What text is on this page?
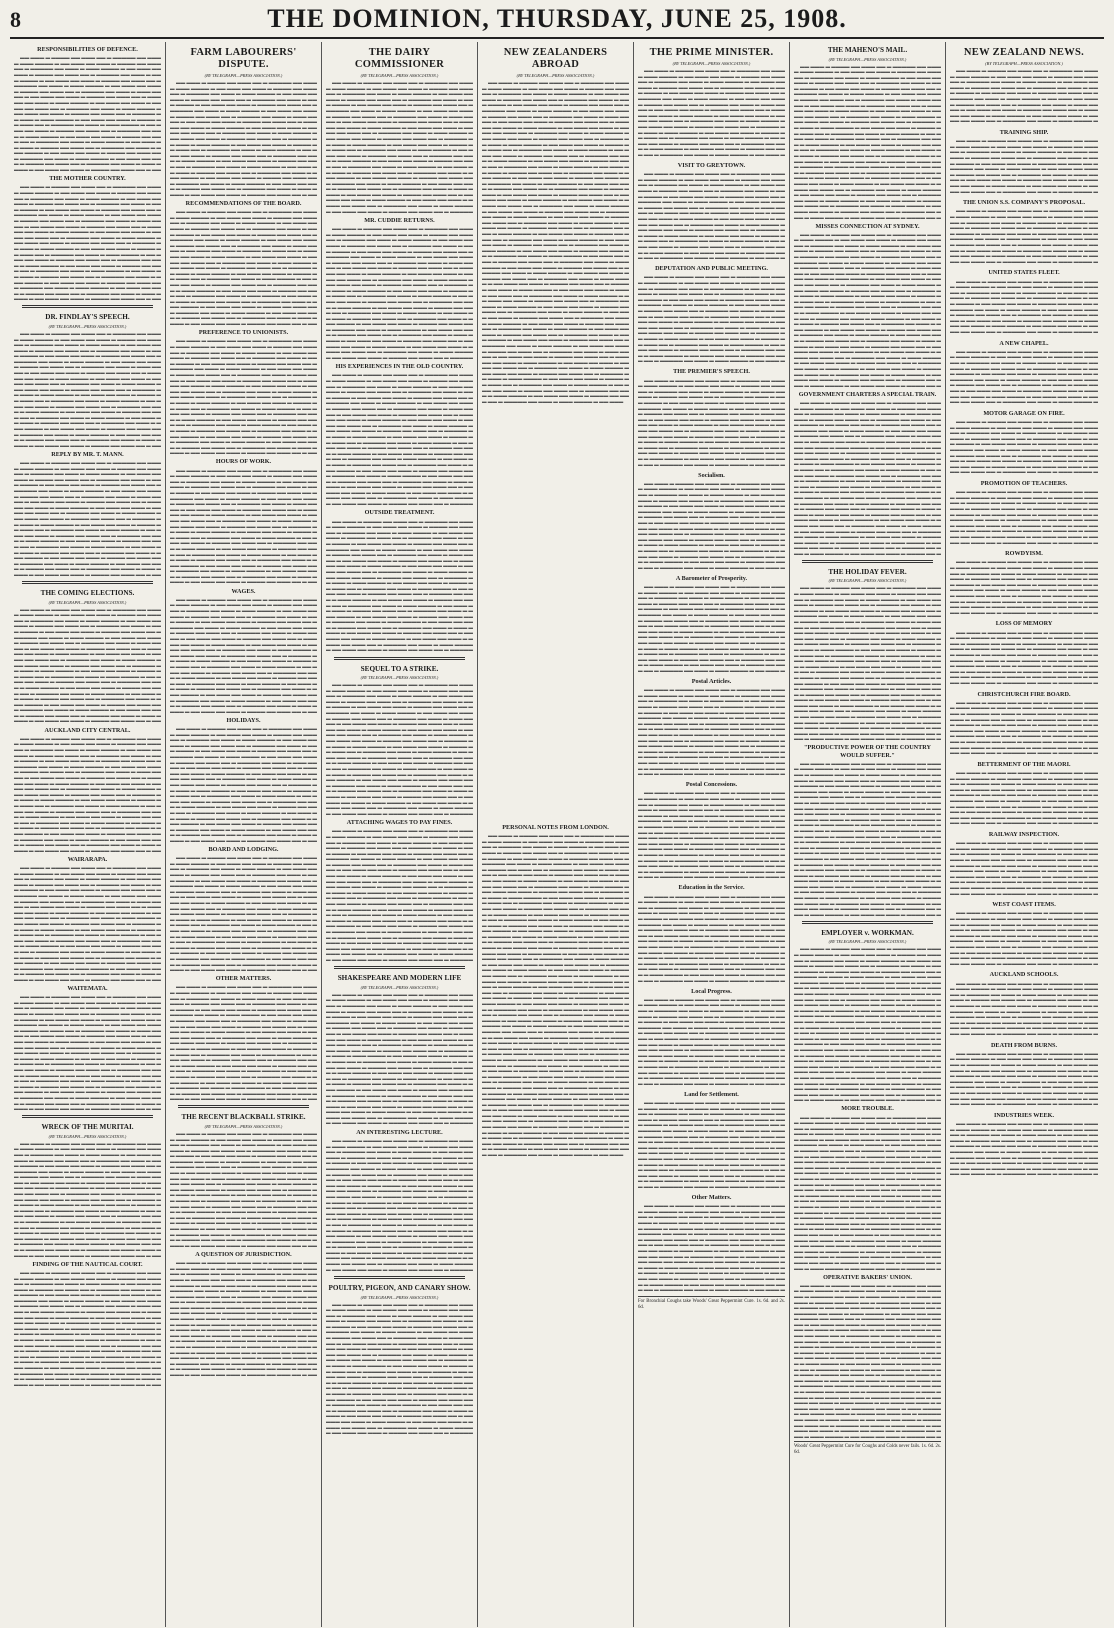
8	THE DOMINION, THURSDAY, JUNE 25, 1908.
RESPONSIBILITIES OF DEFENCE.

▬▬ ▬▬▬ ▬ ▬▬▬▬ ▬▬ ▬▬▬ ▬▬ ▬ ▬▬▬▬▬ ▬▬ ▬▬▬ ▬ ▬▬▬ ▬▬▬▬ ▬ ▬▬ ▬▬▬ ▬▬ ▬▬▬ ▬ ▬▬▬▬ ▬▬ ▬▬▬ ▬▬ ▬ ▬▬▬▬▬ ▬▬ ▬▬▬ ▬ ▬▬▬ ▬▬▬▬ ▬ ▬▬ ▬▬▬ ▬▬ ▬▬▬ ▬ ▬▬▬▬ ▬▬ ▬▬▬ ▬▬ ▬ ▬▬▬▬▬ ▬▬ ▬▬▬ ▬ ▬▬▬ ▬▬▬▬ ▬ ▬▬ ▬▬▬ ▬▬ ▬▬▬ ▬ ▬▬▬▬ ▬▬ ▬▬▬ ▬▬ ▬ ▬▬▬▬▬ ▬▬ ▬▬▬ ▬ ▬▬▬ ▬▬▬▬ ▬ ▬▬ ▬▬▬ ▬▬ ▬▬▬ ▬ ▬▬▬▬ ▬▬ ▬▬▬ ▬▬ ▬ ▬▬▬▬▬ ▬▬ ▬▬▬ ▬ ▬▬▬ ▬▬▬▬ ▬ ▬▬ ▬▬▬ ▬▬ ▬▬▬ ▬ ▬▬▬▬ ▬▬ ▬▬▬ ▬▬ ▬ ▬▬▬▬▬ ▬▬ ▬▬▬ ▬ ▬▬▬ ▬▬▬▬ ▬ ▬▬ ▬▬▬ ▬▬ ▬▬▬ ▬ ▬▬▬▬ ▬▬ ▬▬▬ ▬▬ ▬ ▬▬▬▬▬ ▬▬ ▬▬▬ ▬ ▬▬▬ ▬▬▬▬ ▬ ▬▬ ▬▬▬ ▬▬ ▬▬▬ ▬ ▬▬▬▬ ▬▬ ▬▬▬ ▬▬ ▬ ▬▬▬▬▬ ▬▬ ▬▬▬ ▬ ▬▬▬ ▬▬▬▬ ▬ ▬▬ ▬▬▬ ▬▬ ▬▬▬ ▬ ▬▬▬▬ ▬▬ ▬▬▬ ▬▬ ▬ ▬▬▬▬▬ ▬▬ ▬▬▬ ▬ ▬▬▬ ▬▬▬▬ ▬ ▬▬ ▬▬▬ ▬▬ ▬▬▬ ▬ ▬▬▬▬ ▬▬ ▬▬▬ ▬▬ ▬ ▬▬▬▬▬ ▬▬ ▬▬▬ ▬ ▬▬▬ ▬▬▬▬ ▬ ▬▬ ▬▬▬ ▬▬ ▬▬▬ ▬ ▬▬▬▬ ▬▬ ▬▬▬ ▬▬ ▬ ▬▬▬▬▬ ▬▬ ▬▬▬ ▬ ▬▬▬ ▬▬▬▬ ▬ ▬▬ ▬▬▬ ▬▬ ▬▬▬ ▬ ▬▬▬▬ ▬▬ ▬▬▬ ▬▬ ▬ ▬▬▬▬▬ ▬▬ ▬▬▬ ▬ ▬▬▬ ▬▬▬▬ ▬ ▬▬ ▬▬▬ ▬▬ ▬▬▬ ▬ ▬▬▬▬ ▬▬ ▬▬▬ ▬▬ ▬ ▬▬▬▬▬ ▬▬ ▬▬▬ ▬ ▬▬▬ ▬▬▬▬ ▬ ▬▬ ▬▬▬ ▬▬ ▬▬▬ ▬ ▬▬▬▬ ▬▬ ▬▬▬ ▬▬ ▬ ▬▬▬▬▬ ▬▬ ▬▬▬ ▬ ▬▬▬ ▬▬▬▬ ▬ ▬▬ ▬▬▬ ▬▬ ▬▬▬ ▬ ▬▬▬▬ ▬▬ ▬▬▬ ▬▬ ▬ ▬▬

THE MOTHER COUNTRY.

▬▬ ▬▬▬ ▬ ▬▬▬▬ ▬▬ ▬▬▬ ▬▬ ▬ ▬▬▬▬▬ ▬▬ ▬▬▬ ▬ ▬▬▬ ▬▬▬▬ ▬ ▬▬ ▬▬▬ ▬▬ ▬▬▬ ▬ ▬▬▬▬ ▬▬ ▬▬▬ ▬▬ ▬ ▬▬▬▬▬ ▬▬ ▬▬▬ ▬ ▬▬▬ ▬▬▬▬ ▬ ▬▬ ▬▬▬ ▬▬ ▬▬▬ ▬ ▬▬▬▬ ▬▬ ▬▬▬ ▬▬ ▬ ▬▬▬▬▬ ▬▬ ▬▬▬ ▬ ▬▬▬ ▬▬▬▬ ▬ ▬▬ ▬▬▬ ▬▬ ▬▬▬ ▬ ▬▬▬▬ ▬▬ ▬▬▬ ▬▬ ▬ ▬▬▬▬▬ ▬▬ ▬▬▬ ▬ ▬▬▬ ▬▬▬▬ ▬ ▬▬ ▬▬▬ ▬▬ ▬▬▬ ▬ ▬▬▬▬ ▬▬ ▬▬▬ ▬▬ ▬ ▬▬▬▬▬ ▬▬ ▬▬▬ ▬ ▬▬▬ ▬▬▬▬ ▬ ▬▬ ▬▬▬ ▬▬ ▬▬▬ ▬ ▬▬▬▬ ▬▬ ▬▬▬ ▬▬ ▬ ▬▬▬▬▬ ▬▬ ▬▬▬ ▬ ▬▬▬ ▬▬▬▬ ▬ ▬▬ ▬▬▬ ▬▬ ▬▬▬ ▬ ▬▬▬▬ ▬▬ ▬▬▬ ▬▬ ▬ ▬▬▬▬▬ ▬▬ ▬▬▬ ▬ ▬▬▬ ▬▬▬▬ ▬ ▬▬ ▬▬▬ ▬▬ ▬▬▬ ▬ ▬▬▬▬ ▬▬ ▬▬▬ ▬▬ ▬ ▬▬▬▬▬ ▬▬ ▬▬▬ ▬ ▬▬▬ ▬▬▬▬ ▬ ▬▬ ▬▬▬ ▬▬ ▬▬▬ ▬ ▬▬▬▬ ▬▬ ▬▬▬ ▬▬ ▬ ▬▬▬▬▬ ▬▬ ▬▬▬ ▬ ▬▬▬ ▬▬▬▬ ▬ ▬▬ ▬▬▬ ▬▬ ▬▬▬ ▬ ▬▬▬▬ ▬▬ ▬▬▬ ▬▬ ▬ ▬▬▬▬▬ ▬▬ ▬▬▬ ▬ ▬▬▬ ▬▬▬▬ ▬ ▬▬ ▬▬▬ ▬▬ ▬▬▬ ▬ ▬▬▬▬ ▬▬ ▬▬▬ ▬▬ ▬ ▬▬▬▬▬ ▬▬ ▬▬▬ ▬ ▬▬▬ ▬▬▬▬ ▬ ▬▬ ▬▬▬ ▬▬ ▬▬▬ ▬ ▬▬▬▬ ▬▬ ▬▬▬ ▬▬ ▬ ▬▬▬▬▬ ▬▬ ▬▬▬ ▬ ▬▬▬ ▬▬▬▬ ▬ ▬▬ ▬▬▬ ▬▬ ▬▬▬ ▬ ▬▬▬▬ ▬▬ ▬▬▬ ▬▬ ▬ ▬▬▬▬▬ ▬▬ ▬▬▬ ▬ ▬▬▬ ▬▬▬▬ ▬ ▬▬ ▬▬▬ ▬▬ ▬▬▬ ▬ ▬▬▬▬ ▬▬ ▬▬▬ ▬▬ ▬ ▬▬▬▬▬ ▬▬ ▬▬▬ ▬ ▬▬▬ ▬▬▬▬ ▬ ▬▬ ▬▬▬ ▬▬ ▬▬▬ ▬ ▬▬▬▬ ▬▬ ▬▬▬ ▬▬ ▬ ▬▬

DR. FINDLAY'S SPEECH.
(BY TELEGRAPH—PRESS ASSOCIATION.)

▬▬ ▬▬▬ ▬ ▬▬▬▬ ▬▬ ▬▬▬ ▬▬ ▬ ▬▬▬▬▬ ▬▬ ▬▬▬ ▬ ▬▬▬ ▬▬▬▬ ▬ ▬▬ ▬▬▬ ▬▬ ▬▬▬ ▬ ▬▬▬▬ ▬▬ ▬▬▬ ▬▬ ▬ ▬▬▬▬▬ ▬▬ ▬▬▬ ▬ ▬▬▬ ▬▬▬▬ ▬ ▬▬ ▬▬▬ ▬▬ ▬▬▬ ▬ ▬▬▬▬ ▬▬ ▬▬▬ ▬▬ ▬ ▬▬▬▬▬ ▬▬ ▬▬▬ ▬ ▬▬▬ ▬▬▬▬ ▬ ▬▬ ▬▬▬ ▬▬ ▬▬▬ ▬ ▬▬▬▬ ▬▬ ▬▬▬ ▬▬ ▬ ▬▬▬▬▬ ▬▬ ▬▬▬ ▬ ▬▬▬ ▬▬▬▬ ▬ ▬▬ ▬▬▬ ▬▬ ▬▬▬ ▬ ▬▬▬▬ ▬▬ ▬▬▬ ▬▬ ▬ ▬▬▬▬▬ ▬▬ ▬▬▬ ▬ ▬▬▬ ▬▬▬▬ ▬ ▬▬ ▬▬▬ ▬▬ ▬▬▬ ▬ ▬▬▬▬ ▬▬ ▬▬▬ ▬▬ ▬ ▬▬▬▬▬ ▬▬ ▬▬▬ ▬ ▬▬▬ ▬▬▬▬ ▬ ▬▬ ▬▬▬ ▬▬ ▬▬▬ ▬ ▬▬▬▬ ▬▬ ▬▬▬ ▬▬ ▬ ▬▬▬▬▬ ▬▬ ▬▬▬ ▬ ▬▬▬ ▬▬▬▬ ▬ ▬▬ ▬▬▬ ▬▬ ▬▬▬ ▬ ▬▬▬▬ ▬▬ ▬▬▬ ▬▬ ▬ ▬▬▬▬▬ ▬▬ ▬▬▬ ▬ ▬▬▬ ▬▬▬▬ ▬ ▬▬ ▬▬▬ ▬▬ ▬▬▬ ▬ ▬▬▬▬ ▬▬ ▬▬▬ ▬▬ ▬ ▬▬▬▬▬ ▬▬ ▬▬▬ ▬ ▬▬▬ ▬▬▬▬ ▬ ▬▬ ▬▬▬ ▬▬ ▬▬▬ ▬ ▬▬▬▬ ▬▬ ▬▬▬ ▬▬ ▬ ▬▬▬▬▬ ▬▬ ▬▬▬ ▬ ▬▬▬ ▬▬▬▬ ▬ ▬▬ ▬▬▬ ▬▬ ▬▬▬ ▬ ▬▬▬▬ ▬▬ ▬▬▬ ▬▬ ▬ ▬▬▬▬▬ ▬▬ ▬▬▬ ▬ ▬▬▬ ▬▬▬▬ ▬ ▬▬ ▬▬▬ ▬▬ ▬▬▬ ▬ ▬▬▬▬ ▬▬ ▬▬▬ ▬▬ ▬ ▬▬▬▬▬ ▬▬ ▬▬▬ ▬ ▬▬▬ ▬▬▬▬ ▬ ▬▬ ▬▬▬ ▬▬ ▬▬▬ ▬ ▬▬▬▬ ▬▬ ▬▬▬ ▬▬ ▬ ▬▬▬▬▬ ▬▬ ▬▬▬ ▬ ▬▬▬ ▬▬▬▬ ▬ ▬▬ ▬▬▬ ▬▬ ▬▬▬ ▬ ▬▬▬▬ ▬▬ ▬▬▬ ▬▬ ▬ ▬▬▬▬▬ ▬▬ ▬▬▬ ▬ ▬▬▬ ▬▬▬▬ ▬ ▬▬ ▬▬▬ ▬▬ ▬▬▬ ▬ ▬▬▬▬ ▬▬ ▬▬▬ ▬▬ ▬ ▬▬

REPLY BY MR. T. MANN.

▬▬ ▬▬▬ ▬ ▬▬▬▬ ▬▬ ▬▬▬ ▬▬ ▬ ▬▬▬▬▬ ▬▬ ▬▬▬ ▬ ▬▬▬ ▬▬▬▬ ▬ ▬▬ ▬▬▬ ▬▬ ▬▬▬ ▬ ▬▬▬▬ ▬▬ ▬▬▬ ▬▬ ▬ ▬▬▬▬▬ ▬▬ ▬▬▬ ▬ ▬▬▬ ▬▬▬▬ ▬ ▬▬ ▬▬▬ ▬▬ ▬▬▬ ▬ ▬▬▬▬ ▬▬ ▬▬▬ ▬▬ ▬ ▬▬▬▬▬ ▬▬ ▬▬▬ ▬ ▬▬▬ ▬▬▬▬ ▬ ▬▬ ▬▬▬ ▬▬ ▬▬▬ ▬ ▬▬▬▬ ▬▬ ▬▬▬ ▬▬ ▬ ▬▬▬▬▬ ▬▬ ▬▬▬ ▬ ▬▬▬ ▬▬▬▬ ▬ ▬▬ ▬▬▬ ▬▬ ▬▬▬ ▬ ▬▬▬▬ ▬▬ ▬▬▬ ▬▬ ▬ ▬▬▬▬▬ ▬▬ ▬▬▬ ▬ ▬▬▬ ▬▬▬▬ ▬ ▬▬ ▬▬▬ ▬▬ ▬▬▬ ▬ ▬▬▬▬ ▬▬ ▬▬▬ ▬▬ ▬ ▬▬▬▬▬ ▬▬ ▬▬▬ ▬ ▬▬▬ ▬▬▬▬ ▬ ▬▬ ▬▬▬ ▬▬ ▬▬▬ ▬ ▬▬▬▬ ▬▬ ▬▬▬ ▬▬ ▬ ▬▬▬▬▬ ▬▬ ▬▬▬ ▬ ▬▬▬ ▬▬▬▬ ▬ ▬▬ ▬▬▬ ▬▬ ▬▬▬ ▬ ▬▬▬▬ ▬▬ ▬▬▬ ▬▬ ▬ ▬▬▬▬▬ ▬▬ ▬▬▬ ▬ ▬▬▬ ▬▬▬▬ ▬ ▬▬ ▬▬▬ ▬▬ ▬▬▬ ▬ ▬▬▬▬ ▬▬ ▬▬▬ ▬▬ ▬ ▬▬▬▬▬ ▬▬ ▬▬▬ ▬ ▬▬▬ ▬▬▬▬ ▬ ▬▬ ▬▬▬ ▬▬ ▬▬▬ ▬ ▬▬▬▬ ▬▬ ▬▬▬ ▬▬ ▬ ▬▬▬▬▬ ▬▬ ▬▬▬ ▬ ▬▬▬ ▬▬▬▬ ▬ ▬▬ ▬▬▬ ▬▬ ▬▬▬ ▬ ▬▬▬▬ ▬▬ ▬▬▬ ▬▬ ▬ ▬▬▬▬▬ ▬▬ ▬▬▬ ▬ ▬▬▬ ▬▬▬▬ ▬ ▬▬ ▬▬▬ ▬▬ ▬▬▬ ▬ ▬▬▬▬ ▬▬ ▬▬▬ ▬▬ ▬ ▬▬▬▬▬ ▬▬ ▬▬▬ ▬ ▬▬▬ ▬▬▬▬ ▬ ▬▬ ▬▬▬ ▬▬ ▬▬▬ ▬ ▬▬▬▬ ▬▬ ▬▬▬ ▬▬ ▬ ▬▬▬▬▬ ▬▬ ▬▬▬ ▬ ▬▬▬ ▬▬▬▬ ▬ ▬▬ ▬▬▬ ▬▬ ▬▬▬ ▬ ▬▬▬▬ ▬▬ ▬▬▬ ▬▬ ▬ ▬▬▬▬▬ ▬▬ ▬▬▬ ▬ ▬▬▬ ▬▬▬▬ ▬ ▬▬ ▬▬▬ ▬▬ ▬▬▬ ▬ ▬▬▬▬ ▬▬ ▬▬▬ ▬▬ ▬ ▬▬

THE COMING ELECTIONS.
(BY TELEGRAPH—PRESS ASSOCIATION.)

▬▬ ▬▬▬ ▬ ▬▬▬▬ ▬▬ ▬▬▬ ▬▬ ▬ ▬▬▬▬▬ ▬▬ ▬▬▬ ▬ ▬▬▬ ▬▬▬▬ ▬ ▬▬ ▬▬▬ ▬▬ ▬▬▬ ▬ ▬▬▬▬ ▬▬ ▬▬▬ ▬▬ ▬ ▬▬▬▬▬ ▬▬ ▬▬▬ ▬ ▬▬▬ ▬▬▬▬ ▬ ▬▬ ▬▬▬ ▬▬ ▬▬▬ ▬ ▬▬▬▬ ▬▬ ▬▬▬ ▬▬ ▬ ▬▬▬▬▬ ▬▬ ▬▬▬ ▬ ▬▬▬ ▬▬▬▬ ▬ ▬▬ ▬▬▬ ▬▬ ▬▬▬ ▬ ▬▬▬▬ ▬▬ ▬▬▬ ▬▬ ▬ ▬▬▬▬▬ ▬▬ ▬▬▬ ▬ ▬▬▬ ▬▬▬▬ ▬ ▬▬ ▬▬▬ ▬▬ ▬▬▬ ▬ ▬▬▬▬ ▬▬ ▬▬▬ ▬▬ ▬ ▬▬▬▬▬ ▬▬ ▬▬▬ ▬ ▬▬▬ ▬▬▬▬ ▬ ▬▬ ▬▬▬ ▬▬ ▬▬▬ ▬ ▬▬▬▬ ▬▬ ▬▬▬ ▬▬ ▬ ▬▬▬▬▬ ▬▬ ▬▬▬ ▬ ▬▬▬ ▬▬▬▬ ▬ ▬▬ ▬▬▬ ▬▬ ▬▬▬ ▬ ▬▬▬▬ ▬▬ ▬▬▬ ▬▬ ▬ ▬▬▬▬▬ ▬▬ ▬▬▬ ▬ ▬▬▬ ▬▬▬▬ ▬ ▬▬ ▬▬▬ ▬▬ ▬▬▬ ▬ ▬▬▬▬ ▬▬ ▬▬▬ ▬▬ ▬ ▬▬▬▬▬ ▬▬ ▬▬▬ ▬ ▬▬▬ ▬▬▬▬ ▬ ▬▬ ▬▬▬ ▬▬ ▬▬▬ ▬ ▬▬▬▬ ▬▬ ▬▬▬ ▬▬ ▬ ▬▬▬▬▬ ▬▬ ▬▬▬ ▬ ▬▬▬ ▬▬▬▬ ▬ ▬▬ ▬▬▬ ▬▬ ▬▬▬ ▬ ▬▬▬▬ ▬▬ ▬▬▬ ▬▬ ▬ ▬▬▬▬▬ ▬▬ ▬▬▬ ▬ ▬▬▬ ▬▬▬▬ ▬ ▬▬ ▬▬▬ ▬▬ ▬▬▬ ▬ ▬▬▬▬ ▬▬ ▬▬▬ ▬▬ ▬ ▬▬▬▬▬ ▬▬ ▬▬▬ ▬ ▬▬▬ ▬▬▬▬ ▬ ▬▬ ▬▬▬ ▬▬ ▬▬▬ ▬ ▬▬▬▬ ▬▬ ▬▬▬ ▬▬ ▬ ▬▬▬▬▬ ▬▬ ▬▬▬ ▬ ▬▬▬ ▬▬▬▬ ▬ ▬▬ ▬▬▬ ▬▬ ▬▬▬ ▬ ▬▬▬▬ ▬▬ ▬▬▬ ▬▬ ▬ ▬▬▬▬▬ ▬▬ ▬▬▬ ▬ ▬▬▬ ▬▬▬▬ ▬ ▬▬ ▬▬▬ ▬▬ ▬▬▬ ▬ ▬▬▬▬ ▬▬ ▬▬▬ ▬▬ ▬ ▬▬▬▬▬ ▬▬ ▬▬▬ ▬ ▬▬▬ ▬▬▬▬ ▬ ▬▬ ▬▬▬ ▬▬ ▬▬▬ ▬ ▬▬▬▬ ▬▬ ▬▬▬ ▬▬ ▬ ▬▬

AUCKLAND CITY CENTRAL.

▬▬ ▬▬▬ ▬ ▬▬▬▬ ▬▬ ▬▬▬ ▬▬ ▬ ▬▬▬▬▬ ▬▬ ▬▬▬ ▬ ▬▬▬ ▬▬▬▬ ▬ ▬▬ ▬▬▬ ▬▬ ▬▬▬ ▬ ▬▬▬▬ ▬▬ ▬▬▬ ▬▬ ▬ ▬▬▬▬▬ ▬▬ ▬▬▬ ▬ ▬▬▬ ▬▬▬▬ ▬ ▬▬ ▬▬▬ ▬▬ ▬▬▬ ▬ ▬▬▬▬ ▬▬ ▬▬▬ ▬▬ ▬ ▬▬▬▬▬ ▬▬ ▬▬▬ ▬ ▬▬▬ ▬▬▬▬ ▬ ▬▬ ▬▬▬ ▬▬ ▬▬▬ ▬ ▬▬▬▬ ▬▬ ▬▬▬ ▬▬ ▬ ▬▬▬▬▬ ▬▬ ▬▬▬ ▬ ▬▬▬ ▬▬▬▬ ▬ ▬▬ ▬▬▬ ▬▬ ▬▬▬ ▬ ▬▬▬▬ ▬▬ ▬▬▬ ▬▬ ▬ ▬▬▬▬▬ ▬▬ ▬▬▬ ▬ ▬▬▬ ▬▬▬▬ ▬ ▬▬ ▬▬▬ ▬▬ ▬▬▬ ▬ ▬▬▬▬ ▬▬ ▬▬▬ ▬▬ ▬ ▬▬▬▬▬ ▬▬ ▬▬▬ ▬ ▬▬▬ ▬▬▬▬ ▬ ▬▬ ▬▬▬ ▬▬ ▬▬▬ ▬ ▬▬▬▬ ▬▬ ▬▬▬ ▬▬ ▬ ▬▬▬▬▬ ▬▬ ▬▬▬ ▬ ▬▬▬ ▬▬▬▬ ▬ ▬▬ ▬▬▬ ▬▬ ▬▬▬ ▬ ▬▬▬▬ ▬▬ ▬▬▬ ▬▬ ▬ ▬▬▬▬▬ ▬▬ ▬▬▬ ▬ ▬▬▬ ▬▬▬▬ ▬ ▬▬ ▬▬▬ ▬▬ ▬▬▬ ▬ ▬▬▬▬ ▬▬ ▬▬▬ ▬▬ ▬ ▬▬▬▬▬ ▬▬ ▬▬▬ ▬ ▬▬▬ ▬▬▬▬ ▬ ▬▬ ▬▬▬ ▬▬ ▬▬▬ ▬ ▬▬▬▬ ▬▬ ▬▬▬ ▬▬ ▬ ▬▬▬▬▬ ▬▬ ▬▬▬ ▬ ▬▬▬ ▬▬▬▬ ▬ ▬▬ ▬▬▬ ▬▬ ▬▬▬ ▬ ▬▬▬▬ ▬▬ ▬▬▬ ▬▬ ▬ ▬▬▬▬▬ ▬▬ ▬▬▬ ▬ ▬▬▬ ▬▬▬▬ ▬ ▬▬ ▬▬▬ ▬▬ ▬▬▬ ▬ ▬▬▬▬ ▬▬ ▬▬▬ ▬▬ ▬ ▬▬▬▬▬ ▬▬ ▬▬▬ ▬ ▬▬▬ ▬▬▬▬ ▬ ▬▬ ▬▬▬ ▬▬ ▬▬▬ ▬ ▬▬▬▬ ▬▬ ▬▬▬ ▬▬ ▬ ▬▬▬▬▬ ▬▬ ▬▬▬ ▬ ▬▬▬ ▬▬▬▬ ▬ ▬▬ ▬▬▬ ▬▬ ▬▬▬ ▬ ▬▬▬▬ ▬▬ ▬▬▬ ▬▬ ▬ ▬▬▬▬▬ ▬▬ ▬▬▬ ▬ ▬▬▬ ▬▬▬▬ ▬ ▬▬ ▬▬▬ ▬▬ ▬▬▬ ▬ ▬▬▬▬ ▬▬ ▬▬▬ ▬▬ ▬ ▬▬

WAIRARAPA.

▬▬ ▬▬▬ ▬ ▬▬▬▬ ▬▬ ▬▬▬ ▬▬ ▬ ▬▬▬▬▬ ▬▬ ▬▬▬ ▬ ▬▬▬ ▬▬▬▬ ▬ ▬▬ ▬▬▬ ▬▬ ▬▬▬ ▬ ▬▬▬▬ ▬▬ ▬▬▬ ▬▬ ▬ ▬▬▬▬▬ ▬▬ ▬▬▬ ▬ ▬▬▬ ▬▬▬▬ ▬ ▬▬ ▬▬▬ ▬▬ ▬▬▬ ▬ ▬▬▬▬ ▬▬ ▬▬▬ ▬▬ ▬ ▬▬▬▬▬ ▬▬ ▬▬▬ ▬ ▬▬▬ ▬▬▬▬ ▬ ▬▬ ▬▬▬ ▬▬ ▬▬▬ ▬ ▬▬▬▬ ▬▬ ▬▬▬ ▬▬ ▬ ▬▬▬▬▬ ▬▬ ▬▬▬ ▬ ▬▬▬ ▬▬▬▬ ▬ ▬▬ ▬▬▬ ▬▬ ▬▬▬ ▬ ▬▬▬▬ ▬▬ ▬▬▬ ▬▬ ▬ ▬▬▬▬▬ ▬▬ ▬▬▬ ▬ ▬▬▬ ▬▬▬▬ ▬ ▬▬ ▬▬▬ ▬▬ ▬▬▬ ▬ ▬▬▬▬ ▬▬ ▬▬▬ ▬▬ ▬ ▬▬▬▬▬ ▬▬ ▬▬▬ ▬ ▬▬▬ ▬▬▬▬ ▬ ▬▬ ▬▬▬ ▬▬ ▬▬▬ ▬ ▬▬▬▬ ▬▬ ▬▬▬ ▬▬ ▬ ▬▬▬▬▬ ▬▬ ▬▬▬ ▬ ▬▬▬ ▬▬▬▬ ▬ ▬▬ ▬▬▬ ▬▬ ▬▬▬ ▬ ▬▬▬▬ ▬▬ ▬▬▬ ▬▬ ▬ ▬▬▬▬▬ ▬▬ ▬▬▬ ▬ ▬▬▬ ▬▬▬▬ ▬ ▬▬ ▬▬▬ ▬▬ ▬▬▬ ▬ ▬▬▬▬ ▬▬ ▬▬▬ ▬▬ ▬ ▬▬▬▬▬ ▬▬ ▬▬▬ ▬ ▬▬▬ ▬▬▬▬ ▬ ▬▬ ▬▬▬ ▬▬ ▬▬▬ ▬ ▬▬▬▬ ▬▬ ▬▬▬ ▬▬ ▬ ▬▬▬▬▬ ▬▬ ▬▬▬ ▬ ▬▬▬ ▬▬▬▬ ▬ ▬▬ ▬▬▬ ▬▬ ▬▬▬ ▬ ▬▬▬▬ ▬▬ ▬▬▬ ▬▬ ▬ ▬▬▬▬▬ ▬▬ ▬▬▬ ▬ ▬▬▬ ▬▬▬▬ ▬ ▬▬ ▬▬▬ ▬▬ ▬▬▬ ▬ ▬▬▬▬ ▬▬ ▬▬▬ ▬▬ ▬ ▬▬▬▬▬ ▬▬ ▬▬▬ ▬ ▬▬▬ ▬▬▬▬ ▬ ▬▬ ▬▬▬ ▬▬ ▬▬▬ ▬ ▬▬▬▬ ▬▬ ▬▬▬ ▬▬ ▬ ▬▬▬▬▬ ▬▬ ▬▬▬ ▬ ▬▬▬ ▬▬▬▬ ▬ ▬▬ ▬▬▬ ▬▬ ▬▬▬ ▬ ▬▬▬▬ ▬▬ ▬▬▬ ▬▬ ▬ ▬▬▬▬▬ ▬▬ ▬▬▬ ▬ ▬▬▬ ▬▬▬▬ ▬ ▬▬ ▬▬▬ ▬▬ ▬▬▬ ▬ ▬▬▬▬ ▬▬ ▬▬▬ ▬▬ ▬ ▬▬

WAITEMATA.

▬▬ ▬▬▬ ▬ ▬▬▬▬ ▬▬ ▬▬▬ ▬▬ ▬ ▬▬▬▬▬ ▬▬ ▬▬▬ ▬ ▬▬▬ ▬▬▬▬ ▬ ▬▬ ▬▬▬ ▬▬ ▬▬▬ ▬ ▬▬▬▬ ▬▬ ▬▬▬ ▬▬ ▬ ▬▬▬▬▬ ▬▬ ▬▬▬ ▬ ▬▬▬ ▬▬▬▬ ▬ ▬▬ ▬▬▬ ▬▬ ▬▬▬ ▬ ▬▬▬▬ ▬▬ ▬▬▬ ▬▬ ▬ ▬▬▬▬▬ ▬▬ ▬▬▬ ▬ ▬▬▬ ▬▬▬▬ ▬ ▬▬ ▬▬▬ ▬▬ ▬▬▬ ▬ ▬▬▬▬ ▬▬ ▬▬▬ ▬▬ ▬ ▬▬▬▬▬ ▬▬ ▬▬▬ ▬ ▬▬▬ ▬▬▬▬ ▬ ▬▬ ▬▬▬ ▬▬ ▬▬▬ ▬ ▬▬▬▬ ▬▬ ▬▬▬ ▬▬ ▬ ▬▬▬▬▬ ▬▬ ▬▬▬ ▬ ▬▬▬ ▬▬▬▬ ▬ ▬▬ ▬▬▬ ▬▬ ▬▬▬ ▬ ▬▬▬▬ ▬▬ ▬▬▬ ▬▬ ▬ ▬▬▬▬▬ ▬▬ ▬▬▬ ▬ ▬▬▬ ▬▬▬▬ ▬ ▬▬ ▬▬▬ ▬▬ ▬▬▬ ▬ ▬▬▬▬ ▬▬ ▬▬▬ ▬▬ ▬ ▬▬▬▬▬ ▬▬ ▬▬▬ ▬ ▬▬▬ ▬▬▬▬ ▬ ▬▬ ▬▬▬ ▬▬ ▬▬▬ ▬ ▬▬▬▬ ▬▬ ▬▬▬ ▬▬ ▬ ▬▬▬▬▬ ▬▬ ▬▬▬ ▬ ▬▬▬ ▬▬▬▬ ▬ ▬▬ ▬▬▬ ▬▬ ▬▬▬ ▬ ▬▬▬▬ ▬▬ ▬▬▬ ▬▬ ▬ ▬▬▬▬▬ ▬▬ ▬▬▬ ▬ ▬▬▬ ▬▬▬▬ ▬ ▬▬ ▬▬▬ ▬▬ ▬▬▬ ▬ ▬▬▬▬ ▬▬ ▬▬▬ ▬▬ ▬ ▬▬▬▬▬ ▬▬ ▬▬▬ ▬ ▬▬▬ ▬▬▬▬ ▬ ▬▬ ▬▬▬ ▬▬ ▬▬▬ ▬ ▬▬▬▬ ▬▬ ▬▬▬ ▬▬ ▬ ▬▬▬▬▬ ▬▬ ▬▬▬ ▬ ▬▬▬ ▬▬▬▬ ▬ ▬▬ ▬▬▬ ▬▬ ▬▬▬ ▬ ▬▬▬▬ ▬▬ ▬▬▬ ▬▬ ▬ ▬▬▬▬▬ ▬▬ ▬▬▬ ▬ ▬▬▬ ▬▬▬▬ ▬ ▬▬ ▬▬▬ ▬▬ ▬▬▬ ▬ ▬▬▬▬ ▬▬ ▬▬▬ ▬▬ ▬ ▬▬▬▬▬ ▬▬ ▬▬▬ ▬ ▬▬▬ ▬▬▬▬ ▬ ▬▬ ▬▬▬ ▬▬ ▬▬▬ ▬ ▬▬▬▬ ▬▬ ▬▬▬ ▬▬ ▬ ▬▬▬▬▬ ▬▬ ▬▬▬ ▬ ▬▬▬ ▬▬▬▬ ▬ ▬▬ ▬▬▬ ▬▬ ▬▬▬ ▬ ▬▬▬▬ ▬▬ ▬▬▬ ▬▬ ▬ ▬▬

WRECK OF THE MURITAI.
(BY TELEGRAPH—PRESS ASSOCIATION.)

▬▬ ▬▬▬ ▬ ▬▬▬▬ ▬▬ ▬▬▬ ▬▬ ▬ ▬▬▬▬▬ ▬▬ ▬▬▬ ▬ ▬▬▬ ▬▬▬▬ ▬ ▬▬ ▬▬▬ ▬▬ ▬▬▬ ▬ ▬▬▬▬ ▬▬ ▬▬▬ ▬▬ ▬ ▬▬▬▬▬ ▬▬ ▬▬▬ ▬ ▬▬▬ ▬▬▬▬ ▬ ▬▬ ▬▬▬ ▬▬ ▬▬▬ ▬ ▬▬▬▬ ▬▬ ▬▬▬ ▬▬ ▬ ▬▬▬▬▬ ▬▬ ▬▬▬ ▬ ▬▬▬ ▬▬▬▬ ▬ ▬▬ ▬▬▬ ▬▬ ▬▬▬ ▬ ▬▬▬▬ ▬▬ ▬▬▬ ▬▬ ▬ ▬▬▬▬▬ ▬▬ ▬▬▬ ▬ ▬▬▬ ▬▬▬▬ ▬ ▬▬ ▬▬▬ ▬▬ ▬▬▬ ▬ ▬▬▬▬ ▬▬ ▬▬▬ ▬▬ ▬ ▬▬▬▬▬ ▬▬ ▬▬▬ ▬ ▬▬▬ ▬▬▬▬ ▬ ▬▬ ▬▬▬ ▬▬ ▬▬▬ ▬ ▬▬▬▬ ▬▬ ▬▬▬ ▬▬ ▬ ▬▬▬▬▬ ▬▬ ▬▬▬ ▬ ▬▬▬ ▬▬▬▬ ▬ ▬▬ ▬▬▬ ▬▬ ▬▬▬ ▬ ▬▬▬▬ ▬▬ ▬▬▬ ▬▬ ▬ ▬▬▬▬▬ ▬▬ ▬▬▬ ▬ ▬▬▬ ▬▬▬▬ ▬ ▬▬ ▬▬▬ ▬▬ ▬▬▬ ▬ ▬▬▬▬ ▬▬ ▬▬▬ ▬▬ ▬ ▬▬▬▬▬ ▬▬ ▬▬▬ ▬ ▬▬▬ ▬▬▬▬ ▬ ▬▬ ▬▬▬ ▬▬ ▬▬▬ ▬ ▬▬▬▬ ▬▬ ▬▬▬ ▬▬ ▬ ▬▬▬▬▬ ▬▬ ▬▬▬ ▬ ▬▬▬ ▬▬▬▬ ▬ ▬▬ ▬▬▬ ▬▬ ▬▬▬ ▬ ▬▬▬▬ ▬▬ ▬▬▬ ▬▬ ▬ ▬▬▬▬▬ ▬▬ ▬▬▬ ▬ ▬▬▬ ▬▬▬▬ ▬ ▬▬ ▬▬▬ ▬▬ ▬▬▬ ▬ ▬▬▬▬ ▬▬ ▬▬▬ ▬▬ ▬ ▬▬▬▬▬ ▬▬ ▬▬▬ ▬ ▬▬▬ ▬▬▬▬ ▬ ▬▬ ▬▬▬ ▬▬ ▬▬▬ ▬ ▬▬▬▬ ▬▬ ▬▬▬ ▬▬ ▬ ▬▬▬▬▬ ▬▬ ▬▬▬ ▬ ▬▬▬ ▬▬▬▬ ▬ ▬▬ ▬▬▬ ▬▬ ▬▬▬ ▬ ▬▬▬▬ ▬▬ ▬▬▬ ▬▬ ▬ ▬▬▬▬▬ ▬▬ ▬▬▬ ▬ ▬▬▬ ▬▬▬▬ ▬ ▬▬ ▬▬▬ ▬▬ ▬▬▬ ▬ ▬▬▬▬ ▬▬ ▬▬▬ ▬▬ ▬ ▬▬▬▬▬ ▬▬ ▬▬▬ ▬ ▬▬▬ ▬▬▬▬ ▬ ▬▬ ▬▬▬ ▬▬ ▬▬▬ ▬ ▬▬▬▬ ▬▬ ▬▬▬ ▬▬ ▬ ▬▬

FINDING OF THE NAUTICAL COURT.

▬▬ ▬▬▬ ▬ ▬▬▬▬ ▬▬ ▬▬▬ ▬▬ ▬ ▬▬▬▬▬ ▬▬ ▬▬▬ ▬ ▬▬▬ ▬▬▬▬ ▬ ▬▬ ▬▬▬ ▬▬ ▬▬▬ ▬ ▬▬▬▬ ▬▬ ▬▬▬ ▬▬ ▬ ▬▬▬▬▬ ▬▬ ▬▬▬ ▬ ▬▬▬ ▬▬▬▬ ▬ ▬▬ ▬▬▬ ▬▬ ▬▬▬ ▬ ▬▬▬▬ ▬▬ ▬▬▬ ▬▬ ▬ ▬▬▬▬▬ ▬▬ ▬▬▬ ▬ ▬▬▬ ▬▬▬▬ ▬ ▬▬ ▬▬▬ ▬▬ ▬▬▬ ▬ ▬▬▬▬ ▬▬ ▬▬▬ ▬▬ ▬ ▬▬▬▬▬ ▬▬ ▬▬▬ ▬ ▬▬▬ ▬▬▬▬ ▬ ▬▬ ▬▬▬ ▬▬ ▬▬▬ ▬ ▬▬▬▬ ▬▬ ▬▬▬ ▬▬ ▬ ▬▬▬▬▬ ▬▬ ▬▬▬ ▬ ▬▬▬ ▬▬▬▬ ▬ ▬▬ ▬▬▬ ▬▬ ▬▬▬ ▬ ▬▬▬▬ ▬▬ ▬▬▬ ▬▬ ▬ ▬▬▬▬▬ ▬▬ ▬▬▬ ▬ ▬▬▬ ▬▬▬▬ ▬ ▬▬ ▬▬▬ ▬▬ ▬▬▬ ▬ ▬▬▬▬ ▬▬ ▬▬▬ ▬▬ ▬ ▬▬▬▬▬ ▬▬ ▬▬▬ ▬ ▬▬▬ ▬▬▬▬ ▬ ▬▬ ▬▬▬ ▬▬ ▬▬▬ ▬ ▬▬▬▬ ▬▬ ▬▬▬ ▬▬ ▬ ▬▬▬▬▬ ▬▬ ▬▬▬ ▬ ▬▬▬ ▬▬▬▬ ▬ ▬▬ ▬▬▬ ▬▬ ▬▬▬ ▬ ▬▬▬▬ ▬▬ ▬▬▬ ▬▬ ▬ ▬▬▬▬▬ ▬▬ ▬▬▬ ▬ ▬▬▬ ▬▬▬▬ ▬ ▬▬ ▬▬▬ ▬▬ ▬▬▬ ▬ ▬▬▬▬ ▬▬ ▬▬▬ ▬▬ ▬ ▬▬▬▬▬ ▬▬ ▬▬▬ ▬ ▬▬▬ ▬▬▬▬ ▬ ▬▬ ▬▬▬ ▬▬ ▬▬▬ ▬ ▬▬▬▬ ▬▬ ▬▬▬ ▬▬ ▬ ▬▬▬▬▬ ▬▬ ▬▬▬ ▬ ▬▬▬ ▬▬▬▬ ▬ ▬▬ ▬▬▬ ▬▬ ▬▬▬ ▬ ▬▬▬▬ ▬▬ ▬▬▬ ▬▬ ▬ ▬▬▬▬▬ ▬▬ ▬▬▬ ▬ ▬▬▬ ▬▬▬▬ ▬ ▬▬ ▬▬▬ ▬▬ ▬▬▬ ▬ ▬▬▬▬ ▬▬ ▬▬▬ ▬▬ ▬ ▬▬▬▬▬ ▬▬ ▬▬▬ ▬ ▬▬▬ ▬▬▬▬ ▬ ▬▬ ▬▬▬ ▬▬ ▬▬▬ ▬ ▬▬▬▬ ▬▬ ▬▬▬ ▬▬ ▬ ▬▬▬▬▬ ▬▬ ▬▬▬ ▬ ▬▬▬ ▬▬▬▬ ▬ ▬▬ ▬▬▬ ▬▬ ▬▬▬ ▬ ▬▬▬▬ ▬▬ ▬▬▬ ▬▬ ▬ ▬▬

FARM LABOURERS' DISPUTE.
(BY TELEGRAPH—PRESS ASSOCIATION.)

▬▬ ▬▬▬ ▬ ▬▬▬▬ ▬▬ ▬▬▬ ▬▬ ▬ ▬▬▬▬▬ ▬▬ ▬▬▬ ▬ ▬▬▬ ▬▬▬▬ ▬ ▬▬ ▬▬▬ ▬▬ ▬▬▬ ▬ ▬▬▬▬ ▬▬ ▬▬▬ ▬▬ ▬ ▬▬▬▬▬ ▬▬ ▬▬▬ ▬ ▬▬▬ ▬▬▬▬ ▬ ▬▬ ▬▬▬ ▬▬ ▬▬▬ ▬ ▬▬▬▬ ▬▬ ▬▬▬ ▬▬ ▬ ▬▬▬▬▬ ▬▬ ▬▬▬ ▬ ▬▬▬ ▬▬▬▬ ▬ ▬▬ ▬▬▬ ▬▬ ▬▬▬ ▬ ▬▬▬▬ ▬▬ ▬▬▬ ▬▬ ▬ ▬▬▬▬▬ ▬▬ ▬▬▬ ▬ ▬▬▬ ▬▬▬▬ ▬ ▬▬ ▬▬▬ ▬▬ ▬▬▬ ▬ ▬▬▬▬ ▬▬ ▬▬▬ ▬▬ ▬ ▬▬▬▬▬ ▬▬ ▬▬▬ ▬ ▬▬▬ ▬▬▬▬ ▬ ▬▬ ▬▬▬ ▬▬ ▬▬▬ ▬ ▬▬▬▬ ▬▬ ▬▬▬ ▬▬ ▬ ▬▬▬▬▬ ▬▬ ▬▬▬ ▬ ▬▬▬ ▬▬▬▬ ▬ ▬▬ ▬▬▬ ▬▬ ▬▬▬ ▬ ▬▬▬▬ ▬▬ ▬▬▬ ▬▬ ▬ ▬▬▬▬▬ ▬▬ ▬▬▬ ▬ ▬▬▬ ▬▬▬▬ ▬ ▬▬ ▬▬▬ ▬▬ ▬▬▬ ▬ ▬▬▬▬ ▬▬ ▬▬▬ ▬▬ ▬ ▬▬▬▬▬ ▬▬ ▬▬▬ ▬ ▬▬▬ ▬▬▬▬ ▬ ▬▬ ▬▬▬ ▬▬ ▬▬▬ ▬ ▬▬▬▬ ▬▬ ▬▬▬ ▬▬ ▬ ▬▬▬▬▬ ▬▬ ▬▬▬ ▬ ▬▬▬ ▬▬▬▬ ▬ ▬▬ ▬▬▬ ▬▬ ▬▬▬ ▬ ▬▬▬▬ ▬▬ ▬▬▬ ▬▬ ▬ ▬▬▬▬▬ ▬▬ ▬▬▬ ▬ ▬▬▬ ▬▬▬▬ ▬ ▬▬ ▬▬▬ ▬▬ ▬▬▬ ▬ ▬▬▬▬ ▬▬ ▬▬▬ ▬▬ ▬ ▬▬▬▬▬ ▬▬ ▬▬▬ ▬ ▬▬▬ ▬▬▬▬ ▬ ▬▬ ▬▬▬ ▬▬ ▬▬▬ ▬ ▬▬▬▬ ▬▬ ▬▬▬ ▬▬ ▬ ▬▬▬▬▬ ▬▬ ▬▬▬ ▬ ▬▬▬ ▬▬▬▬ ▬ ▬▬ ▬▬▬ ▬▬ ▬▬▬ ▬ ▬▬▬▬ ▬▬ ▬▬▬ ▬▬ ▬ ▬▬▬▬▬ ▬▬ ▬▬▬ ▬ ▬▬▬ ▬▬▬▬ ▬ ▬▬ ▬▬▬ ▬▬ ▬▬▬ ▬ ▬▬▬▬ ▬▬ ▬▬▬ ▬▬ ▬ ▬▬▬▬▬ ▬▬ ▬▬▬ ▬ ▬▬▬ ▬▬▬▬ ▬ ▬▬ ▬▬▬ ▬▬ ▬▬▬ ▬ ▬▬▬▬ ▬▬ ▬▬▬ ▬▬ ▬ ▬▬

RECOMMENDATIONS OF THE BOARD.

▬▬ ▬▬▬ ▬ ▬▬▬▬ ▬▬ ▬▬▬ ▬▬ ▬ ▬▬▬▬▬ ▬▬ ▬▬▬ ▬ ▬▬▬ ▬▬▬▬ ▬ ▬▬ ▬▬▬ ▬▬ ▬▬▬ ▬ ▬▬▬▬ ▬▬ ▬▬▬ ▬▬ ▬ ▬▬▬▬▬ ▬▬ ▬▬▬ ▬ ▬▬▬ ▬▬▬▬ ▬ ▬▬ ▬▬▬ ▬▬ ▬▬▬ ▬ ▬▬▬▬ ▬▬ ▬▬▬ ▬▬ ▬ ▬▬▬▬▬ ▬▬ ▬▬▬ ▬ ▬▬▬ ▬▬▬▬ ▬ ▬▬ ▬▬▬ ▬▬ ▬▬▬ ▬ ▬▬▬▬ ▬▬ ▬▬▬ ▬▬ ▬ ▬▬▬▬▬ ▬▬ ▬▬▬ ▬ ▬▬▬ ▬▬▬▬ ▬ ▬▬ ▬▬▬ ▬▬ ▬▬▬ ▬ ▬▬▬▬ ▬▬ ▬▬▬ ▬▬ ▬ ▬▬▬▬▬ ▬▬ ▬▬▬ ▬ ▬▬▬ ▬▬▬▬ ▬ ▬▬ ▬▬▬ ▬▬ ▬▬▬ ▬ ▬▬▬▬ ▬▬ ▬▬▬ ▬▬ ▬ ▬▬▬▬▬ ▬▬ ▬▬▬ ▬ ▬▬▬ ▬▬▬▬ ▬ ▬▬ ▬▬▬ ▬▬ ▬▬▬ ▬ ▬▬▬▬ ▬▬ ▬▬▬ ▬▬ ▬ ▬▬▬▬▬ ▬▬ ▬▬▬ ▬ ▬▬▬ ▬▬▬▬ ▬ ▬▬ ▬▬▬ ▬▬ ▬▬▬ ▬ ▬▬▬▬ ▬▬ ▬▬▬ ▬▬ ▬ ▬▬▬▬▬ ▬▬ ▬▬▬ ▬ ▬▬▬ ▬▬▬▬ ▬ ▬▬ ▬▬▬ ▬▬ ▬▬▬ ▬ ▬▬▬▬ ▬▬ ▬▬▬ ▬▬ ▬ ▬▬▬▬▬ ▬▬ ▬▬▬ ▬ ▬▬▬ ▬▬▬▬ ▬ ▬▬ ▬▬▬ ▬▬ ▬▬▬ ▬ ▬▬▬▬ ▬▬ ▬▬▬ ▬▬ ▬ ▬▬▬▬▬ ▬▬ ▬▬▬ ▬ ▬▬▬ ▬▬▬▬ ▬ ▬▬ ▬▬▬ ▬▬ ▬▬▬ ▬ ▬▬▬▬ ▬▬ ▬▬▬ ▬▬ ▬ ▬▬▬▬▬ ▬▬ ▬▬▬ ▬ ▬▬▬ ▬▬▬▬ ▬ ▬▬ ▬▬▬ ▬▬ ▬▬▬ ▬ ▬▬▬▬ ▬▬ ▬▬▬ ▬▬ ▬ ▬▬▬▬▬ ▬▬ ▬▬▬ ▬ ▬▬▬ ▬▬▬▬ ▬ ▬▬ ▬▬▬ ▬▬ ▬▬▬ ▬ ▬▬▬▬ ▬▬ ▬▬▬ ▬▬ ▬ ▬▬▬▬▬ ▬▬ ▬▬▬ ▬ ▬▬▬ ▬▬▬▬ ▬ ▬▬ ▬▬▬ ▬▬ ▬▬▬ ▬ ▬▬▬▬ ▬▬ ▬▬▬ ▬▬ ▬ ▬▬▬▬▬ ▬▬ ▬▬▬ ▬ ▬▬▬ ▬▬▬▬ ▬ ▬▬ ▬▬▬ ▬▬ ▬▬▬ ▬ ▬▬▬▬ ▬▬ ▬▬▬ ▬▬ ▬ ▬▬

PREFERENCE TO UNIONISTS.

▬▬ ▬▬▬ ▬ ▬▬▬▬ ▬▬ ▬▬▬ ▬▬ ▬ ▬▬▬▬▬ ▬▬ ▬▬▬ ▬ ▬▬▬ ▬▬▬▬ ▬ ▬▬ ▬▬▬ ▬▬ ▬▬▬ ▬ ▬▬▬▬ ▬▬ ▬▬▬ ▬▬ ▬ ▬▬▬▬▬ ▬▬ ▬▬▬ ▬ ▬▬▬ ▬▬▬▬ ▬ ▬▬ ▬▬▬ ▬▬ ▬▬▬ ▬ ▬▬▬▬ ▬▬ ▬▬▬ ▬▬ ▬ ▬▬▬▬▬ ▬▬ ▬▬▬ ▬ ▬▬▬ ▬▬▬▬ ▬ ▬▬ ▬▬▬ ▬▬ ▬▬▬ ▬ ▬▬▬▬ ▬▬ ▬▬▬ ▬▬ ▬ ▬▬▬▬▬ ▬▬ ▬▬▬ ▬ ▬▬▬ ▬▬▬▬ ▬ ▬▬ ▬▬▬ ▬▬ ▬▬▬ ▬ ▬▬▬▬ ▬▬ ▬▬▬ ▬▬ ▬ ▬▬▬▬▬ ▬▬ ▬▬▬ ▬ ▬▬▬ ▬▬▬▬ ▬ ▬▬ ▬▬▬ ▬▬ ▬▬▬ ▬ ▬▬▬▬ ▬▬ ▬▬▬ ▬▬ ▬ ▬▬▬▬▬ ▬▬ ▬▬▬ ▬ ▬▬▬ ▬▬▬▬ ▬ ▬▬ ▬▬▬ ▬▬ ▬▬▬ ▬ ▬▬▬▬ ▬▬ ▬▬▬ ▬▬ ▬ ▬▬▬▬▬ ▬▬ ▬▬▬ ▬ ▬▬▬ ▬▬▬▬ ▬ ▬▬ ▬▬▬ ▬▬ ▬▬▬ ▬ ▬▬▬▬ ▬▬ ▬▬▬ ▬▬ ▬ ▬▬▬▬▬ ▬▬ ▬▬▬ ▬ ▬▬▬ ▬▬▬▬ ▬ ▬▬ ▬▬▬ ▬▬ ▬▬▬ ▬ ▬▬▬▬ ▬▬ ▬▬▬ ▬▬ ▬ ▬▬▬▬▬ ▬▬ ▬▬▬ ▬ ▬▬▬ ▬▬▬▬ ▬ ▬▬ ▬▬▬ ▬▬ ▬▬▬ ▬ ▬▬▬▬ ▬▬ ▬▬▬ ▬▬ ▬ ▬▬▬▬▬ ▬▬ ▬▬▬ ▬ ▬▬▬ ▬▬▬▬ ▬ ▬▬ ▬▬▬ ▬▬ ▬▬▬ ▬ ▬▬▬▬ ▬▬ ▬▬▬ ▬▬ ▬ ▬▬▬▬▬ ▬▬ ▬▬▬ ▬ ▬▬▬ ▬▬▬▬ ▬ ▬▬ ▬▬▬ ▬▬ ▬▬▬ ▬ ▬▬▬▬ ▬▬ ▬▬▬ ▬▬ ▬ ▬▬▬▬▬ ▬▬ ▬▬▬ ▬ ▬▬▬ ▬▬▬▬ ▬ ▬▬ ▬▬▬ ▬▬ ▬▬▬ ▬ ▬▬▬▬ ▬▬ ▬▬▬ ▬▬ ▬ ▬▬▬▬▬ ▬▬ ▬▬▬ ▬ ▬▬▬ ▬▬▬▬ ▬ ▬▬ ▬▬▬ ▬▬ ▬▬▬ ▬ ▬▬▬▬ ▬▬ ▬▬▬ ▬▬ ▬ ▬▬▬▬▬ ▬▬ ▬▬▬ ▬ ▬▬▬ ▬▬▬▬ ▬ ▬▬ ▬▬▬ ▬▬ ▬▬▬ ▬ ▬▬▬▬ ▬▬ ▬▬▬ ▬▬ ▬ ▬▬

HOURS OF WORK.

▬▬ ▬▬▬ ▬ ▬▬▬▬ ▬▬ ▬▬▬ ▬▬ ▬ ▬▬▬▬▬ ▬▬ ▬▬▬ ▬ ▬▬▬ ▬▬▬▬ ▬ ▬▬ ▬▬▬ ▬▬ ▬▬▬ ▬ ▬▬▬▬ ▬▬ ▬▬▬ ▬▬ ▬ ▬▬▬▬▬ ▬▬ ▬▬▬ ▬ ▬▬▬ ▬▬▬▬ ▬ ▬▬ ▬▬▬ ▬▬ ▬▬▬ ▬ ▬▬▬▬ ▬▬ ▬▬▬ ▬▬ ▬ ▬▬▬▬▬ ▬▬ ▬▬▬ ▬ ▬▬▬ ▬▬▬▬ ▬ ▬▬ ▬▬▬ ▬▬ ▬▬▬ ▬ ▬▬▬▬ ▬▬ ▬▬▬ ▬▬ ▬ ▬▬▬▬▬ ▬▬ ▬▬▬ ▬ ▬▬▬ ▬▬▬▬ ▬ ▬▬ ▬▬▬ ▬▬ ▬▬▬ ▬ ▬▬▬▬ ▬▬ ▬▬▬ ▬▬ ▬ ▬▬▬▬▬ ▬▬ ▬▬▬ ▬ ▬▬▬ ▬▬▬▬ ▬ ▬▬ ▬▬▬ ▬▬ ▬▬▬ ▬ ▬▬▬▬ ▬▬ ▬▬▬ ▬▬ ▬ ▬▬▬▬▬ ▬▬ ▬▬▬ ▬ ▬▬▬ ▬▬▬▬ ▬ ▬▬ ▬▬▬ ▬▬ ▬▬▬ ▬ ▬▬▬▬ ▬▬ ▬▬▬ ▬▬ ▬ ▬▬▬▬▬ ▬▬ ▬▬▬ ▬ ▬▬▬ ▬▬▬▬ ▬ ▬▬ ▬▬▬ ▬▬ ▬▬▬ ▬ ▬▬▬▬ ▬▬ ▬▬▬ ▬▬ ▬ ▬▬▬▬▬ ▬▬ ▬▬▬ ▬ ▬▬▬ ▬▬▬▬ ▬ ▬▬ ▬▬▬ ▬▬ ▬▬▬ ▬ ▬▬▬▬ ▬▬ ▬▬▬ ▬▬ ▬ ▬▬▬▬▬ ▬▬ ▬▬▬ ▬ ▬▬▬ ▬▬▬▬ ▬ ▬▬ ▬▬▬ ▬▬ ▬▬▬ ▬ ▬▬▬▬ ▬▬ ▬▬▬ ▬▬ ▬ ▬▬▬▬▬ ▬▬ ▬▬▬ ▬ ▬▬▬ ▬▬▬▬ ▬ ▬▬ ▬▬▬ ▬▬ ▬▬▬ ▬ ▬▬▬▬ ▬▬ ▬▬▬ ▬▬ ▬ ▬▬▬▬▬ ▬▬ ▬▬▬ ▬ ▬▬▬ ▬▬▬▬ ▬ ▬▬ ▬▬▬ ▬▬ ▬▬▬ ▬ ▬▬▬▬ ▬▬ ▬▬▬ ▬▬ ▬ ▬▬▬▬▬ ▬▬ ▬▬▬ ▬ ▬▬▬ ▬▬▬▬ ▬ ▬▬ ▬▬▬ ▬▬ ▬▬▬ ▬ ▬▬▬▬ ▬▬ ▬▬▬ ▬▬ ▬ ▬▬▬▬▬ ▬▬ ▬▬▬ ▬ ▬▬▬ ▬▬▬▬ ▬ ▬▬ ▬▬▬ ▬▬ ▬▬▬ ▬ ▬▬▬▬ ▬▬ ▬▬▬ ▬▬ ▬ ▬▬▬▬▬ ▬▬ ▬▬▬ ▬ ▬▬▬ ▬▬▬▬ ▬ ▬▬ ▬▬▬ ▬▬ ▬▬▬ ▬ ▬▬▬▬ ▬▬ ▬▬▬ ▬▬ ▬ ▬▬

WAGES.

▬▬ ▬▬▬ ▬ ▬▬▬▬ ▬▬ ▬▬▬ ▬▬ ▬ ▬▬▬▬▬ ▬▬ ▬▬▬ ▬ ▬▬▬ ▬▬▬▬ ▬ ▬▬ ▬▬▬ ▬▬ ▬▬▬ ▬ ▬▬▬▬ ▬▬ ▬▬▬ ▬▬ ▬ ▬▬▬▬▬ ▬▬ ▬▬▬ ▬ ▬▬▬ ▬▬▬▬ ▬ ▬▬ ▬▬▬ ▬▬ ▬▬▬ ▬ ▬▬▬▬ ▬▬ ▬▬▬ ▬▬ ▬ ▬▬▬▬▬ ▬▬ ▬▬▬ ▬ ▬▬▬ ▬▬▬▬ ▬ ▬▬ ▬▬▬ ▬▬ ▬▬▬ ▬ ▬▬▬▬ ▬▬ ▬▬▬ ▬▬ ▬ ▬▬▬▬▬ ▬▬ ▬▬▬ ▬ ▬▬▬ ▬▬▬▬ ▬ ▬▬ ▬▬▬ ▬▬ ▬▬▬ ▬ ▬▬▬▬ ▬▬ ▬▬▬ ▬▬ ▬ ▬▬▬▬▬ ▬▬ ▬▬▬ ▬ ▬▬▬ ▬▬▬▬ ▬ ▬▬ ▬▬▬ ▬▬ ▬▬▬ ▬ ▬▬▬▬ ▬▬ ▬▬▬ ▬▬ ▬ ▬▬▬▬▬ ▬▬ ▬▬▬ ▬ ▬▬▬ ▬▬▬▬ ▬ ▬▬ ▬▬▬ ▬▬ ▬▬▬ ▬ ▬▬▬▬ ▬▬ ▬▬▬ ▬▬ ▬ ▬▬▬▬▬ ▬▬ ▬▬▬ ▬ ▬▬▬ ▬▬▬▬ ▬ ▬▬ ▬▬▬ ▬▬ ▬▬▬ ▬ ▬▬▬▬ ▬▬ ▬▬▬ ▬▬ ▬ ▬▬▬▬▬ ▬▬ ▬▬▬ ▬ ▬▬▬ ▬▬▬▬ ▬ ▬▬ ▬▬▬ ▬▬ ▬▬▬ ▬ ▬▬▬▬ ▬▬ ▬▬▬ ▬▬ ▬ ▬▬▬▬▬ ▬▬ ▬▬▬ ▬ ▬▬▬ ▬▬▬▬ ▬ ▬▬ ▬▬▬ ▬▬ ▬▬▬ ▬ ▬▬▬▬ ▬▬ ▬▬▬ ▬▬ ▬ ▬▬▬▬▬ ▬▬ ▬▬▬ ▬ ▬▬▬ ▬▬▬▬ ▬ ▬▬ ▬▬▬ ▬▬ ▬▬▬ ▬ ▬▬▬▬ ▬▬ ▬▬▬ ▬▬ ▬ ▬▬▬▬▬ ▬▬ ▬▬▬ ▬ ▬▬▬ ▬▬▬▬ ▬ ▬▬ ▬▬▬ ▬▬ ▬▬▬ ▬ ▬▬▬▬ ▬▬ ▬▬▬ ▬▬ ▬ ▬▬▬▬▬ ▬▬ ▬▬▬ ▬ ▬▬▬ ▬▬▬▬ ▬ ▬▬ ▬▬▬ ▬▬ ▬▬▬ ▬ ▬▬▬▬ ▬▬ ▬▬▬ ▬▬ ▬ ▬▬▬▬▬ ▬▬ ▬▬▬ ▬ ▬▬▬ ▬▬▬▬ ▬ ▬▬ ▬▬▬ ▬▬ ▬▬▬ ▬ ▬▬▬▬ ▬▬ ▬▬▬ ▬▬ ▬ ▬▬▬▬▬ ▬▬ ▬▬▬ ▬ ▬▬▬ ▬▬▬▬ ▬ ▬▬ ▬▬▬ ▬▬ ▬▬▬ ▬ ▬▬▬▬ ▬▬ ▬▬▬ ▬▬ ▬ ▬▬

HOLIDAYS.

▬▬ ▬▬▬ ▬ ▬▬▬▬ ▬▬ ▬▬▬ ▬▬ ▬ ▬▬▬▬▬ ▬▬ ▬▬▬ ▬ ▬▬▬ ▬▬▬▬ ▬ ▬▬ ▬▬▬ ▬▬ ▬▬▬ ▬ ▬▬▬▬ ▬▬ ▬▬▬ ▬▬ ▬ ▬▬▬▬▬ ▬▬ ▬▬▬ ▬ ▬▬▬ ▬▬▬▬ ▬ ▬▬ ▬▬▬ ▬▬ ▬▬▬ ▬ ▬▬▬▬ ▬▬ ▬▬▬ ▬▬ ▬ ▬▬▬▬▬ ▬▬ ▬▬▬ ▬ ▬▬▬ ▬▬▬▬ ▬ ▬▬ ▬▬▬ ▬▬ ▬▬▬ ▬ ▬▬▬▬ ▬▬ ▬▬▬ ▬▬ ▬ ▬▬▬▬▬ ▬▬ ▬▬▬ ▬ ▬▬▬ ▬▬▬▬ ▬ ▬▬ ▬▬▬ ▬▬ ▬▬▬ ▬ ▬▬▬▬ ▬▬ ▬▬▬ ▬▬ ▬ ▬▬▬▬▬ ▬▬ ▬▬▬ ▬ ▬▬▬ ▬▬▬▬ ▬ ▬▬ ▬▬▬ ▬▬ ▬▬▬ ▬ ▬▬▬▬ ▬▬ ▬▬▬ ▬▬ ▬ ▬▬▬▬▬ ▬▬ ▬▬▬ ▬ ▬▬▬ ▬▬▬▬ ▬ ▬▬ ▬▬▬ ▬▬ ▬▬▬ ▬ ▬▬▬▬ ▬▬ ▬▬▬ ▬▬ ▬ ▬▬▬▬▬ ▬▬ ▬▬▬ ▬ ▬▬▬ ▬▬▬▬ ▬ ▬▬ ▬▬▬ ▬▬ ▬▬▬ ▬ ▬▬▬▬ ▬▬ ▬▬▬ ▬▬ ▬ ▬▬▬▬▬ ▬▬ ▬▬▬ ▬ ▬▬▬ ▬▬▬▬ ▬ ▬▬ ▬▬▬ ▬▬ ▬▬▬ ▬ ▬▬▬▬ ▬▬ ▬▬▬ ▬▬ ▬ ▬▬▬▬▬ ▬▬ ▬▬▬ ▬ ▬▬▬ ▬▬▬▬ ▬ ▬▬ ▬▬▬ ▬▬ ▬▬▬ ▬ ▬▬▬▬ ▬▬ ▬▬▬ ▬▬ ▬ ▬▬▬▬▬ ▬▬ ▬▬▬ ▬ ▬▬▬ ▬▬▬▬ ▬ ▬▬ ▬▬▬ ▬▬ ▬▬▬ ▬ ▬▬▬▬ ▬▬ ▬▬▬ ▬▬ ▬ ▬▬▬▬▬ ▬▬ ▬▬▬ ▬ ▬▬▬ ▬▬▬▬ ▬ ▬▬ ▬▬▬ ▬▬ ▬▬▬ ▬ ▬▬▬▬ ▬▬ ▬▬▬ ▬▬ ▬ ▬▬▬▬▬ ▬▬ ▬▬▬ ▬ ▬▬▬ ▬▬▬▬ ▬ ▬▬ ▬▬▬ ▬▬ ▬▬▬ ▬ ▬▬▬▬ ▬▬ ▬▬▬ ▬▬ ▬ ▬▬▬▬▬ ▬▬ ▬▬▬ ▬ ▬▬▬ ▬▬▬▬ ▬ ▬▬ ▬▬▬ ▬▬ ▬▬▬ ▬ ▬▬▬▬ ▬▬ ▬▬▬ ▬▬ ▬ ▬▬▬▬▬ ▬▬ ▬▬▬ ▬ ▬▬▬ ▬▬▬▬ ▬ ▬▬ ▬▬▬ ▬▬ ▬▬▬ ▬ ▬▬▬▬ ▬▬ ▬▬▬ ▬▬ ▬ ▬▬

BOARD AND LODGING.

▬▬ ▬▬▬ ▬ ▬▬▬▬ ▬▬ ▬▬▬ ▬▬ ▬ ▬▬▬▬▬ ▬▬ ▬▬▬ ▬ ▬▬▬ ▬▬▬▬ ▬ ▬▬ ▬▬▬ ▬▬ ▬▬▬ ▬ ▬▬▬▬ ▬▬ ▬▬▬ ▬▬ ▬ ▬▬▬▬▬ ▬▬ ▬▬▬ ▬ ▬▬▬ ▬▬▬▬ ▬ ▬▬ ▬▬▬ ▬▬ ▬▬▬ ▬ ▬▬▬▬ ▬▬ ▬▬▬ ▬▬ ▬ ▬▬▬▬▬ ▬▬ ▬▬▬ ▬ ▬▬▬ ▬▬▬▬ ▬ ▬▬ ▬▬▬ ▬▬ ▬▬▬ ▬ ▬▬▬▬ ▬▬ ▬▬▬ ▬▬ ▬ ▬▬▬▬▬ ▬▬ ▬▬▬ ▬ ▬▬▬ ▬▬▬▬ ▬ ▬▬ ▬▬▬ ▬▬ ▬▬▬ ▬ ▬▬▬▬ ▬▬ ▬▬▬ ▬▬ ▬ ▬▬▬▬▬ ▬▬ ▬▬▬ ▬ ▬▬▬ ▬▬▬▬ ▬ ▬▬ ▬▬▬ ▬▬ ▬▬▬ ▬ ▬▬▬▬ ▬▬ ▬▬▬ ▬▬ ▬ ▬▬▬▬▬ ▬▬ ▬▬▬ ▬ ▬▬▬ ▬▬▬▬ ▬ ▬▬ ▬▬▬ ▬▬ ▬▬▬ ▬ ▬▬▬▬ ▬▬ ▬▬▬ ▬▬ ▬ ▬▬▬▬▬ ▬▬ ▬▬▬ ▬ ▬▬▬ ▬▬▬▬ ▬ ▬▬ ▬▬▬ ▬▬ ▬▬▬ ▬ ▬▬▬▬ ▬▬ ▬▬▬ ▬▬ ▬ ▬▬▬▬▬ ▬▬ ▬▬▬ ▬ ▬▬▬ ▬▬▬▬ ▬ ▬▬ ▬▬▬ ▬▬ ▬▬▬ ▬ ▬▬▬▬ ▬▬ ▬▬▬ ▬▬ ▬ ▬▬▬▬▬ ▬▬ ▬▬▬ ▬ ▬▬▬ ▬▬▬▬ ▬ ▬▬ ▬▬▬ ▬▬ ▬▬▬ ▬ ▬▬▬▬ ▬▬ ▬▬▬ ▬▬ ▬ ▬▬▬▬▬ ▬▬ ▬▬▬ ▬ ▬▬▬ ▬▬▬▬ ▬ ▬▬ ▬▬▬ ▬▬ ▬▬▬ ▬ ▬▬▬▬ ▬▬ ▬▬▬ ▬▬ ▬ ▬▬▬▬▬ ▬▬ ▬▬▬ ▬ ▬▬▬ ▬▬▬▬ ▬ ▬▬ ▬▬▬ ▬▬ ▬▬▬ ▬ ▬▬▬▬ ▬▬ ▬▬▬ ▬▬ ▬ ▬▬▬▬▬ ▬▬ ▬▬▬ ▬ ▬▬▬ ▬▬▬▬ ▬ ▬▬ ▬▬▬ ▬▬ ▬▬▬ ▬ ▬▬▬▬ ▬▬ ▬▬▬ ▬▬ ▬ ▬▬▬▬▬ ▬▬ ▬▬▬ ▬ ▬▬▬ ▬▬▬▬ ▬ ▬▬ ▬▬▬ ▬▬ ▬▬▬ ▬ ▬▬▬▬ ▬▬ ▬▬▬ ▬▬ ▬ ▬▬▬▬▬ ▬▬ ▬▬▬ ▬ ▬▬▬ ▬▬▬▬ ▬ ▬▬ ▬▬▬ ▬▬ ▬▬▬ ▬ ▬▬▬▬ ▬▬ ▬▬▬ ▬▬ ▬ ▬▬

OTHER MATTERS.

▬▬ ▬▬▬ ▬ ▬▬▬▬ ▬▬ ▬▬▬ ▬▬ ▬ ▬▬▬▬▬ ▬▬ ▬▬▬ ▬ ▬▬▬ ▬▬▬▬ ▬ ▬▬ ▬▬▬ ▬▬ ▬▬▬ ▬ ▬▬▬▬ ▬▬ ▬▬▬ ▬▬ ▬ ▬▬▬▬▬ ▬▬ ▬▬▬ ▬ ▬▬▬ ▬▬▬▬ ▬ ▬▬ ▬▬▬ ▬▬ ▬▬▬ ▬ ▬▬▬▬ ▬▬ ▬▬▬ ▬▬ ▬ ▬▬▬▬▬ ▬▬ ▬▬▬ ▬ ▬▬▬ ▬▬▬▬ ▬ ▬▬ ▬▬▬ ▬▬ ▬▬▬ ▬ ▬▬▬▬ ▬▬ ▬▬▬ ▬▬ ▬ ▬▬▬▬▬ ▬▬ ▬▬▬ ▬ ▬▬▬ ▬▬▬▬ ▬ ▬▬ ▬▬▬ ▬▬ ▬▬▬ ▬ ▬▬▬▬ ▬▬ ▬▬▬ ▬▬ ▬ ▬▬▬▬▬ ▬▬ ▬▬▬ ▬ ▬▬▬ ▬▬▬▬ ▬ ▬▬ ▬▬▬ ▬▬ ▬▬▬ ▬ ▬▬▬▬ ▬▬ ▬▬▬ ▬▬ ▬ ▬▬▬▬▬ ▬▬ ▬▬▬ ▬ ▬▬▬ ▬▬▬▬ ▬ ▬▬ ▬▬▬ ▬▬ ▬▬▬ ▬ ▬▬▬▬ ▬▬ ▬▬▬ ▬▬ ▬ ▬▬▬▬▬ ▬▬ ▬▬▬ ▬ ▬▬▬ ▬▬▬▬ ▬ ▬▬ ▬▬▬ ▬▬ ▬▬▬ ▬ ▬▬▬▬ ▬▬ ▬▬▬ ▬▬ ▬ ▬▬▬▬▬ ▬▬ ▬▬▬ ▬ ▬▬▬ ▬▬▬▬ ▬ ▬▬ ▬▬▬ ▬▬ ▬▬▬ ▬ ▬▬▬▬ ▬▬ ▬▬▬ ▬▬ ▬ ▬▬▬▬▬ ▬▬ ▬▬▬ ▬ ▬▬▬ ▬▬▬▬ ▬ ▬▬ ▬▬▬ ▬▬ ▬▬▬ ▬ ▬▬▬▬ ▬▬ ▬▬▬ ▬▬ ▬ ▬▬▬▬▬ ▬▬ ▬▬▬ ▬ ▬▬▬ ▬▬▬▬ ▬ ▬▬ ▬▬▬ ▬▬ ▬▬▬ ▬ ▬▬▬▬ ▬▬ ▬▬▬ ▬▬ ▬ ▬▬▬▬▬ ▬▬ ▬▬▬ ▬ ▬▬▬ ▬▬▬▬ ▬ ▬▬ ▬▬▬ ▬▬ ▬▬▬ ▬ ▬▬▬▬ ▬▬ ▬▬▬ ▬▬ ▬ ▬▬▬▬▬ ▬▬ ▬▬▬ ▬ ▬▬▬ ▬▬▬▬ ▬ ▬▬ ▬▬▬ ▬▬ ▬▬▬ ▬ ▬▬▬▬ ▬▬ ▬▬▬ ▬▬ ▬ ▬▬▬▬▬ ▬▬ ▬▬▬ ▬ ▬▬▬ ▬▬▬▬ ▬ ▬▬ ▬▬▬ ▬▬ ▬▬▬ ▬ ▬▬▬▬ ▬▬ ▬▬▬ ▬▬ ▬ ▬▬▬▬▬ ▬▬ ▬▬▬ ▬ ▬▬▬ ▬▬▬▬ ▬ ▬▬ ▬▬▬ ▬▬ ▬▬▬ ▬ ▬▬▬▬ ▬▬ ▬▬▬ ▬▬ ▬ ▬▬

THE RECENT BLACKBALL STRIKE.
(BY TELEGRAPH—PRESS ASSOCIATION.)

▬▬ ▬▬▬ ▬ ▬▬▬▬ ▬▬ ▬▬▬ ▬▬ ▬ ▬▬▬▬▬ ▬▬ ▬▬▬ ▬ ▬▬▬ ▬▬▬▬ ▬ ▬▬ ▬▬▬ ▬▬ ▬▬▬ ▬ ▬▬▬▬ ▬▬ ▬▬▬ ▬▬ ▬ ▬▬▬▬▬ ▬▬ ▬▬▬ ▬ ▬▬▬ ▬▬▬▬ ▬ ▬▬ ▬▬▬ ▬▬ ▬▬▬ ▬ ▬▬▬▬ ▬▬ ▬▬▬ ▬▬ ▬ ▬▬▬▬▬ ▬▬ ▬▬▬ ▬ ▬▬▬ ▬▬▬▬ ▬ ▬▬ ▬▬▬ ▬▬ ▬▬▬ ▬ ▬▬▬▬ ▬▬ ▬▬▬ ▬▬ ▬ ▬▬▬▬▬ ▬▬ ▬▬▬ ▬ ▬▬▬ ▬▬▬▬ ▬ ▬▬ ▬▬▬ ▬▬ ▬▬▬ ▬ ▬▬▬▬ ▬▬ ▬▬▬ ▬▬ ▬ ▬▬▬▬▬ ▬▬ ▬▬▬ ▬ ▬▬▬ ▬▬▬▬ ▬ ▬▬ ▬▬▬ ▬▬ ▬▬▬ ▬ ▬▬▬▬ ▬▬ ▬▬▬ ▬▬ ▬ ▬▬▬▬▬ ▬▬ ▬▬▬ ▬ ▬▬▬ ▬▬▬▬ ▬ ▬▬ ▬▬▬ ▬▬ ▬▬▬ ▬ ▬▬▬▬ ▬▬ ▬▬▬ ▬▬ ▬ ▬▬▬▬▬ ▬▬ ▬▬▬ ▬ ▬▬▬ ▬▬▬▬ ▬ ▬▬ ▬▬▬ ▬▬ ▬▬▬ ▬ ▬▬▬▬ ▬▬ ▬▬▬ ▬▬ ▬ ▬▬▬▬▬ ▬▬ ▬▬▬ ▬ ▬▬▬ ▬▬▬▬ ▬ ▬▬ ▬▬▬ ▬▬ ▬▬▬ ▬ ▬▬▬▬ ▬▬ ▬▬▬ ▬▬ ▬ ▬▬▬▬▬ ▬▬ ▬▬▬ ▬ ▬▬▬ ▬▬▬▬ ▬ ▬▬ ▬▬▬ ▬▬ ▬▬▬ ▬ ▬▬▬▬ ▬▬ ▬▬▬ ▬▬ ▬ ▬▬▬▬▬ ▬▬ ▬▬▬ ▬ ▬▬▬ ▬▬▬▬ ▬ ▬▬ ▬▬▬ ▬▬ ▬▬▬ ▬ ▬▬▬▬ ▬▬ ▬▬▬ ▬▬ ▬ ▬▬▬▬▬ ▬▬ ▬▬▬ ▬ ▬▬▬ ▬▬▬▬ ▬ ▬▬ ▬▬▬ ▬▬ ▬▬▬ ▬ ▬▬▬▬ ▬▬ ▬▬▬ ▬▬ ▬ ▬▬▬▬▬ ▬▬ ▬▬▬ ▬ ▬▬▬ ▬▬▬▬ ▬ ▬▬ ▬▬▬ ▬▬ ▬▬▬ ▬ ▬▬▬▬ ▬▬ ▬▬▬ ▬▬ ▬ ▬▬▬▬▬ ▬▬ ▬▬▬ ▬ ▬▬▬ ▬▬▬▬ ▬ ▬▬ ▬▬▬ ▬▬ ▬▬▬ ▬ ▬▬▬▬ ▬▬ ▬▬▬ ▬▬ ▬ ▬▬▬▬▬ ▬▬ ▬▬▬ ▬ ▬▬▬ ▬▬▬▬ ▬ ▬▬ ▬▬▬ ▬▬ ▬▬▬ ▬ ▬▬▬▬ ▬▬ ▬▬▬ ▬▬ ▬ ▬▬

A QUESTION OF JURISDICTION.

▬▬ ▬▬▬ ▬ ▬▬▬▬ ▬▬ ▬▬▬ ▬▬ ▬ ▬▬▬▬▬ ▬▬ ▬▬▬ ▬ ▬▬▬ ▬▬▬▬ ▬ ▬▬ ▬▬▬ ▬▬ ▬▬▬ ▬ ▬▬▬▬ ▬▬ ▬▬▬ ▬▬ ▬ ▬▬▬▬▬ ▬▬ ▬▬▬ ▬ ▬▬▬ ▬▬▬▬ ▬ ▬▬ ▬▬▬ ▬▬ ▬▬▬ ▬ ▬▬▬▬ ▬▬ ▬▬▬ ▬▬ ▬ ▬▬▬▬▬ ▬▬ ▬▬▬ ▬ ▬▬▬ ▬▬▬▬ ▬ ▬▬ ▬▬▬ ▬▬ ▬▬▬ ▬ ▬▬▬▬ ▬▬ ▬▬▬ ▬▬ ▬ ▬▬▬▬▬ ▬▬ ▬▬▬ ▬ ▬▬▬ ▬▬▬▬ ▬ ▬▬ ▬▬▬ ▬▬ ▬▬▬ ▬ ▬▬▬▬ ▬▬ ▬▬▬ ▬▬ ▬ ▬▬▬▬▬ ▬▬ ▬▬▬ ▬ ▬▬▬ ▬▬▬▬ ▬ ▬▬ ▬▬▬ ▬▬ ▬▬▬ ▬ ▬▬▬▬ ▬▬ ▬▬▬ ▬▬ ▬ ▬▬▬▬▬ ▬▬ ▬▬▬ ▬ ▬▬▬ ▬▬▬▬ ▬ ▬▬ ▬▬▬ ▬▬ ▬▬▬ ▬ ▬▬▬▬ ▬▬ ▬▬▬ ▬▬ ▬ ▬▬▬▬▬ ▬▬ ▬▬▬ ▬ ▬▬▬ ▬▬▬▬ ▬ ▬▬ ▬▬▬ ▬▬ ▬▬▬ ▬ ▬▬▬▬ ▬▬ ▬▬▬ ▬▬ ▬ ▬▬▬▬▬ ▬▬ ▬▬▬ ▬ ▬▬▬ ▬▬▬▬ ▬ ▬▬ ▬▬▬ ▬▬ ▬▬▬ ▬ ▬▬▬▬ ▬▬ ▬▬▬ ▬▬ ▬ ▬▬▬▬▬ ▬▬ ▬▬▬ ▬ ▬▬▬ ▬▬▬▬ ▬ ▬▬ ▬▬▬ ▬▬ ▬▬▬ ▬ ▬▬▬▬ ▬▬ ▬▬▬ ▬▬ ▬ ▬▬▬▬▬ ▬▬ ▬▬▬ ▬ ▬▬▬ ▬▬▬▬ ▬ ▬▬ ▬▬▬ ▬▬ ▬▬▬ ▬ ▬▬▬▬ ▬▬ ▬▬▬ ▬▬ ▬ ▬▬▬▬▬ ▬▬ ▬▬▬ ▬ ▬▬▬ ▬▬▬▬ ▬ ▬▬ ▬▬▬ ▬▬ ▬▬▬ ▬ ▬▬▬▬ ▬▬ ▬▬▬ ▬▬ ▬ ▬▬▬▬▬ ▬▬ ▬▬▬ ▬ ▬▬▬ ▬▬▬▬ ▬ ▬▬ ▬▬▬ ▬▬ ▬▬▬ ▬ ▬▬▬▬ ▬▬ ▬▬▬ ▬▬ ▬ ▬▬▬▬▬ ▬▬ ▬▬▬ ▬ ▬▬▬ ▬▬▬▬ ▬ ▬▬ ▬▬▬ ▬▬ ▬▬▬ ▬ ▬▬▬▬ ▬▬ ▬▬▬ ▬▬ ▬ ▬▬▬▬▬ ▬▬ ▬▬▬ ▬ ▬▬▬ ▬▬▬▬ ▬ ▬▬ ▬▬▬ ▬▬ ▬▬▬ ▬ ▬▬▬▬ ▬▬ ▬▬▬ ▬▬ ▬ ▬▬

THE DAIRY COMMISSIONER
(BY TELEGRAPH—PRESS ASSOCIATION.)

▬▬ ▬▬▬ ▬ ▬▬▬▬ ▬▬ ▬▬▬ ▬▬ ▬ ▬▬▬▬▬ ▬▬ ▬▬▬ ▬ ▬▬▬ ▬▬▬▬ ▬ ▬▬ ▬▬▬ ▬▬ ▬▬▬ ▬ ▬▬▬▬ ▬▬ ▬▬▬ ▬▬ ▬ ▬▬▬▬▬ ▬▬ ▬▬▬ ▬ ▬▬▬ ▬▬▬▬ ▬ ▬▬ ▬▬▬ ▬▬ ▬▬▬ ▬ ▬▬▬▬ ▬▬ ▬▬▬ ▬▬ ▬ ▬▬▬▬▬ ▬▬ ▬▬▬ ▬ ▬▬▬ ▬▬▬▬ ▬ ▬▬ ▬▬▬ ▬▬ ▬▬▬ ▬ ▬▬▬▬ ▬▬ ▬▬▬ ▬▬ ▬ ▬▬▬▬▬ ▬▬ ▬▬▬ ▬ ▬▬▬ ▬▬▬▬ ▬ ▬▬ ▬▬▬ ▬▬ ▬▬▬ ▬ ▬▬▬▬ ▬▬ ▬▬▬ ▬▬ ▬ ▬▬▬▬▬ ▬▬ ▬▬▬ ▬ ▬▬▬ ▬▬▬▬ ▬ ▬▬ ▬▬▬ ▬▬ ▬▬▬ ▬ ▬▬▬▬ ▬▬ ▬▬▬ ▬▬ ▬ ▬▬▬▬▬ ▬▬ ▬▬▬ ▬ ▬▬▬ ▬▬▬▬ ▬ ▬▬ ▬▬▬ ▬▬ ▬▬▬ ▬ ▬▬▬▬ ▬▬ ▬▬▬ ▬▬ ▬ ▬▬▬▬▬ ▬▬ ▬▬▬ ▬ ▬▬▬ ▬▬▬▬ ▬ ▬▬ ▬▬▬ ▬▬ ▬▬▬ ▬ ▬▬▬▬ ▬▬ ▬▬▬ ▬▬ ▬ ▬▬▬▬▬ ▬▬ ▬▬▬ ▬ ▬▬▬ ▬▬▬▬ ▬ ▬▬ ▬▬▬ ▬▬ ▬▬▬ ▬ ▬▬▬▬ ▬▬ ▬▬▬ ▬▬ ▬ ▬▬▬▬▬ ▬▬ ▬▬▬ ▬ ▬▬▬ ▬▬▬▬ ▬ ▬▬ ▬▬▬ ▬▬ ▬▬▬ ▬ ▬▬▬▬ ▬▬ ▬▬▬ ▬▬ ▬ ▬▬▬▬▬ ▬▬ ▬▬▬ ▬ ▬▬▬ ▬▬▬▬ ▬ ▬▬ ▬▬▬ ▬▬ ▬▬▬ ▬ ▬▬▬▬ ▬▬ ▬▬▬ ▬▬ ▬ ▬▬▬▬▬ ▬▬ ▬▬▬ ▬ ▬▬▬ ▬▬▬▬ ▬ ▬▬ ▬▬▬ ▬▬ ▬▬▬ ▬ ▬▬▬▬ ▬▬ ▬▬▬ ▬▬ ▬ ▬▬▬▬▬ ▬▬ ▬▬▬ ▬ ▬▬▬ ▬▬▬▬ ▬ ▬▬ ▬▬▬ ▬▬ ▬▬▬ ▬ ▬▬▬▬ ▬▬ ▬▬▬ ▬▬ ▬ ▬▬▬▬▬ ▬▬ ▬▬▬ ▬ ▬▬▬ ▬▬▬▬ ▬ ▬▬ ▬▬▬ ▬▬ ▬▬▬ ▬ ▬▬▬▬ ▬▬ ▬▬▬ ▬▬ ▬ ▬▬▬▬▬ ▬▬ ▬▬▬ ▬ ▬▬▬ ▬▬▬▬ ▬ ▬▬ ▬▬▬ ▬▬ ▬▬▬ ▬ ▬▬▬▬ ▬▬ ▬▬▬ ▬▬ ▬ ▬▬▬▬▬ ▬▬ ▬▬▬ ▬ ▬▬▬ ▬▬▬▬ ▬ ▬▬ ▬▬▬ ▬▬ ▬▬▬ ▬ ▬▬▬▬ ▬▬ ▬▬▬ ▬▬ ▬ ▬▬▬▬▬ ▬▬ ▬▬▬ ▬ ▬▬▬ ▬▬▬▬ ▬ ▬▬ ▬▬▬ ▬▬ ▬▬▬ ▬ ▬▬▬▬ ▬▬ ▬▬▬ ▬▬ ▬ ▬▬▬▬▬

MR. CUDDIE RETURNS.

▬▬ ▬▬▬ ▬ ▬▬▬▬ ▬▬ ▬▬▬ ▬▬ ▬ ▬▬▬▬▬ ▬▬ ▬▬▬ ▬ ▬▬▬ ▬▬▬▬ ▬ ▬▬ ▬▬▬ ▬▬ ▬▬▬ ▬ ▬▬▬▬ ▬▬ ▬▬▬ ▬▬ ▬ ▬▬▬▬▬ ▬▬ ▬▬▬ ▬ ▬▬▬ ▬▬▬▬ ▬ ▬▬ ▬▬▬ ▬▬ ▬▬▬ ▬ ▬▬▬▬ ▬▬ ▬▬▬ ▬▬ ▬ ▬▬▬▬▬ ▬▬ ▬▬▬ ▬ ▬▬▬ ▬▬▬▬ ▬ ▬▬ ▬▬▬ ▬▬ ▬▬▬ ▬ ▬▬▬▬ ▬▬ ▬▬▬ ▬▬ ▬ ▬▬▬▬▬ ▬▬ ▬▬▬ ▬ ▬▬▬ ▬▬▬▬ ▬ ▬▬ ▬▬▬ ▬▬ ▬▬▬ ▬ ▬▬▬▬ ▬▬ ▬▬▬ ▬▬ ▬ ▬▬▬▬▬ ▬▬ ▬▬▬ ▬ ▬▬▬ ▬▬▬▬ ▬ ▬▬ ▬▬▬ ▬▬ ▬▬▬ ▬ ▬▬▬▬ ▬▬ ▬▬▬ ▬▬ ▬ ▬▬▬▬▬ ▬▬ ▬▬▬ ▬ ▬▬▬ ▬▬▬▬ ▬ ▬▬ ▬▬▬ ▬▬ ▬▬▬ ▬ ▬▬▬▬ ▬▬ ▬▬▬ ▬▬ ▬ ▬▬▬▬▬ ▬▬ ▬▬▬ ▬ ▬▬▬ ▬▬▬▬ ▬ ▬▬ ▬▬▬ ▬▬ ▬▬▬ ▬ ▬▬▬▬ ▬▬ ▬▬▬ ▬▬ ▬ ▬▬▬▬▬ ▬▬ ▬▬▬ ▬ ▬▬▬ ▬▬▬▬ ▬ ▬▬ ▬▬▬ ▬▬ ▬▬▬ ▬ ▬▬▬▬ ▬▬ ▬▬▬ ▬▬ ▬ ▬▬▬▬▬ ▬▬ ▬▬▬ ▬ ▬▬▬ ▬▬▬▬ ▬ ▬▬ ▬▬▬ ▬▬ ▬▬▬ ▬ ▬▬▬▬ ▬▬ ▬▬▬ ▬▬ ▬ ▬▬▬▬▬ ▬▬ ▬▬▬ ▬ ▬▬▬ ▬▬▬▬ ▬ ▬▬ ▬▬▬ ▬▬ ▬▬▬ ▬ ▬▬▬▬ ▬▬ ▬▬▬ ▬▬ ▬ ▬▬▬▬▬ ▬▬ ▬▬▬ ▬ ▬▬▬ ▬▬▬▬ ▬ ▬▬ ▬▬▬ ▬▬ ▬▬▬ ▬ ▬▬▬▬ ▬▬ ▬▬▬ ▬▬ ▬ ▬▬▬▬▬ ▬▬ ▬▬▬ ▬ ▬▬▬ ▬▬▬▬ ▬ ▬▬ ▬▬▬ ▬▬ ▬▬▬ ▬ ▬▬▬▬ ▬▬ ▬▬▬ ▬▬ ▬ ▬▬▬▬▬ ▬▬ ▬▬▬ ▬ ▬▬▬ ▬▬▬▬ ▬ ▬▬ ▬▬▬ ▬▬ ▬▬▬ ▬ ▬▬▬▬ ▬▬ ▬▬▬ ▬▬ ▬ ▬▬▬▬▬ ▬▬ ▬▬▬ ▬ ▬▬▬ ▬▬▬▬ ▬ ▬▬ ▬▬▬ ▬▬ ▬▬▬ ▬ ▬▬▬▬ ▬▬ ▬▬▬ ▬▬ ▬ ▬▬▬▬▬ ▬▬ ▬▬▬ ▬ ▬▬▬ ▬▬▬▬ ▬ ▬▬ ▬▬▬ ▬▬ ▬▬▬ ▬ ▬▬▬▬ ▬▬ ▬▬▬ ▬▬ ▬ ▬▬▬▬▬ ▬▬ ▬▬▬ ▬ ▬▬▬ ▬▬▬▬ ▬ ▬▬ ▬▬▬ ▬▬ ▬▬▬ ▬ ▬▬▬▬ ▬▬ ▬▬▬ ▬▬ ▬ ▬▬▬▬▬

HIS EXPERIENCES IN THE OLD COUNTRY.

▬▬ ▬▬▬ ▬ ▬▬▬▬ ▬▬ ▬▬▬ ▬▬ ▬ ▬▬▬▬▬ ▬▬ ▬▬▬ ▬ ▬▬▬ ▬▬▬▬ ▬ ▬▬ ▬▬▬ ▬▬ ▬▬▬ ▬ ▬▬▬▬ ▬▬ ▬▬▬ ▬▬ ▬ ▬▬▬▬▬ ▬▬ ▬▬▬ ▬ ▬▬▬ ▬▬▬▬ ▬ ▬▬ ▬▬▬ ▬▬ ▬▬▬ ▬ ▬▬▬▬ ▬▬ ▬▬▬ ▬▬ ▬ ▬▬▬▬▬ ▬▬ ▬▬▬ ▬ ▬▬▬ ▬▬▬▬ ▬ ▬▬ ▬▬▬ ▬▬ ▬▬▬ ▬ ▬▬▬▬ ▬▬ ▬▬▬ ▬▬ ▬ ▬▬▬▬▬ ▬▬ ▬▬▬ ▬ ▬▬▬ ▬▬▬▬ ▬ ▬▬ ▬▬▬ ▬▬ ▬▬▬ ▬ ▬▬▬▬ ▬▬ ▬▬▬ ▬▬ ▬ ▬▬▬▬▬ ▬▬ ▬▬▬ ▬ ▬▬▬ ▬▬▬▬ ▬ ▬▬ ▬▬▬ ▬▬ ▬▬▬ ▬ ▬▬▬▬ ▬▬ ▬▬▬ ▬▬ ▬ ▬▬▬▬▬ ▬▬ ▬▬▬ ▬ ▬▬▬ ▬▬▬▬ ▬ ▬▬ ▬▬▬ ▬▬ ▬▬▬ ▬ ▬▬▬▬ ▬▬ ▬▬▬ ▬▬ ▬ ▬▬▬▬▬ ▬▬ ▬▬▬ ▬ ▬▬▬ ▬▬▬▬ ▬ ▬▬ ▬▬▬ ▬▬ ▬▬▬ ▬ ▬▬▬▬ ▬▬ ▬▬▬ ▬▬ ▬ ▬▬▬▬▬ ▬▬ ▬▬▬ ▬ ▬▬▬ ▬▬▬▬ ▬ ▬▬ ▬▬▬ ▬▬ ▬▬▬ ▬ ▬▬▬▬ ▬▬ ▬▬▬ ▬▬ ▬ ▬▬▬▬▬ ▬▬ ▬▬▬ ▬ ▬▬▬ ▬▬▬▬ ▬ ▬▬ ▬▬▬ ▬▬ ▬▬▬ ▬ ▬▬▬▬ ▬▬ ▬▬▬ ▬▬ ▬ ▬▬▬▬▬ ▬▬ ▬▬▬ ▬ ▬▬▬ ▬▬▬▬ ▬ ▬▬ ▬▬▬ ▬▬ ▬▬▬ ▬ ▬▬▬▬ ▬▬ ▬▬▬ ▬▬ ▬ ▬▬▬▬▬ ▬▬ ▬▬▬ ▬ ▬▬▬ ▬▬▬▬ ▬ ▬▬ ▬▬▬ ▬▬ ▬▬▬ ▬ ▬▬▬▬ ▬▬ ▬▬▬ ▬▬ ▬ ▬▬▬▬▬ ▬▬ ▬▬▬ ▬ ▬▬▬ ▬▬▬▬ ▬ ▬▬ ▬▬▬ ▬▬ ▬▬▬ ▬ ▬▬▬▬ ▬▬ ▬▬▬ ▬▬ ▬ ▬▬▬▬▬ ▬▬ ▬▬▬ ▬ ▬▬▬ ▬▬▬▬ ▬ ▬▬ ▬▬▬ ▬▬ ▬▬▬ ▬ ▬▬▬▬ ▬▬ ▬▬▬ ▬▬ ▬ ▬▬▬▬▬ ▬▬ ▬▬▬ ▬ ▬▬▬ ▬▬▬▬ ▬ ▬▬ ▬▬▬ ▬▬ ▬▬▬ ▬ ▬▬▬▬ ▬▬ ▬▬▬ ▬▬ ▬ ▬▬▬▬▬ ▬▬ ▬▬▬ ▬ ▬▬▬ ▬▬▬▬ ▬ ▬▬ ▬▬▬ ▬▬ ▬▬▬ ▬ ▬▬▬▬ ▬▬ ▬▬▬ ▬▬ ▬ ▬▬▬▬▬ ▬▬ ▬▬▬ ▬ ▬▬▬ ▬▬▬▬ ▬ ▬▬ ▬▬▬ ▬▬ ▬▬▬ ▬ ▬▬▬▬ ▬▬ ▬▬▬ ▬▬ ▬ ▬▬▬▬▬

OUTSIDE TREATMENT.

▬▬ ▬▬▬ ▬ ▬▬▬▬ ▬▬ ▬▬▬ ▬▬ ▬ ▬▬▬▬▬ ▬▬ ▬▬▬ ▬ ▬▬▬ ▬▬▬▬ ▬ ▬▬ ▬▬▬ ▬▬ ▬▬▬ ▬ ▬▬▬▬ ▬▬ ▬▬▬ ▬▬ ▬ ▬▬▬▬▬ ▬▬ ▬▬▬ ▬ ▬▬▬ ▬▬▬▬ ▬ ▬▬ ▬▬▬ ▬▬ ▬▬▬ ▬ ▬▬▬▬ ▬▬ ▬▬▬ ▬▬ ▬ ▬▬▬▬▬ ▬▬ ▬▬▬ ▬ ▬▬▬ ▬▬▬▬ ▬ ▬▬ ▬▬▬ ▬▬ ▬▬▬ ▬ ▬▬▬▬ ▬▬ ▬▬▬ ▬▬ ▬ ▬▬▬▬▬ ▬▬ ▬▬▬ ▬ ▬▬▬ ▬▬▬▬ ▬ ▬▬ ▬▬▬ ▬▬ ▬▬▬ ▬ ▬▬▬▬ ▬▬ ▬▬▬ ▬▬ ▬ ▬▬▬▬▬ ▬▬ ▬▬▬ ▬ ▬▬▬ ▬▬▬▬ ▬ ▬▬ ▬▬▬ ▬▬ ▬▬▬ ▬ ▬▬▬▬ ▬▬ ▬▬▬ ▬▬ ▬ ▬▬▬▬▬ ▬▬ ▬▬▬ ▬ ▬▬▬ ▬▬▬▬ ▬ ▬▬ ▬▬▬ ▬▬ ▬▬▬ ▬ ▬▬▬▬ ▬▬ ▬▬▬ ▬▬ ▬ ▬▬▬▬▬ ▬▬ ▬▬▬ ▬ ▬▬▬ ▬▬▬▬ ▬ ▬▬ ▬▬▬ ▬▬ ▬▬▬ ▬ ▬▬▬▬ ▬▬ ▬▬▬ ▬▬ ▬ ▬▬▬▬▬ ▬▬ ▬▬▬ ▬ ▬▬▬ ▬▬▬▬ ▬ ▬▬ ▬▬▬ ▬▬ ▬▬▬ ▬ ▬▬▬▬ ▬▬ ▬▬▬ ▬▬ ▬ ▬▬▬▬▬ ▬▬ ▬▬▬ ▬ ▬▬▬ ▬▬▬▬ ▬ ▬▬ ▬▬▬ ▬▬ ▬▬▬ ▬ ▬▬▬▬ ▬▬ ▬▬▬ ▬▬ ▬ ▬▬▬▬▬ ▬▬ ▬▬▬ ▬ ▬▬▬ ▬▬▬▬ ▬ ▬▬ ▬▬▬ ▬▬ ▬▬▬ ▬ ▬▬▬▬ ▬▬ ▬▬▬ ▬▬ ▬ ▬▬▬▬▬ ▬▬ ▬▬▬ ▬ ▬▬▬ ▬▬▬▬ ▬ ▬▬ ▬▬▬ ▬▬ ▬▬▬ ▬ ▬▬▬▬ ▬▬ ▬▬▬ ▬▬ ▬ ▬▬▬▬▬ ▬▬ ▬▬▬ ▬ ▬▬▬ ▬▬▬▬ ▬ ▬▬ ▬▬▬ ▬▬ ▬▬▬ ▬ ▬▬▬▬ ▬▬ ▬▬▬ ▬▬ ▬ ▬▬▬▬▬ ▬▬ ▬▬▬ ▬ ▬▬▬ ▬▬▬▬ ▬ ▬▬ ▬▬▬ ▬▬ ▬▬▬ ▬ ▬▬▬▬ ▬▬ ▬▬▬ ▬▬ ▬ ▬▬▬▬▬ ▬▬ ▬▬▬ ▬ ▬▬▬ ▬▬▬▬ ▬ ▬▬ ▬▬▬ ▬▬ ▬▬▬ ▬ ▬▬▬▬ ▬▬ ▬▬▬ ▬▬ ▬ ▬▬▬▬▬ ▬▬ ▬▬▬ ▬ ▬▬▬ ▬▬▬▬ ▬ ▬▬ ▬▬▬ ▬▬ ▬▬▬ ▬ ▬▬▬▬ ▬▬ ▬▬▬ ▬▬ ▬ ▬▬▬▬▬ ▬▬ ▬▬▬ ▬ ▬▬▬ ▬▬▬▬ ▬ ▬▬ ▬▬▬ ▬▬ ▬▬▬ ▬ ▬▬▬▬ ▬▬ ▬▬▬ ▬▬ ▬ ▬▬▬▬▬

SEQUEL TO A STRIKE.
(BY TELEGRAPH—PRESS ASSOCIATION.)

▬▬ ▬▬▬ ▬ ▬▬▬▬ ▬▬ ▬▬▬ ▬▬ ▬ ▬▬▬▬▬ ▬▬ ▬▬▬ ▬ ▬▬▬ ▬▬▬▬ ▬ ▬▬ ▬▬▬ ▬▬ ▬▬▬ ▬ ▬▬▬▬ ▬▬ ▬▬▬ ▬▬ ▬ ▬▬▬▬▬ ▬▬ ▬▬▬ ▬ ▬▬▬ ▬▬▬▬ ▬ ▬▬ ▬▬▬ ▬▬ ▬▬▬ ▬ ▬▬▬▬ ▬▬ ▬▬▬ ▬▬ ▬ ▬▬▬▬▬ ▬▬ ▬▬▬ ▬ ▬▬▬ ▬▬▬▬ ▬ ▬▬ ▬▬▬ ▬▬ ▬▬▬ ▬ ▬▬▬▬ ▬▬ ▬▬▬ ▬▬ ▬ ▬▬▬▬▬ ▬▬ ▬▬▬ ▬ ▬▬▬ ▬▬▬▬ ▬ ▬▬ ▬▬▬ ▬▬ ▬▬▬ ▬ ▬▬▬▬ ▬▬ ▬▬▬ ▬▬ ▬ ▬▬▬▬▬ ▬▬ ▬▬▬ ▬ ▬▬▬ ▬▬▬▬ ▬ ▬▬ ▬▬▬ ▬▬ ▬▬▬ ▬ ▬▬▬▬ ▬▬ ▬▬▬ ▬▬ ▬ ▬▬▬▬▬ ▬▬ ▬▬▬ ▬ ▬▬▬ ▬▬▬▬ ▬ ▬▬ ▬▬▬ ▬▬ ▬▬▬ ▬ ▬▬▬▬ ▬▬ ▬▬▬ ▬▬ ▬ ▬▬▬▬▬ ▬▬ ▬▬▬ ▬ ▬▬▬ ▬▬▬▬ ▬ ▬▬ ▬▬▬ ▬▬ ▬▬▬ ▬ ▬▬▬▬ ▬▬ ▬▬▬ ▬▬ ▬ ▬▬▬▬▬ ▬▬ ▬▬▬ ▬ ▬▬▬ ▬▬▬▬ ▬ ▬▬ ▬▬▬ ▬▬ ▬▬▬ ▬ ▬▬▬▬ ▬▬ ▬▬▬ ▬▬ ▬ ▬▬▬▬▬ ▬▬ ▬▬▬ ▬ ▬▬▬ ▬▬▬▬ ▬ ▬▬ ▬▬▬ ▬▬ ▬▬▬ ▬ ▬▬▬▬ ▬▬ ▬▬▬ ▬▬ ▬ ▬▬▬▬▬ ▬▬ ▬▬▬ ▬ ▬▬▬ ▬▬▬▬ ▬ ▬▬ ▬▬▬ ▬▬ ▬▬▬ ▬ ▬▬▬▬ ▬▬ ▬▬▬ ▬▬ ▬ ▬▬▬▬▬ ▬▬ ▬▬▬ ▬ ▬▬▬ ▬▬▬▬ ▬ ▬▬ ▬▬▬ ▬▬ ▬▬▬ ▬ ▬▬▬▬ ▬▬ ▬▬▬ ▬▬ ▬ ▬▬▬▬▬ ▬▬ ▬▬▬ ▬ ▬▬▬ ▬▬▬▬ ▬ ▬▬ ▬▬▬ ▬▬ ▬▬▬ ▬ ▬▬▬▬ ▬▬ ▬▬▬ ▬▬ ▬ ▬▬▬▬▬ ▬▬ ▬▬▬ ▬ ▬▬▬ ▬▬▬▬ ▬ ▬▬ ▬▬▬ ▬▬ ▬▬▬ ▬ ▬▬▬▬ ▬▬ ▬▬▬ ▬▬ ▬ ▬▬▬▬▬ ▬▬ ▬▬▬ ▬ ▬▬▬ ▬▬▬▬ ▬ ▬▬ ▬▬▬ ▬▬ ▬▬▬ ▬ ▬▬▬▬ ▬▬ ▬▬▬ ▬▬ ▬ ▬▬▬▬▬ ▬▬ ▬▬▬ ▬ ▬▬▬ ▬▬▬▬ ▬ ▬▬ ▬▬▬ ▬▬ ▬▬▬ ▬ ▬▬▬▬ ▬▬ ▬▬▬ ▬▬ ▬ ▬▬▬▬▬ ▬▬ ▬▬▬ ▬ ▬▬▬ ▬▬▬▬ ▬ ▬▬ ▬▬▬ ▬▬ ▬▬▬ ▬ ▬▬▬▬ ▬▬ ▬▬▬ ▬▬ ▬ ▬▬▬▬▬

ATTACHING WAGES TO PAY FINES.

▬▬ ▬▬▬ ▬ ▬▬▬▬ ▬▬ ▬▬▬ ▬▬ ▬ ▬▬▬▬▬ ▬▬ ▬▬▬ ▬ ▬▬▬ ▬▬▬▬ ▬ ▬▬ ▬▬▬ ▬▬ ▬▬▬ ▬ ▬▬▬▬ ▬▬ ▬▬▬ ▬▬ ▬ ▬▬▬▬▬ ▬▬ ▬▬▬ ▬ ▬▬▬ ▬▬▬▬ ▬ ▬▬ ▬▬▬ ▬▬ ▬▬▬ ▬ ▬▬▬▬ ▬▬ ▬▬▬ ▬▬ ▬ ▬▬▬▬▬ ▬▬ ▬▬▬ ▬ ▬▬▬ ▬▬▬▬ ▬ ▬▬ ▬▬▬ ▬▬ ▬▬▬ ▬ ▬▬▬▬ ▬▬ ▬▬▬ ▬▬ ▬ ▬▬▬▬▬ ▬▬ ▬▬▬ ▬ ▬▬▬ ▬▬▬▬ ▬ ▬▬ ▬▬▬ ▬▬ ▬▬▬ ▬ ▬▬▬▬ ▬▬ ▬▬▬ ▬▬ ▬ ▬▬▬▬▬ ▬▬ ▬▬▬ ▬ ▬▬▬ ▬▬▬▬ ▬ ▬▬ ▬▬▬ ▬▬ ▬▬▬ ▬ ▬▬▬▬ ▬▬ ▬▬▬ ▬▬ ▬ ▬▬▬▬▬ ▬▬ ▬▬▬ ▬ ▬▬▬ ▬▬▬▬ ▬ ▬▬ ▬▬▬ ▬▬ ▬▬▬ ▬ ▬▬▬▬ ▬▬ ▬▬▬ ▬▬ ▬ ▬▬▬▬▬ ▬▬ ▬▬▬ ▬ ▬▬▬ ▬▬▬▬ ▬ ▬▬ ▬▬▬ ▬▬ ▬▬▬ ▬ ▬▬▬▬ ▬▬ ▬▬▬ ▬▬ ▬ ▬▬▬▬▬ ▬▬ ▬▬▬ ▬ ▬▬▬ ▬▬▬▬ ▬ ▬▬ ▬▬▬ ▬▬ ▬▬▬ ▬ ▬▬▬▬ ▬▬ ▬▬▬ ▬▬ ▬ ▬▬▬▬▬ ▬▬ ▬▬▬ ▬ ▬▬▬ ▬▬▬▬ ▬ ▬▬ ▬▬▬ ▬▬ ▬▬▬ ▬ ▬▬▬▬ ▬▬ ▬▬▬ ▬▬ ▬ ▬▬▬▬▬ ▬▬ ▬▬▬ ▬ ▬▬▬ ▬▬▬▬ ▬ ▬▬ ▬▬▬ ▬▬ ▬▬▬ ▬ ▬▬▬▬ ▬▬ ▬▬▬ ▬▬ ▬ ▬▬▬▬▬ ▬▬ ▬▬▬ ▬ ▬▬▬ ▬▬▬▬ ▬ ▬▬ ▬▬▬ ▬▬ ▬▬▬ ▬ ▬▬▬▬ ▬▬ ▬▬▬ ▬▬ ▬ ▬▬▬▬▬ ▬▬ ▬▬▬ ▬ ▬▬▬ ▬▬▬▬ ▬ ▬▬ ▬▬▬ ▬▬ ▬▬▬ ▬ ▬▬▬▬ ▬▬ ▬▬▬ ▬▬ ▬ ▬▬▬▬▬ ▬▬ ▬▬▬ ▬ ▬▬▬ ▬▬▬▬ ▬ ▬▬ ▬▬▬ ▬▬ ▬▬▬ ▬ ▬▬▬▬ ▬▬ ▬▬▬ ▬▬ ▬ ▬▬▬▬▬ ▬▬ ▬▬▬ ▬ ▬▬▬ ▬▬▬▬ ▬ ▬▬ ▬▬▬ ▬▬ ▬▬▬ ▬ ▬▬▬▬ ▬▬ ▬▬▬ ▬▬ ▬ ▬▬▬▬▬ ▬▬ ▬▬▬ ▬ ▬▬▬ ▬▬▬▬ ▬ ▬▬ ▬▬▬ ▬▬ ▬▬▬ ▬ ▬▬▬▬ ▬▬ ▬▬▬ ▬▬ ▬ ▬▬▬▬▬ ▬▬ ▬▬▬ ▬ ▬▬▬ ▬▬▬▬ ▬ ▬▬ ▬▬▬ ▬▬ ▬▬▬ ▬ ▬▬▬▬ ▬▬ ▬▬▬ ▬▬ ▬ ▬▬▬▬▬

SHAKESPEARE AND MODERN LIFE
(BY TELEGRAPH—PRESS ASSOCIATION.)

▬▬ ▬▬▬ ▬ ▬▬▬▬ ▬▬ ▬▬▬ ▬▬ ▬ ▬▬▬▬▬ ▬▬ ▬▬▬ ▬ ▬▬▬ ▬▬▬▬ ▬ ▬▬ ▬▬▬ ▬▬ ▬▬▬ ▬ ▬▬▬▬ ▬▬ ▬▬▬ ▬▬ ▬ ▬▬▬▬▬ ▬▬ ▬▬▬ ▬ ▬▬▬ ▬▬▬▬ ▬ ▬▬ ▬▬▬ ▬▬ ▬▬▬ ▬ ▬▬▬▬ ▬▬ ▬▬▬ ▬▬ ▬ ▬▬▬▬▬ ▬▬ ▬▬▬ ▬ ▬▬▬ ▬▬▬▬ ▬ ▬▬ ▬▬▬ ▬▬ ▬▬▬ ▬ ▬▬▬▬ ▬▬ ▬▬▬ ▬▬ ▬ ▬▬▬▬▬ ▬▬ ▬▬▬ ▬ ▬▬▬ ▬▬▬▬ ▬ ▬▬ ▬▬▬ ▬▬ ▬▬▬ ▬ ▬▬▬▬ ▬▬ ▬▬▬ ▬▬ ▬ ▬▬▬▬▬ ▬▬ ▬▬▬ ▬ ▬▬▬ ▬▬▬▬ ▬ ▬▬ ▬▬▬ ▬▬ ▬▬▬ ▬ ▬▬▬▬ ▬▬ ▬▬▬ ▬▬ ▬ ▬▬▬▬▬ ▬▬ ▬▬▬ ▬ ▬▬▬ ▬▬▬▬ ▬ ▬▬ ▬▬▬ ▬▬ ▬▬▬ ▬ ▬▬▬▬ ▬▬ ▬▬▬ ▬▬ ▬ ▬▬▬▬▬ ▬▬ ▬▬▬ ▬ ▬▬▬ ▬▬▬▬ ▬ ▬▬ ▬▬▬ ▬▬ ▬▬▬ ▬ ▬▬▬▬ ▬▬ ▬▬▬ ▬▬ ▬ ▬▬▬▬▬ ▬▬ ▬▬▬ ▬ ▬▬▬ ▬▬▬▬ ▬ ▬▬ ▬▬▬ ▬▬ ▬▬▬ ▬ ▬▬▬▬ ▬▬ ▬▬▬ ▬▬ ▬ ▬▬▬▬▬ ▬▬ ▬▬▬ ▬ ▬▬▬ ▬▬▬▬ ▬ ▬▬ ▬▬▬ ▬▬ ▬▬▬ ▬ ▬▬▬▬ ▬▬ ▬▬▬ ▬▬ ▬ ▬▬▬▬▬ ▬▬ ▬▬▬ ▬ ▬▬▬ ▬▬▬▬ ▬ ▬▬ ▬▬▬ ▬▬ ▬▬▬ ▬ ▬▬▬▬ ▬▬ ▬▬▬ ▬▬ ▬ ▬▬▬▬▬ ▬▬ ▬▬▬ ▬ ▬▬▬ ▬▬▬▬ ▬ ▬▬ ▬▬▬ ▬▬ ▬▬▬ ▬ ▬▬▬▬ ▬▬ ▬▬▬ ▬▬ ▬ ▬▬▬▬▬ ▬▬ ▬▬▬ ▬ ▬▬▬ ▬▬▬▬ ▬ ▬▬ ▬▬▬ ▬▬ ▬▬▬ ▬ ▬▬▬▬ ▬▬ ▬▬▬ ▬▬ ▬ ▬▬▬▬▬ ▬▬ ▬▬▬ ▬ ▬▬▬ ▬▬▬▬ ▬ ▬▬ ▬▬▬ ▬▬ ▬▬▬ ▬ ▬▬▬▬ ▬▬ ▬▬▬ ▬▬ ▬ ▬▬▬▬▬ ▬▬ ▬▬▬ ▬ ▬▬▬ ▬▬▬▬ ▬ ▬▬ ▬▬▬ ▬▬ ▬▬▬ ▬ ▬▬▬▬ ▬▬ ▬▬▬ ▬▬ ▬ ▬▬▬▬▬ ▬▬ ▬▬▬ ▬ ▬▬▬ ▬▬▬▬ ▬ ▬▬ ▬▬▬ ▬▬ ▬▬▬ ▬ ▬▬▬▬ ▬▬ ▬▬▬ ▬▬ ▬ ▬▬▬▬▬ ▬▬ ▬▬▬ ▬ ▬▬▬ ▬▬▬▬ ▬ ▬▬ ▬▬▬ ▬▬ ▬▬▬ ▬ ▬▬▬▬ ▬▬ ▬▬▬ ▬▬ ▬ ▬▬▬▬▬

AN INTERESTING LECTURE.

▬▬ ▬▬▬ ▬ ▬▬▬▬ ▬▬ ▬▬▬ ▬▬ ▬ ▬▬▬▬▬ ▬▬ ▬▬▬ ▬ ▬▬▬ ▬▬▬▬ ▬ ▬▬ ▬▬▬ ▬▬ ▬▬▬ ▬ ▬▬▬▬ ▬▬ ▬▬▬ ▬▬ ▬ ▬▬▬▬▬ ▬▬ ▬▬▬ ▬ ▬▬▬ ▬▬▬▬ ▬ ▬▬ ▬▬▬ ▬▬ ▬▬▬ ▬ ▬▬▬▬ ▬▬ ▬▬▬ ▬▬ ▬ ▬▬▬▬▬ ▬▬ ▬▬▬ ▬ ▬▬▬ ▬▬▬▬ ▬ ▬▬ ▬▬▬ ▬▬ ▬▬▬ ▬ ▬▬▬▬ ▬▬ ▬▬▬ ▬▬ ▬ ▬▬▬▬▬ ▬▬ ▬▬▬ ▬ ▬▬▬ ▬▬▬▬ ▬ ▬▬ ▬▬▬ ▬▬ ▬▬▬ ▬ ▬▬▬▬ ▬▬ ▬▬▬ ▬▬ ▬ ▬▬▬▬▬ ▬▬ ▬▬▬ ▬ ▬▬▬ ▬▬▬▬ ▬ ▬▬ ▬▬▬ ▬▬ ▬▬▬ ▬ ▬▬▬▬ ▬▬ ▬▬▬ ▬▬ ▬ ▬▬▬▬▬ ▬▬ ▬▬▬ ▬ ▬▬▬ ▬▬▬▬ ▬ ▬▬ ▬▬▬ ▬▬ ▬▬▬ ▬ ▬▬▬▬ ▬▬ ▬▬▬ ▬▬ ▬ ▬▬▬▬▬ ▬▬ ▬▬▬ ▬ ▬▬▬ ▬▬▬▬ ▬ ▬▬ ▬▬▬ ▬▬ ▬▬▬ ▬ ▬▬▬▬ ▬▬ ▬▬▬ ▬▬ ▬ ▬▬▬▬▬ ▬▬ ▬▬▬ ▬ ▬▬▬ ▬▬▬▬ ▬ ▬▬ ▬▬▬ ▬▬ ▬▬▬ ▬ ▬▬▬▬ ▬▬ ▬▬▬ ▬▬ ▬ ▬▬▬▬▬ ▬▬ ▬▬▬ ▬ ▬▬▬ ▬▬▬▬ ▬ ▬▬ ▬▬▬ ▬▬ ▬▬▬ ▬ ▬▬▬▬ ▬▬ ▬▬▬ ▬▬ ▬ ▬▬▬▬▬ ▬▬ ▬▬▬ ▬ ▬▬▬ ▬▬▬▬ ▬ ▬▬ ▬▬▬ ▬▬ ▬▬▬ ▬ ▬▬▬▬ ▬▬ ▬▬▬ ▬▬ ▬ ▬▬▬▬▬ ▬▬ ▬▬▬ ▬ ▬▬▬ ▬▬▬▬ ▬ ▬▬ ▬▬▬ ▬▬ ▬▬▬ ▬ ▬▬▬▬ ▬▬ ▬▬▬ ▬▬ ▬ ▬▬▬▬▬ ▬▬ ▬▬▬ ▬ ▬▬▬ ▬▬▬▬ ▬ ▬▬ ▬▬▬ ▬▬ ▬▬▬ ▬ ▬▬▬▬ ▬▬ ▬▬▬ ▬▬ ▬ ▬▬▬▬▬ ▬▬ ▬▬▬ ▬ ▬▬▬ ▬▬▬▬ ▬ ▬▬ ▬▬▬ ▬▬ ▬▬▬ ▬ ▬▬▬▬ ▬▬ ▬▬▬ ▬▬ ▬ ▬▬▬▬▬ ▬▬ ▬▬▬ ▬ ▬▬▬ ▬▬▬▬ ▬ ▬▬ ▬▬▬ ▬▬ ▬▬▬ ▬ ▬▬▬▬ ▬▬ ▬▬▬ ▬▬ ▬ ▬▬▬▬▬ ▬▬ ▬▬▬ ▬ ▬▬▬ ▬▬▬▬ ▬ ▬▬ ▬▬▬ ▬▬ ▬▬▬ ▬ ▬▬▬▬ ▬▬ ▬▬▬ ▬▬ ▬ ▬▬▬▬▬ ▬▬ ▬▬▬ ▬ ▬▬▬ ▬▬▬▬ ▬ ▬▬ ▬▬▬ ▬▬ ▬▬▬ ▬ ▬▬▬▬ ▬▬ ▬▬▬ ▬▬ ▬ ▬▬▬▬▬

POULTRY, PIGEON, AND CANARY SHOW.
(BY TELEGRAPH—PRESS ASSOCIATION.)

▬▬ ▬▬▬ ▬ ▬▬▬▬ ▬▬ ▬▬▬ ▬▬ ▬ ▬▬▬▬▬ ▬▬ ▬▬▬ ▬ ▬▬▬ ▬▬▬▬ ▬ ▬▬ ▬▬▬ ▬▬ ▬▬▬ ▬ ▬▬▬▬ ▬▬ ▬▬▬ ▬▬ ▬ ▬▬▬▬▬ ▬▬ ▬▬▬ ▬ ▬▬▬ ▬▬▬▬ ▬ ▬▬ ▬▬▬ ▬▬ ▬▬▬ ▬ ▬▬▬▬ ▬▬ ▬▬▬ ▬▬ ▬ ▬▬▬▬▬ ▬▬ ▬▬▬ ▬ ▬▬▬ ▬▬▬▬ ▬ ▬▬ ▬▬▬ ▬▬ ▬▬▬ ▬ ▬▬▬▬ ▬▬ ▬▬▬ ▬▬ ▬ ▬▬▬▬▬ ▬▬ ▬▬▬ ▬ ▬▬▬ ▬▬▬▬ ▬ ▬▬ ▬▬▬ ▬▬ ▬▬▬ ▬ ▬▬▬▬ ▬▬ ▬▬▬ ▬▬ ▬ ▬▬▬▬▬ ▬▬ ▬▬▬ ▬ ▬▬▬ ▬▬▬▬ ▬ ▬▬ ▬▬▬ ▬▬ ▬▬▬ ▬ ▬▬▬▬ ▬▬ ▬▬▬ ▬▬ ▬ ▬▬▬▬▬ ▬▬ ▬▬▬ ▬ ▬▬▬ ▬▬▬▬ ▬ ▬▬ ▬▬▬ ▬▬ ▬▬▬ ▬ ▬▬▬▬ ▬▬ ▬▬▬ ▬▬ ▬ ▬▬▬▬▬ ▬▬ ▬▬▬ ▬ ▬▬▬ ▬▬▬▬ ▬ ▬▬ ▬▬▬ ▬▬ ▬▬▬ ▬ ▬▬▬▬ ▬▬ ▬▬▬ ▬▬ ▬ ▬▬▬▬▬ ▬▬ ▬▬▬ ▬ ▬▬▬ ▬▬▬▬ ▬ ▬▬ ▬▬▬ ▬▬ ▬▬▬ ▬ ▬▬▬▬ ▬▬ ▬▬▬ ▬▬ ▬ ▬▬▬▬▬ ▬▬ ▬▬▬ ▬ ▬▬▬ ▬▬▬▬ ▬ ▬▬ ▬▬▬ ▬▬ ▬▬▬ ▬ ▬▬▬▬ ▬▬ ▬▬▬ ▬▬ ▬ ▬▬▬▬▬ ▬▬ ▬▬▬ ▬ ▬▬▬ ▬▬▬▬ ▬ ▬▬ ▬▬▬ ▬▬ ▬▬▬ ▬ ▬▬▬▬ ▬▬ ▬▬▬ ▬▬ ▬ ▬▬▬▬▬ ▬▬ ▬▬▬ ▬ ▬▬▬ ▬▬▬▬ ▬ ▬▬ ▬▬▬ ▬▬ ▬▬▬ ▬ ▬▬▬▬ ▬▬ ▬▬▬ ▬▬ ▬ ▬▬▬▬▬ ▬▬ ▬▬▬ ▬ ▬▬▬ ▬▬▬▬ ▬ ▬▬ ▬▬▬ ▬▬ ▬▬▬ ▬ ▬▬▬▬ ▬▬ ▬▬▬ ▬▬ ▬ ▬▬▬▬▬ ▬▬ ▬▬▬ ▬ ▬▬▬ ▬▬▬▬ ▬ ▬▬ ▬▬▬ ▬▬ ▬▬▬ ▬ ▬▬▬▬ ▬▬ ▬▬▬ ▬▬ ▬ ▬▬▬▬▬ ▬▬ ▬▬▬ ▬ ▬▬▬ ▬▬▬▬ ▬ ▬▬ ▬▬▬ ▬▬ ▬▬▬ ▬ ▬▬▬▬ ▬▬ ▬▬▬ ▬▬ ▬ ▬▬▬▬▬ ▬▬ ▬▬▬ ▬ ▬▬▬ ▬▬▬▬ ▬ ▬▬ ▬▬▬ ▬▬ ▬▬▬ ▬ ▬▬▬▬ ▬▬ ▬▬▬ ▬▬ ▬ ▬▬▬▬▬ ▬▬ ▬▬▬ ▬ ▬▬▬ ▬▬▬▬ ▬ ▬▬ ▬▬▬ ▬▬ ▬▬▬ ▬ ▬▬▬▬ ▬▬ ▬▬▬ ▬▬ ▬ ▬▬▬▬▬

NEW ZEALANDERS ABROAD
(BY TELEGRAPH—PRESS ASSOCIATION.)

▬▬ ▬▬▬ ▬ ▬▬▬▬ ▬▬ ▬▬▬ ▬▬ ▬ ▬▬▬▬▬ ▬▬ ▬▬▬ ▬ ▬▬▬ ▬▬▬▬ ▬ ▬▬ ▬▬▬ ▬▬ ▬▬▬ ▬ ▬▬▬▬ ▬▬ ▬▬▬ ▬▬ ▬ ▬▬▬▬▬ ▬▬ ▬▬▬ ▬ ▬▬▬ ▬▬▬▬ ▬ ▬▬ ▬▬▬ ▬▬ ▬▬▬ ▬ ▬▬▬▬ ▬▬ ▬▬▬ ▬▬ ▬ ▬▬▬▬▬ ▬▬ ▬▬▬ ▬ ▬▬▬ ▬▬▬▬ ▬ ▬▬ ▬▬▬ ▬▬ ▬▬▬ ▬ ▬▬▬▬ ▬▬ ▬▬▬ ▬▬ ▬ ▬▬▬▬▬ ▬▬ ▬▬▬ ▬ ▬▬▬ ▬▬▬▬ ▬ ▬▬ ▬▬▬ ▬▬ ▬▬▬ ▬ ▬▬▬▬ ▬▬ ▬▬▬ ▬▬ ▬ ▬▬▬▬▬ ▬▬ ▬▬▬ ▬ ▬▬▬ ▬▬▬▬ ▬ ▬▬ ▬▬▬ ▬▬ ▬▬▬ ▬ ▬▬▬▬ ▬▬ ▬▬▬ ▬▬ ▬ ▬▬▬▬▬ ▬▬ ▬▬▬ ▬ ▬▬▬ ▬▬▬▬ ▬ ▬▬ ▬▬▬ ▬▬ ▬▬▬ ▬ ▬▬▬▬ ▬▬ ▬▬▬ ▬▬ ▬ ▬▬▬▬▬ ▬▬ ▬▬▬ ▬ ▬▬▬ ▬▬▬▬ ▬ ▬▬ ▬▬▬ ▬▬ ▬▬▬ ▬ ▬▬▬▬ ▬▬ ▬▬▬ ▬▬ ▬ ▬▬▬▬▬ ▬▬ ▬▬▬ ▬ ▬▬▬ ▬▬▬▬ ▬ ▬▬ ▬▬▬ ▬▬ ▬▬▬ ▬ ▬▬▬▬ ▬▬ ▬▬▬ ▬▬ ▬ ▬▬▬▬▬ ▬▬ ▬▬▬ ▬ ▬▬▬ ▬▬▬▬ ▬ ▬▬ ▬▬▬ ▬▬ ▬▬▬ ▬ ▬▬▬▬ ▬▬ ▬▬▬ ▬▬ ▬ ▬▬▬▬▬ ▬▬ ▬▬▬ ▬ ▬▬▬ ▬▬▬▬ ▬ ▬▬ ▬▬▬ ▬▬ ▬▬▬ ▬ ▬▬▬▬ ▬▬ ▬▬▬ ▬▬ ▬ ▬▬▬▬▬ ▬▬ ▬▬▬ ▬ ▬▬▬ ▬▬▬▬ ▬ ▬▬ ▬▬▬ ▬▬ ▬▬▬ ▬ ▬▬▬▬ ▬▬ ▬▬▬ ▬▬ ▬ ▬▬▬▬▬ ▬▬ ▬▬▬ ▬ ▬▬▬ ▬▬▬▬ ▬ ▬▬ ▬▬▬ ▬▬ ▬▬▬ ▬ ▬▬▬▬ ▬▬ ▬▬▬ ▬▬ ▬ ▬▬▬▬▬ ▬▬ ▬▬▬ ▬ ▬▬▬ ▬▬▬▬ ▬ ▬▬ ▬▬▬ ▬▬ ▬▬▬ ▬ ▬▬▬▬ ▬▬ ▬▬▬ ▬▬ ▬ ▬▬▬▬▬ ▬▬ ▬▬▬ ▬ ▬▬▬ ▬▬▬▬ ▬ ▬▬ ▬▬▬ ▬▬ ▬▬▬ ▬ ▬▬▬▬ ▬▬ ▬▬▬ ▬▬ ▬ ▬▬▬▬▬ ▬▬ ▬▬▬ ▬ ▬▬▬ ▬▬▬▬ ▬ ▬▬ ▬▬▬ ▬▬ ▬▬▬ ▬ ▬▬▬▬ ▬▬ ▬▬▬ ▬▬ ▬ ▬▬▬▬▬ ▬▬ ▬▬▬ ▬ ▬▬▬ ▬▬▬▬ ▬ ▬▬ ▬▬▬ ▬▬ ▬▬▬ ▬ ▬▬▬▬ ▬▬ ▬▬▬ ▬▬ ▬ ▬▬▬▬▬ ▬▬ ▬▬▬ ▬ ▬▬▬ ▬▬▬▬ ▬ ▬▬ ▬▬▬ ▬▬ ▬▬▬ ▬ ▬▬▬▬ ▬▬ ▬▬▬ ▬▬ ▬ ▬▬▬▬▬ ▬▬ ▬▬▬ ▬ ▬▬▬ ▬▬▬▬ ▬ ▬▬ ▬▬▬ ▬▬ ▬▬▬ ▬ ▬▬▬▬ ▬▬ ▬▬▬ ▬▬ ▬ ▬▬▬▬▬ ▬▬ ▬▬▬ ▬ ▬▬▬ ▬▬▬▬ ▬ ▬▬ ▬▬▬ ▬▬ ▬▬▬ ▬ ▬▬▬▬ ▬▬ ▬▬▬ ▬▬ ▬ ▬▬▬▬▬ ▬▬ ▬▬▬ ▬ ▬▬▬ ▬▬▬▬ ▬ ▬▬ ▬▬▬ ▬▬ ▬▬▬ ▬ ▬▬▬▬ ▬▬ ▬▬▬ ▬▬ ▬ ▬▬▬▬▬ ▬▬ ▬▬▬ ▬ ▬▬▬ ▬▬▬▬ ▬ ▬▬ ▬▬▬ ▬▬ ▬▬▬ ▬ ▬▬▬▬ ▬▬ ▬▬▬ ▬▬ ▬ ▬▬▬▬▬ ▬▬ ▬▬▬ ▬ ▬▬▬ ▬▬▬▬ ▬ ▬▬ ▬▬▬ ▬▬ ▬▬▬ ▬ ▬▬▬▬ ▬▬ ▬▬▬ ▬▬ ▬ ▬▬▬▬▬ ▬▬ ▬▬▬ ▬ ▬▬▬ ▬▬▬▬ ▬ ▬▬ ▬▬▬ ▬▬ ▬▬▬ ▬ ▬▬▬▬ ▬▬ ▬▬▬ ▬▬ ▬ ▬▬▬▬▬ ▬▬ ▬▬▬ ▬ ▬▬▬ ▬▬▬▬ ▬ ▬▬ ▬▬▬ ▬▬ ▬▬▬ ▬ ▬▬▬▬ ▬▬ ▬▬▬ ▬▬ ▬ ▬▬▬▬▬ ▬▬ ▬▬▬ ▬ ▬▬▬ ▬▬▬▬ ▬ ▬▬ ▬▬▬ ▬▬ ▬▬▬ ▬ ▬▬▬▬ ▬▬ ▬▬▬ ▬▬ ▬ ▬▬▬▬▬ ▬▬ ▬▬▬ ▬ ▬▬▬ ▬▬▬▬ ▬ ▬▬ ▬▬▬ ▬▬ ▬▬▬ ▬ ▬▬▬▬ ▬▬ ▬▬▬ ▬▬ ▬ ▬▬▬▬▬ ▬▬ ▬▬▬ ▬ ▬▬▬ ▬▬▬▬ ▬ ▬▬ ▬▬▬ ▬▬ ▬▬▬ ▬ ▬▬▬▬ ▬▬ ▬▬▬ ▬▬ ▬ ▬▬▬▬▬ ▬▬ ▬▬▬ ▬ ▬▬▬ ▬▬▬▬ ▬ ▬▬ ▬▬▬ ▬▬ ▬▬▬ ▬ ▬▬▬▬ ▬▬ ▬▬▬ ▬▬ ▬ ▬▬▬▬▬ ▬▬ ▬▬▬ ▬ ▬▬▬ ▬▬▬▬ ▬ ▬▬ ▬▬▬ ▬▬ ▬▬▬ ▬ ▬▬▬▬ ▬▬ ▬▬▬ ▬▬ ▬ ▬▬▬▬▬ ▬▬ ▬▬▬ ▬ ▬▬▬ ▬▬▬▬ ▬ ▬▬ ▬▬▬ ▬▬ ▬▬▬ ▬ ▬▬▬▬ ▬▬ ▬▬▬ ▬▬ ▬ ▬▬▬▬▬ ▬▬ ▬▬▬ ▬ ▬▬▬ ▬▬▬▬ ▬ ▬▬ ▬▬▬ ▬▬ ▬▬▬ ▬ ▬▬▬▬ ▬▬ ▬▬▬ ▬▬ ▬ ▬▬▬▬▬ ▬▬ ▬▬▬ ▬ ▬▬▬ ▬▬▬▬ ▬ ▬▬ ▬▬▬ ▬▬ ▬▬▬ ▬ ▬▬▬▬ ▬▬ ▬▬▬ ▬▬ ▬ ▬▬▬▬▬ ▬▬ ▬▬▬ ▬ ▬▬▬ ▬▬▬▬ ▬ ▬▬ ▬▬▬ ▬▬ ▬▬▬ ▬ ▬▬▬▬ ▬▬ ▬▬▬ ▬▬ ▬ ▬▬▬▬▬ ▬▬ ▬▬▬ ▬ ▬▬▬ ▬▬▬▬ ▬ ▬▬ ▬▬▬ ▬▬ ▬▬▬ ▬ ▬▬▬▬ ▬▬ ▬▬▬ ▬▬ ▬ ▬▬▬▬▬ ▬▬ ▬▬▬ ▬ ▬▬▬ ▬▬▬▬ ▬ ▬▬ ▬▬▬ ▬▬ ▬▬▬ ▬ ▬▬▬▬ ▬▬ ▬▬▬ ▬▬ ▬ ▬▬▬▬▬ ▬▬ ▬▬▬ ▬ ▬▬▬ ▬▬▬▬ ▬ ▬▬ ▬▬▬ ▬▬ ▬▬▬ ▬ ▬▬▬▬ ▬▬ ▬▬▬ ▬▬ ▬ ▬▬▬▬▬ ▬▬ ▬▬▬ ▬ ▬▬▬ ▬▬▬▬ ▬ ▬▬ ▬▬▬ ▬▬ ▬▬▬ ▬ ▬▬▬▬ ▬▬ ▬▬▬ ▬▬ ▬ ▬▬▬▬▬ ▬▬ ▬▬▬ ▬ ▬▬▬ ▬▬▬▬ ▬ ▬▬ ▬▬▬ ▬▬ ▬▬▬ ▬ ▬▬▬▬ ▬▬ ▬▬▬ ▬▬ ▬ ▬▬▬▬▬ ▬▬ ▬▬▬ ▬ ▬▬▬ ▬▬▬▬ ▬ ▬▬ ▬▬▬ ▬▬ ▬▬▬ ▬ ▬▬▬▬ ▬▬ ▬▬▬ ▬▬ ▬ ▬▬▬▬▬ ▬▬ ▬▬▬ ▬ ▬▬▬ ▬▬▬▬ ▬ ▬▬ ▬▬▬

PERSONAL NOTES FROM LONDON.

▬▬ ▬▬▬ ▬ ▬▬▬▬ ▬▬ ▬▬▬ ▬▬ ▬ ▬▬▬▬▬ ▬▬ ▬▬▬ ▬ ▬▬▬ ▬▬▬▬ ▬ ▬▬ ▬▬▬ ▬▬ ▬▬▬ ▬ ▬▬▬▬ ▬▬ ▬▬▬ ▬▬ ▬ ▬▬▬▬▬ ▬▬ ▬▬▬ ▬ ▬▬▬ ▬▬▬▬ ▬ ▬▬ ▬▬▬ ▬▬ ▬▬▬ ▬ ▬▬▬▬ ▬▬ ▬▬▬ ▬▬ ▬ ▬▬▬▬▬ ▬▬ ▬▬▬ ▬ ▬▬▬ ▬▬▬▬ ▬ ▬▬ ▬▬▬ ▬▬ ▬▬▬ ▬ ▬▬▬▬ ▬▬ ▬▬▬ ▬▬ ▬ ▬▬▬▬▬ ▬▬ ▬▬▬ ▬ ▬▬▬ ▬▬▬▬ ▬ ▬▬ ▬▬▬ ▬▬ ▬▬▬ ▬ ▬▬▬▬ ▬▬ ▬▬▬ ▬▬ ▬ ▬▬▬▬▬ ▬▬ ▬▬▬ ▬ ▬▬▬ ▬▬▬▬ ▬ ▬▬ ▬▬▬ ▬▬ ▬▬▬ ▬ ▬▬▬▬ ▬▬ ▬▬▬ ▬▬ ▬ ▬▬▬▬▬ ▬▬ ▬▬▬ ▬ ▬▬▬ ▬▬▬▬ ▬ ▬▬ ▬▬▬ ▬▬ ▬▬▬ ▬ ▬▬▬▬ ▬▬ ▬▬▬ ▬▬ ▬ ▬▬▬▬▬ ▬▬ ▬▬▬ ▬ ▬▬▬ ▬▬▬▬ ▬ ▬▬ ▬▬▬ ▬▬ ▬▬▬ ▬ ▬▬▬▬ ▬▬ ▬▬▬ ▬▬ ▬ ▬▬▬▬▬ ▬▬ ▬▬▬ ▬ ▬▬▬ ▬▬▬▬ ▬ ▬▬ ▬▬▬ ▬▬ ▬▬▬ ▬ ▬▬▬▬ ▬▬ ▬▬▬ ▬▬ ▬ ▬▬▬▬▬ ▬▬ ▬▬▬ ▬ ▬▬▬ ▬▬▬▬ ▬ ▬▬ ▬▬▬ ▬▬ ▬▬▬ ▬ ▬▬▬▬ ▬▬ ▬▬▬ ▬▬ ▬ ▬▬▬▬▬ ▬▬ ▬▬▬ ▬ ▬▬▬ ▬▬▬▬ ▬ ▬▬ ▬▬▬ ▬▬ ▬▬▬ ▬ ▬▬▬▬ ▬▬ ▬▬▬ ▬▬ ▬ ▬▬▬▬▬ ▬▬ ▬▬▬ ▬ ▬▬▬ ▬▬▬▬ ▬ ▬▬ ▬▬▬ ▬▬ ▬▬▬ ▬ ▬▬▬▬ ▬▬ ▬▬▬ ▬▬ ▬ ▬▬▬▬▬ ▬▬ ▬▬▬ ▬ ▬▬▬ ▬▬▬▬ ▬ ▬▬ ▬▬▬ ▬▬ ▬▬▬ ▬ ▬▬▬▬ ▬▬ ▬▬▬ ▬▬ ▬ ▬▬▬▬▬ ▬▬ ▬▬▬ ▬ ▬▬▬ ▬▬▬▬ ▬ ▬▬ ▬▬▬ ▬▬ ▬▬▬ ▬ ▬▬▬▬ ▬▬ ▬▬▬ ▬▬ ▬ ▬▬▬▬▬ ▬▬ ▬▬▬ ▬ ▬▬▬ ▬▬▬▬ ▬ ▬▬ ▬▬▬ ▬▬ ▬▬▬ ▬ ▬▬▬▬ ▬▬ ▬▬▬ ▬▬ ▬ ▬▬▬▬▬ ▬▬ ▬▬▬ ▬ ▬▬▬ ▬▬▬▬ ▬ ▬▬ ▬▬▬ ▬▬ ▬▬▬ ▬ ▬▬▬▬ ▬▬ ▬▬▬ ▬▬ ▬ ▬▬▬▬▬ ▬▬ ▬▬▬ ▬ ▬▬▬ ▬▬▬▬ ▬ ▬▬ ▬▬▬ ▬▬ ▬▬▬ ▬ ▬▬▬▬ ▬▬ ▬▬▬ ▬▬ ▬ ▬▬▬▬▬ ▬▬ ▬▬▬ ▬ ▬▬▬ ▬▬▬▬ ▬ ▬▬ ▬▬▬ ▬▬ ▬▬▬ ▬ ▬▬▬▬ ▬▬ ▬▬▬ ▬▬ ▬ ▬▬▬▬▬ ▬▬ ▬▬▬ ▬ ▬▬▬ ▬▬▬▬ ▬ ▬▬ ▬▬▬ ▬▬ ▬▬▬ ▬ ▬▬▬▬ ▬▬ ▬▬▬ ▬▬ ▬ ▬▬▬▬▬ ▬▬ ▬▬▬ ▬ ▬▬▬ ▬▬▬▬ ▬ ▬▬ ▬▬▬ ▬▬ ▬▬▬ ▬ ▬▬▬▬ ▬▬ ▬▬▬ ▬▬ ▬ ▬▬▬▬▬ ▬▬ ▬▬▬ ▬ ▬▬▬ ▬▬▬▬ ▬ ▬▬ ▬▬▬ ▬▬ ▬▬▬ ▬ ▬▬▬▬ ▬▬ ▬▬▬ ▬▬ ▬ ▬▬▬▬▬ ▬▬ ▬▬▬ ▬ ▬▬▬ ▬▬▬▬ ▬ ▬▬ ▬▬▬ ▬▬ ▬▬▬ ▬ ▬▬▬▬ ▬▬ ▬▬▬ ▬▬ ▬ ▬▬▬▬▬ ▬▬ ▬▬▬ ▬ ▬▬▬ ▬▬▬▬ ▬ ▬▬ ▬▬▬ ▬▬ ▬▬▬ ▬ ▬▬▬▬ ▬▬ ▬▬▬ ▬▬ ▬ ▬▬▬▬▬ ▬▬ ▬▬▬ ▬ ▬▬▬ ▬▬▬▬ ▬ ▬▬ ▬▬▬ ▬▬ ▬▬▬ ▬ ▬▬▬▬ ▬▬ ▬▬▬ ▬▬ ▬ ▬▬▬▬▬ ▬▬ ▬▬▬ ▬ ▬▬▬ ▬▬▬▬ ▬ ▬▬ ▬▬▬ ▬▬ ▬▬▬ ▬ ▬▬▬▬ ▬▬ ▬▬▬ ▬▬ ▬ ▬▬▬▬▬ ▬▬ ▬▬▬ ▬ ▬▬▬ ▬▬▬▬ ▬ ▬▬ ▬▬▬ ▬▬ ▬▬▬ ▬ ▬▬▬▬ ▬▬ ▬▬▬ ▬▬ ▬ ▬▬▬▬▬ ▬▬ ▬▬▬ ▬ ▬▬▬ ▬▬▬▬ ▬ ▬▬ ▬▬▬ ▬▬ ▬▬▬ ▬ ▬▬▬▬ ▬▬ ▬▬▬ ▬▬ ▬ ▬▬▬▬▬ ▬▬ ▬▬▬ ▬ ▬▬▬ ▬▬▬▬ ▬ ▬▬ ▬▬▬ ▬▬ ▬▬▬ ▬ ▬▬▬▬ ▬▬ ▬▬▬ ▬▬ ▬ ▬▬▬▬▬ ▬▬ ▬▬▬ ▬ ▬▬▬ ▬▬▬▬ ▬ ▬▬ ▬▬▬ ▬▬ ▬▬▬ ▬ ▬▬▬▬ ▬▬ ▬▬▬ ▬▬ ▬ ▬▬▬▬▬ ▬▬ ▬▬▬ ▬ ▬▬▬ ▬▬▬▬ ▬ ▬▬ ▬▬▬ ▬▬ ▬▬▬ ▬ ▬▬▬▬ ▬▬ ▬▬▬ ▬▬ ▬ ▬▬▬▬▬ ▬▬ ▬▬▬ ▬ ▬▬▬ ▬▬▬▬ ▬ ▬▬ ▬▬▬ ▬▬ ▬▬▬ ▬ ▬▬▬▬ ▬▬ ▬▬▬ ▬▬ ▬ ▬▬▬▬▬ ▬▬ ▬▬▬ ▬ ▬▬▬ ▬▬▬▬ ▬ ▬▬ ▬▬▬ ▬▬ ▬▬▬ ▬ ▬▬▬▬ ▬▬ ▬▬▬ ▬▬ ▬ ▬▬▬▬▬ ▬▬ ▬▬▬ ▬ ▬▬▬ ▬▬▬▬ ▬ ▬▬ ▬▬▬ ▬▬ ▬▬▬ ▬ ▬▬▬▬ ▬▬ ▬▬▬ ▬▬ ▬ ▬▬▬▬▬ ▬▬ ▬▬▬ ▬ ▬▬▬ ▬▬▬▬ ▬ ▬▬ ▬▬▬ ▬▬ ▬▬▬ ▬ ▬▬▬▬ ▬▬ ▬▬▬ ▬▬ ▬ ▬▬▬▬▬ ▬▬ ▬▬▬ ▬ ▬▬▬ ▬▬▬▬ ▬ ▬▬ ▬▬▬ ▬▬ ▬▬▬ ▬ ▬▬▬▬ ▬▬ ▬▬▬ ▬▬ ▬ ▬▬▬▬▬ ▬▬ ▬▬▬ ▬ ▬▬▬ ▬▬▬▬ ▬ ▬▬ ▬▬▬ ▬▬ ▬▬▬ ▬ ▬▬▬▬ ▬▬ ▬▬▬ ▬▬ ▬ ▬▬▬▬▬ ▬▬ ▬▬▬ ▬ ▬▬▬ ▬▬▬▬ ▬ ▬▬ ▬▬▬ ▬▬ ▬▬▬ ▬ ▬▬▬▬ ▬▬ ▬▬▬ ▬▬ ▬ ▬▬▬▬▬ ▬▬ ▬▬▬ ▬ ▬▬▬ ▬▬▬▬ ▬ ▬▬ ▬▬▬ ▬▬ ▬▬▬ ▬ ▬▬▬▬ ▬▬ ▬▬▬ ▬▬ ▬ ▬▬▬▬▬ ▬▬ ▬▬▬ ▬ ▬▬▬ ▬▬▬▬ ▬ ▬▬ ▬▬▬ ▬▬ ▬▬▬ ▬ ▬▬▬▬ ▬▬ ▬▬▬ ▬▬ ▬ ▬▬▬▬▬ ▬▬ ▬▬▬ ▬ ▬▬▬ ▬▬▬▬ ▬ ▬▬ ▬▬▬ ▬▬ ▬▬▬ ▬ ▬▬▬▬ ▬▬ ▬▬▬ ▬▬ ▬ ▬▬▬▬▬ ▬▬ ▬▬▬ ▬ ▬▬▬ ▬▬▬▬ ▬ ▬▬ ▬▬▬

THE PRIME MINISTER.
(BY TELEGRAPH—PRESS ASSOCIATION.)

▬▬ ▬▬▬ ▬ ▬▬▬▬ ▬▬ ▬▬▬ ▬▬ ▬ ▬▬▬▬▬ ▬▬ ▬▬▬ ▬ ▬▬▬ ▬▬▬▬ ▬ ▬▬ ▬▬▬ ▬▬ ▬▬▬ ▬ ▬▬▬▬ ▬▬ ▬▬▬ ▬▬ ▬ ▬▬▬▬▬ ▬▬ ▬▬▬ ▬ ▬▬▬ ▬▬▬▬ ▬ ▬▬ ▬▬▬ ▬▬ ▬▬▬ ▬ ▬▬▬▬ ▬▬ ▬▬▬ ▬▬ ▬ ▬▬▬▬▬ ▬▬ ▬▬▬ ▬ ▬▬▬ ▬▬▬▬ ▬ ▬▬ ▬▬▬ ▬▬ ▬▬▬ ▬ ▬▬▬▬ ▬▬ ▬▬▬ ▬▬ ▬ ▬▬▬▬▬ ▬▬ ▬▬▬ ▬ ▬▬▬ ▬▬▬▬ ▬ ▬▬ ▬▬▬ ▬▬ ▬▬▬ ▬ ▬▬▬▬ ▬▬ ▬▬▬ ▬▬ ▬ ▬▬▬▬▬ ▬▬ ▬▬▬ ▬ ▬▬▬ ▬▬▬▬ ▬ ▬▬ ▬▬▬ ▬▬ ▬▬▬ ▬ ▬▬▬▬ ▬▬ ▬▬▬ ▬▬ ▬ ▬▬▬▬▬ ▬▬ ▬▬▬ ▬ ▬▬▬ ▬▬▬▬ ▬ ▬▬ ▬▬▬ ▬▬ ▬▬▬ ▬ ▬▬▬▬ ▬▬ ▬▬▬ ▬▬ ▬ ▬▬▬▬▬ ▬▬ ▬▬▬ ▬ ▬▬▬ ▬▬▬▬ ▬ ▬▬ ▬▬▬ ▬▬ ▬▬▬ ▬ ▬▬▬▬ ▬▬ ▬▬▬ ▬▬ ▬ ▬▬▬▬▬ ▬▬ ▬▬▬ ▬ ▬▬▬ ▬▬▬▬ ▬ ▬▬ ▬▬▬ ▬▬ ▬▬▬ ▬ ▬▬▬▬ ▬▬ ▬▬▬ ▬▬ ▬ ▬▬▬▬▬ ▬▬ ▬▬▬ ▬ ▬▬▬ ▬▬▬▬ ▬ ▬▬ ▬▬▬ ▬▬ ▬▬▬ ▬ ▬▬▬▬ ▬▬ ▬▬▬ ▬▬ ▬ ▬▬▬▬▬ ▬▬ ▬▬▬ ▬ ▬▬▬ ▬▬▬▬ ▬ ▬▬ ▬▬▬ ▬▬ ▬▬▬ ▬ ▬▬▬▬ ▬▬ ▬▬▬ ▬▬ ▬ ▬▬▬▬▬ ▬▬ ▬▬▬ ▬ ▬▬▬ ▬▬▬▬ ▬ ▬▬ ▬▬▬ ▬

VISIT TO GREYTOWN.

▬▬ ▬▬▬ ▬ ▬▬▬▬ ▬▬ ▬▬▬ ▬▬ ▬ ▬▬▬▬▬ ▬▬ ▬▬▬ ▬ ▬▬▬ ▬▬▬▬ ▬ ▬▬ ▬▬▬ ▬▬ ▬▬▬ ▬ ▬▬▬▬ ▬▬ ▬▬▬ ▬▬ ▬ ▬▬▬▬▬ ▬▬ ▬▬▬ ▬ ▬▬▬ ▬▬▬▬ ▬ ▬▬ ▬▬▬ ▬▬ ▬▬▬ ▬ ▬▬▬▬ ▬▬ ▬▬▬ ▬▬ ▬ ▬▬▬▬▬ ▬▬ ▬▬▬ ▬ ▬▬▬ ▬▬▬▬ ▬ ▬▬ ▬▬▬ ▬▬ ▬▬▬ ▬ ▬▬▬▬ ▬▬ ▬▬▬ ▬▬ ▬ ▬▬▬▬▬ ▬▬ ▬▬▬ ▬ ▬▬▬ ▬▬▬▬ ▬ ▬▬ ▬▬▬ ▬▬ ▬▬▬ ▬ ▬▬▬▬ ▬▬ ▬▬▬ ▬▬ ▬ ▬▬▬▬▬ ▬▬ ▬▬▬ ▬ ▬▬▬ ▬▬▬▬ ▬ ▬▬ ▬▬▬ ▬▬ ▬▬▬ ▬ ▬▬▬▬ ▬▬ ▬▬▬ ▬▬ ▬ ▬▬▬▬▬ ▬▬ ▬▬▬ ▬ ▬▬▬ ▬▬▬▬ ▬ ▬▬ ▬▬▬ ▬▬ ▬▬▬ ▬ ▬▬▬▬ ▬▬ ▬▬▬ ▬▬ ▬ ▬▬▬▬▬ ▬▬ ▬▬▬ ▬ ▬▬▬ ▬▬▬▬ ▬ ▬▬ ▬▬▬ ▬▬ ▬▬▬ ▬ ▬▬▬▬ ▬▬ ▬▬▬ ▬▬ ▬ ▬▬▬▬▬ ▬▬ ▬▬▬ ▬ ▬▬▬ ▬▬▬▬ ▬ ▬▬ ▬▬▬ ▬▬ ▬▬▬ ▬ ▬▬▬▬ ▬▬ ▬▬▬ ▬▬ ▬ ▬▬▬▬▬ ▬▬ ▬▬▬ ▬ ▬▬▬ ▬▬▬▬ ▬ ▬▬ ▬▬▬ ▬▬ ▬▬▬ ▬ ▬▬▬▬ ▬▬ ▬▬▬ ▬▬ ▬ ▬▬▬▬▬ ▬▬ ▬▬▬ ▬ ▬▬▬ ▬▬▬▬ ▬ ▬▬ ▬▬▬ ▬▬ ▬▬▬ ▬ ▬▬▬▬ ▬▬ ▬▬▬ ▬▬ ▬ ▬▬▬▬▬ ▬▬ ▬▬▬ ▬ ▬▬▬ ▬▬▬▬ ▬ ▬▬ ▬▬▬ ▬

DEPUTATION AND PUBLIC MEETING.

▬▬ ▬▬▬ ▬ ▬▬▬▬ ▬▬ ▬▬▬ ▬▬ ▬ ▬▬▬▬▬ ▬▬ ▬▬▬ ▬ ▬▬▬ ▬▬▬▬ ▬ ▬▬ ▬▬▬ ▬▬ ▬▬▬ ▬ ▬▬▬▬ ▬▬ ▬▬▬ ▬▬ ▬ ▬▬▬▬▬ ▬▬ ▬▬▬ ▬ ▬▬▬ ▬▬▬▬ ▬ ▬▬ ▬▬▬ ▬▬ ▬▬▬ ▬ ▬▬▬▬ ▬▬ ▬▬▬ ▬▬ ▬ ▬▬▬▬▬ ▬▬ ▬▬▬ ▬ ▬▬▬ ▬▬▬▬ ▬ ▬▬ ▬▬▬ ▬▬ ▬▬▬ ▬ ▬▬▬▬ ▬▬ ▬▬▬ ▬▬ ▬ ▬▬▬▬▬ ▬▬ ▬▬▬ ▬ ▬▬▬ ▬▬▬▬ ▬ ▬▬ ▬▬▬ ▬▬ ▬▬▬ ▬ ▬▬▬▬ ▬▬ ▬▬▬ ▬▬ ▬ ▬▬▬▬▬ ▬▬ ▬▬▬ ▬ ▬▬▬ ▬▬▬▬ ▬ ▬▬ ▬▬▬ ▬▬ ▬▬▬ ▬ ▬▬▬▬ ▬▬ ▬▬▬ ▬▬ ▬ ▬▬▬▬▬ ▬▬ ▬▬▬ ▬ ▬▬▬ ▬▬▬▬ ▬ ▬▬ ▬▬▬ ▬▬ ▬▬▬ ▬ ▬▬▬▬ ▬▬ ▬▬▬ ▬▬ ▬ ▬▬▬▬▬ ▬▬ ▬▬▬ ▬ ▬▬▬ ▬▬▬▬ ▬ ▬▬ ▬▬▬ ▬▬ ▬▬▬ ▬ ▬▬▬▬ ▬▬ ▬▬▬ ▬▬ ▬ ▬▬▬▬▬ ▬▬ ▬▬▬ ▬ ▬▬▬ ▬▬▬▬ ▬ ▬▬ ▬▬▬ ▬▬ ▬▬▬ ▬ ▬▬▬▬ ▬▬ ▬▬▬ ▬▬ ▬ ▬▬▬▬▬ ▬▬ ▬▬▬ ▬ ▬▬▬ ▬▬▬▬ ▬ ▬▬ ▬▬▬ ▬▬ ▬▬▬ ▬ ▬▬▬▬ ▬▬ ▬▬▬ ▬▬ ▬ ▬▬▬▬▬ ▬▬ ▬▬▬ ▬ ▬▬▬ ▬▬▬▬ ▬ ▬▬ ▬▬▬ ▬▬ ▬▬▬ ▬ ▬▬▬▬ ▬▬ ▬▬▬ ▬▬ ▬ ▬▬▬▬▬ ▬▬ ▬▬▬ ▬ ▬▬▬ ▬▬▬▬ ▬ ▬▬ ▬▬▬ ▬

THE PREMIER'S SPEECH.

▬▬ ▬▬▬ ▬ ▬▬▬▬ ▬▬ ▬▬▬ ▬▬ ▬ ▬▬▬▬▬ ▬▬ ▬▬▬ ▬ ▬▬▬ ▬▬▬▬ ▬ ▬▬ ▬▬▬ ▬▬ ▬▬▬ ▬ ▬▬▬▬ ▬▬ ▬▬▬ ▬▬ ▬ ▬▬▬▬▬ ▬▬ ▬▬▬ ▬ ▬▬▬ ▬▬▬▬ ▬ ▬▬ ▬▬▬ ▬▬ ▬▬▬ ▬ ▬▬▬▬ ▬▬ ▬▬▬ ▬▬ ▬ ▬▬▬▬▬ ▬▬ ▬▬▬ ▬ ▬▬▬ ▬▬▬▬ ▬ ▬▬ ▬▬▬ ▬▬ ▬▬▬ ▬ ▬▬▬▬ ▬▬ ▬▬▬ ▬▬ ▬ ▬▬▬▬▬ ▬▬ ▬▬▬ ▬ ▬▬▬ ▬▬▬▬ ▬ ▬▬ ▬▬▬ ▬▬ ▬▬▬ ▬ ▬▬▬▬ ▬▬ ▬▬▬ ▬▬ ▬ ▬▬▬▬▬ ▬▬ ▬▬▬ ▬ ▬▬▬ ▬▬▬▬ ▬ ▬▬ ▬▬▬ ▬▬ ▬▬▬ ▬ ▬▬▬▬ ▬▬ ▬▬▬ ▬▬ ▬ ▬▬▬▬▬ ▬▬ ▬▬▬ ▬ ▬▬▬ ▬▬▬▬ ▬ ▬▬ ▬▬▬ ▬▬ ▬▬▬ ▬ ▬▬▬▬ ▬▬ ▬▬▬ ▬▬ ▬ ▬▬▬▬▬ ▬▬ ▬▬▬ ▬ ▬▬▬ ▬▬▬▬ ▬ ▬▬ ▬▬▬ ▬▬ ▬▬▬ ▬ ▬▬▬▬ ▬▬ ▬▬▬ ▬▬ ▬ ▬▬▬▬▬ ▬▬ ▬▬▬ ▬ ▬▬▬ ▬▬▬▬ ▬ ▬▬ ▬▬▬ ▬▬ ▬▬▬ ▬ ▬▬▬▬ ▬▬ ▬▬▬ ▬▬ ▬ ▬▬▬▬▬ ▬▬ ▬▬▬ ▬ ▬▬▬ ▬▬▬▬ ▬ ▬▬ ▬▬▬ ▬▬ ▬▬▬ ▬ ▬▬▬▬ ▬▬ ▬▬▬ ▬▬ ▬ ▬▬▬▬▬ ▬▬ ▬▬▬ ▬ ▬▬▬ ▬▬▬▬ ▬ ▬▬ ▬▬▬ ▬▬ ▬▬▬ ▬ ▬▬▬▬ ▬▬ ▬▬▬ ▬▬ ▬ ▬▬▬▬▬ ▬▬ ▬▬▬ ▬ ▬▬▬ ▬▬▬▬ ▬ ▬▬ ▬▬▬ ▬

Socialism.

▬▬ ▬▬▬ ▬ ▬▬▬▬ ▬▬ ▬▬▬ ▬▬ ▬ ▬▬▬▬▬ ▬▬ ▬▬▬ ▬ ▬▬▬ ▬▬▬▬ ▬ ▬▬ ▬▬▬ ▬▬ ▬▬▬ ▬ ▬▬▬▬ ▬▬ ▬▬▬ ▬▬ ▬ ▬▬▬▬▬ ▬▬ ▬▬▬ ▬ ▬▬▬ ▬▬▬▬ ▬ ▬▬ ▬▬▬ ▬▬ ▬▬▬ ▬ ▬▬▬▬ ▬▬ ▬▬▬ ▬▬ ▬ ▬▬▬▬▬ ▬▬ ▬▬▬ ▬ ▬▬▬ ▬▬▬▬ ▬ ▬▬ ▬▬▬ ▬▬ ▬▬▬ ▬ ▬▬▬▬ ▬▬ ▬▬▬ ▬▬ ▬ ▬▬▬▬▬ ▬▬ ▬▬▬ ▬ ▬▬▬ ▬▬▬▬ ▬ ▬▬ ▬▬▬ ▬▬ ▬▬▬ ▬ ▬▬▬▬ ▬▬ ▬▬▬ ▬▬ ▬ ▬▬▬▬▬ ▬▬ ▬▬▬ ▬ ▬▬▬ ▬▬▬▬ ▬ ▬▬ ▬▬▬ ▬▬ ▬▬▬ ▬ ▬▬▬▬ ▬▬ ▬▬▬ ▬▬ ▬ ▬▬▬▬▬ ▬▬ ▬▬▬ ▬ ▬▬▬ ▬▬▬▬ ▬ ▬▬ ▬▬▬ ▬▬ ▬▬▬ ▬ ▬▬▬▬ ▬▬ ▬▬▬ ▬▬ ▬ ▬▬▬▬▬ ▬▬ ▬▬▬ ▬ ▬▬▬ ▬▬▬▬ ▬ ▬▬ ▬▬▬ ▬▬ ▬▬▬ ▬ ▬▬▬▬ ▬▬ ▬▬▬ ▬▬ ▬ ▬▬▬▬▬ ▬▬ ▬▬▬ ▬ ▬▬▬ ▬▬▬▬ ▬ ▬▬ ▬▬▬ ▬▬ ▬▬▬ ▬ ▬▬▬▬ ▬▬ ▬▬▬ ▬▬ ▬ ▬▬▬▬▬ ▬▬ ▬▬▬ ▬ ▬▬▬ ▬▬▬▬ ▬ ▬▬ ▬▬▬ ▬▬ ▬▬▬ ▬ ▬▬▬▬ ▬▬ ▬▬▬ ▬▬ ▬ ▬▬▬▬▬ ▬▬ ▬▬▬ ▬ ▬▬▬ ▬▬▬▬ ▬ ▬▬ ▬▬▬ ▬▬ ▬▬▬ ▬ ▬▬▬▬ ▬▬ ▬▬▬ ▬▬ ▬ ▬▬▬▬▬ ▬▬ ▬▬▬ ▬ ▬▬▬ ▬▬▬▬ ▬ ▬▬ ▬▬▬ ▬

A Barometer of Prosperity.

▬▬ ▬▬▬ ▬ ▬▬▬▬ ▬▬ ▬▬▬ ▬▬ ▬ ▬▬▬▬▬ ▬▬ ▬▬▬ ▬ ▬▬▬ ▬▬▬▬ ▬ ▬▬ ▬▬▬ ▬▬ ▬▬▬ ▬ ▬▬▬▬ ▬▬ ▬▬▬ ▬▬ ▬ ▬▬▬▬▬ ▬▬ ▬▬▬ ▬ ▬▬▬ ▬▬▬▬ ▬ ▬▬ ▬▬▬ ▬▬ ▬▬▬ ▬ ▬▬▬▬ ▬▬ ▬▬▬ ▬▬ ▬ ▬▬▬▬▬ ▬▬ ▬▬▬ ▬ ▬▬▬ ▬▬▬▬ ▬ ▬▬ ▬▬▬ ▬▬ ▬▬▬ ▬ ▬▬▬▬ ▬▬ ▬▬▬ ▬▬ ▬ ▬▬▬▬▬ ▬▬ ▬▬▬ ▬ ▬▬▬ ▬▬▬▬ ▬ ▬▬ ▬▬▬ ▬▬ ▬▬▬ ▬ ▬▬▬▬ ▬▬ ▬▬▬ ▬▬ ▬ ▬▬▬▬▬ ▬▬ ▬▬▬ ▬ ▬▬▬ ▬▬▬▬ ▬ ▬▬ ▬▬▬ ▬▬ ▬▬▬ ▬ ▬▬▬▬ ▬▬ ▬▬▬ ▬▬ ▬ ▬▬▬▬▬ ▬▬ ▬▬▬ ▬ ▬▬▬ ▬▬▬▬ ▬ ▬▬ ▬▬▬ ▬▬ ▬▬▬ ▬ ▬▬▬▬ ▬▬ ▬▬▬ ▬▬ ▬ ▬▬▬▬▬ ▬▬ ▬▬▬ ▬ ▬▬▬ ▬▬▬▬ ▬ ▬▬ ▬▬▬ ▬▬ ▬▬▬ ▬ ▬▬▬▬ ▬▬ ▬▬▬ ▬▬ ▬ ▬▬▬▬▬ ▬▬ ▬▬▬ ▬ ▬▬▬ ▬▬▬▬ ▬ ▬▬ ▬▬▬ ▬▬ ▬▬▬ ▬ ▬▬▬▬ ▬▬ ▬▬▬ ▬▬ ▬ ▬▬▬▬▬ ▬▬ ▬▬▬ ▬ ▬▬▬ ▬▬▬▬ ▬ ▬▬ ▬▬▬ ▬▬ ▬▬▬ ▬ ▬▬▬▬ ▬▬ ▬▬▬ ▬▬ ▬ ▬▬▬▬▬ ▬▬ ▬▬▬ ▬ ▬▬▬ ▬▬▬▬ ▬ ▬▬ ▬▬▬ ▬▬ ▬▬▬ ▬ ▬▬▬▬ ▬▬ ▬▬▬ ▬▬ ▬ ▬▬▬▬▬ ▬▬ ▬▬▬ ▬ ▬▬▬ ▬▬▬▬ ▬ ▬▬ ▬▬▬ ▬

Postal Articles.

▬▬ ▬▬▬ ▬ ▬▬▬▬ ▬▬ ▬▬▬ ▬▬ ▬ ▬▬▬▬▬ ▬▬ ▬▬▬ ▬ ▬▬▬ ▬▬▬▬ ▬ ▬▬ ▬▬▬ ▬▬ ▬▬▬ ▬ ▬▬▬▬ ▬▬ ▬▬▬ ▬▬ ▬ ▬▬▬▬▬ ▬▬ ▬▬▬ ▬ ▬▬▬ ▬▬▬▬ ▬ ▬▬ ▬▬▬ ▬▬ ▬▬▬ ▬ ▬▬▬▬ ▬▬ ▬▬▬ ▬▬ ▬ ▬▬▬▬▬ ▬▬ ▬▬▬ ▬ ▬▬▬ ▬▬▬▬ ▬ ▬▬ ▬▬▬ ▬▬ ▬▬▬ ▬ ▬▬▬▬ ▬▬ ▬▬▬ ▬▬ ▬ ▬▬▬▬▬ ▬▬ ▬▬▬ ▬ ▬▬▬ ▬▬▬▬ ▬ ▬▬ ▬▬▬ ▬▬ ▬▬▬ ▬ ▬▬▬▬ ▬▬ ▬▬▬ ▬▬ ▬ ▬▬▬▬▬ ▬▬ ▬▬▬ ▬ ▬▬▬ ▬▬▬▬ ▬ ▬▬ ▬▬▬ ▬▬ ▬▬▬ ▬ ▬▬▬▬ ▬▬ ▬▬▬ ▬▬ ▬ ▬▬▬▬▬ ▬▬ ▬▬▬ ▬ ▬▬▬ ▬▬▬▬ ▬ ▬▬ ▬▬▬ ▬▬ ▬▬▬ ▬ ▬▬▬▬ ▬▬ ▬▬▬ ▬▬ ▬ ▬▬▬▬▬ ▬▬ ▬▬▬ ▬ ▬▬▬ ▬▬▬▬ ▬ ▬▬ ▬▬▬ ▬▬ ▬▬▬ ▬ ▬▬▬▬ ▬▬ ▬▬▬ ▬▬ ▬ ▬▬▬▬▬ ▬▬ ▬▬▬ ▬ ▬▬▬ ▬▬▬▬ ▬ ▬▬ ▬▬▬ ▬▬ ▬▬▬ ▬ ▬▬▬▬ ▬▬ ▬▬▬ ▬▬ ▬ ▬▬▬▬▬ ▬▬ ▬▬▬ ▬ ▬▬▬ ▬▬▬▬ ▬ ▬▬ ▬▬▬ ▬▬ ▬▬▬ ▬ ▬▬▬▬ ▬▬ ▬▬▬ ▬▬ ▬ ▬▬▬▬▬ ▬▬ ▬▬▬ ▬ ▬▬▬ ▬▬▬▬ ▬ ▬▬ ▬▬▬ ▬▬ ▬▬▬ ▬ ▬▬▬▬ ▬▬ ▬▬▬ ▬▬ ▬ ▬▬▬▬▬ ▬▬ ▬▬▬ ▬ ▬▬▬ ▬▬▬▬ ▬ ▬▬ ▬▬▬ ▬

Postal Concessions.

▬▬ ▬▬▬ ▬ ▬▬▬▬ ▬▬ ▬▬▬ ▬▬ ▬ ▬▬▬▬▬ ▬▬ ▬▬▬ ▬ ▬▬▬ ▬▬▬▬ ▬ ▬▬ ▬▬▬ ▬▬ ▬▬▬ ▬ ▬▬▬▬ ▬▬ ▬▬▬ ▬▬ ▬ ▬▬▬▬▬ ▬▬ ▬▬▬ ▬ ▬▬▬ ▬▬▬▬ ▬ ▬▬ ▬▬▬ ▬▬ ▬▬▬ ▬ ▬▬▬▬ ▬▬ ▬▬▬ ▬▬ ▬ ▬▬▬▬▬ ▬▬ ▬▬▬ ▬ ▬▬▬ ▬▬▬▬ ▬ ▬▬ ▬▬▬ ▬▬ ▬▬▬ ▬ ▬▬▬▬ ▬▬ ▬▬▬ ▬▬ ▬ ▬▬▬▬▬ ▬▬ ▬▬▬ ▬ ▬▬▬ ▬▬▬▬ ▬ ▬▬ ▬▬▬ ▬▬ ▬▬▬ ▬ ▬▬▬▬ ▬▬ ▬▬▬ ▬▬ ▬ ▬▬▬▬▬ ▬▬ ▬▬▬ ▬ ▬▬▬ ▬▬▬▬ ▬ ▬▬ ▬▬▬ ▬▬ ▬▬▬ ▬ ▬▬▬▬ ▬▬ ▬▬▬ ▬▬ ▬ ▬▬▬▬▬ ▬▬ ▬▬▬ ▬ ▬▬▬ ▬▬▬▬ ▬ ▬▬ ▬▬▬ ▬▬ ▬▬▬ ▬ ▬▬▬▬ ▬▬ ▬▬▬ ▬▬ ▬ ▬▬▬▬▬ ▬▬ ▬▬▬ ▬ ▬▬▬ ▬▬▬▬ ▬ ▬▬ ▬▬▬ ▬▬ ▬▬▬ ▬ ▬▬▬▬ ▬▬ ▬▬▬ ▬▬ ▬ ▬▬▬▬▬ ▬▬ ▬▬▬ ▬ ▬▬▬ ▬▬▬▬ ▬ ▬▬ ▬▬▬ ▬▬ ▬▬▬ ▬ ▬▬▬▬ ▬▬ ▬▬▬ ▬▬ ▬ ▬▬▬▬▬ ▬▬ ▬▬▬ ▬ ▬▬▬ ▬▬▬▬ ▬ ▬▬ ▬▬▬ ▬▬ ▬▬▬ ▬ ▬▬▬▬ ▬▬ ▬▬▬ ▬▬ ▬ ▬▬▬▬▬ ▬▬ ▬▬▬ ▬ ▬▬▬ ▬▬▬▬ ▬ ▬▬ ▬▬▬ ▬▬ ▬▬▬ ▬ ▬▬▬▬ ▬▬ ▬▬▬ ▬▬ ▬ ▬▬▬▬▬ ▬▬ ▬▬▬ ▬ ▬▬▬ ▬▬▬▬ ▬ ▬▬ ▬▬▬ ▬

Education in the Service.

▬▬ ▬▬▬ ▬ ▬▬▬▬ ▬▬ ▬▬▬ ▬▬ ▬ ▬▬▬▬▬ ▬▬ ▬▬▬ ▬ ▬▬▬ ▬▬▬▬ ▬ ▬▬ ▬▬▬ ▬▬ ▬▬▬ ▬ ▬▬▬▬ ▬▬ ▬▬▬ ▬▬ ▬ ▬▬▬▬▬ ▬▬ ▬▬▬ ▬ ▬▬▬ ▬▬▬▬ ▬ ▬▬ ▬▬▬ ▬▬ ▬▬▬ ▬ ▬▬▬▬ ▬▬ ▬▬▬ ▬▬ ▬ ▬▬▬▬▬ ▬▬ ▬▬▬ ▬ ▬▬▬ ▬▬▬▬ ▬ ▬▬ ▬▬▬ ▬▬ ▬▬▬ ▬ ▬▬▬▬ ▬▬ ▬▬▬ ▬▬ ▬ ▬▬▬▬▬ ▬▬ ▬▬▬ ▬ ▬▬▬ ▬▬▬▬ ▬ ▬▬ ▬▬▬ ▬▬ ▬▬▬ ▬ ▬▬▬▬ ▬▬ ▬▬▬ ▬▬ ▬ ▬▬▬▬▬ ▬▬ ▬▬▬ ▬ ▬▬▬ ▬▬▬▬ ▬ ▬▬ ▬▬▬ ▬▬ ▬▬▬ ▬ ▬▬▬▬ ▬▬ ▬▬▬ ▬▬ ▬ ▬▬▬▬▬ ▬▬ ▬▬▬ ▬ ▬▬▬ ▬▬▬▬ ▬ ▬▬ ▬▬▬ ▬▬ ▬▬▬ ▬ ▬▬▬▬ ▬▬ ▬▬▬ ▬▬ ▬ ▬▬▬▬▬ ▬▬ ▬▬▬ ▬ ▬▬▬ ▬▬▬▬ ▬ ▬▬ ▬▬▬ ▬▬ ▬▬▬ ▬ ▬▬▬▬ ▬▬ ▬▬▬ ▬▬ ▬ ▬▬▬▬▬ ▬▬ ▬▬▬ ▬ ▬▬▬ ▬▬▬▬ ▬ ▬▬ ▬▬▬ ▬▬ ▬▬▬ ▬ ▬▬▬▬ ▬▬ ▬▬▬ ▬▬ ▬ ▬▬▬▬▬ ▬▬ ▬▬▬ ▬ ▬▬▬ ▬▬▬▬ ▬ ▬▬ ▬▬▬ ▬▬ ▬▬▬ ▬ ▬▬▬▬ ▬▬ ▬▬▬ ▬▬ ▬ ▬▬▬▬▬ ▬▬ ▬▬▬ ▬ ▬▬▬ ▬▬▬▬ ▬ ▬▬ ▬▬▬ ▬▬ ▬▬▬ ▬ ▬▬▬▬ ▬▬ ▬▬▬ ▬▬ ▬ ▬▬▬▬▬ ▬▬ ▬▬▬ ▬ ▬▬▬ ▬▬▬▬ ▬ ▬▬ ▬▬▬ ▬

Local Progress.

▬▬ ▬▬▬ ▬ ▬▬▬▬ ▬▬ ▬▬▬ ▬▬ ▬ ▬▬▬▬▬ ▬▬ ▬▬▬ ▬ ▬▬▬ ▬▬▬▬ ▬ ▬▬ ▬▬▬ ▬▬ ▬▬▬ ▬ ▬▬▬▬ ▬▬ ▬▬▬ ▬▬ ▬ ▬▬▬▬▬ ▬▬ ▬▬▬ ▬ ▬▬▬ ▬▬▬▬ ▬ ▬▬ ▬▬▬ ▬▬ ▬▬▬ ▬ ▬▬▬▬ ▬▬ ▬▬▬ ▬▬ ▬ ▬▬▬▬▬ ▬▬ ▬▬▬ ▬ ▬▬▬ ▬▬▬▬ ▬ ▬▬ ▬▬▬ ▬▬ ▬▬▬ ▬ ▬▬▬▬ ▬▬ ▬▬▬ ▬▬ ▬ ▬▬▬▬▬ ▬▬ ▬▬▬ ▬ ▬▬▬ ▬▬▬▬ ▬ ▬▬ ▬▬▬ ▬▬ ▬▬▬ ▬ ▬▬▬▬ ▬▬ ▬▬▬ ▬▬ ▬ ▬▬▬▬▬ ▬▬ ▬▬▬ ▬ ▬▬▬ ▬▬▬▬ ▬ ▬▬ ▬▬▬ ▬▬ ▬▬▬ ▬ ▬▬▬▬ ▬▬ ▬▬▬ ▬▬ ▬ ▬▬▬▬▬ ▬▬ ▬▬▬ ▬ ▬▬▬ ▬▬▬▬ ▬ ▬▬ ▬▬▬ ▬▬ ▬▬▬ ▬ ▬▬▬▬ ▬▬ ▬▬▬ ▬▬ ▬ ▬▬▬▬▬ ▬▬ ▬▬▬ ▬ ▬▬▬ ▬▬▬▬ ▬ ▬▬ ▬▬▬ ▬▬ ▬▬▬ ▬ ▬▬▬▬ ▬▬ ▬▬▬ ▬▬ ▬ ▬▬▬▬▬ ▬▬ ▬▬▬ ▬ ▬▬▬ ▬▬▬▬ ▬ ▬▬ ▬▬▬ ▬▬ ▬▬▬ ▬ ▬▬▬▬ ▬▬ ▬▬▬ ▬▬ ▬ ▬▬▬▬▬ ▬▬ ▬▬▬ ▬ ▬▬▬ ▬▬▬▬ ▬ ▬▬ ▬▬▬ ▬▬ ▬▬▬ ▬ ▬▬▬▬ ▬▬ ▬▬▬ ▬▬ ▬ ▬▬▬▬▬ ▬▬ ▬▬▬ ▬ ▬▬▬ ▬▬▬▬ ▬ ▬▬ ▬▬▬ ▬▬ ▬▬▬ ▬ ▬▬▬▬ ▬▬ ▬▬▬ ▬▬ ▬ ▬▬▬▬▬ ▬▬ ▬▬▬ ▬ ▬▬▬ ▬▬▬▬ ▬ ▬▬ ▬▬▬ ▬

Land for Settlement.

▬▬ ▬▬▬ ▬ ▬▬▬▬ ▬▬ ▬▬▬ ▬▬ ▬ ▬▬▬▬▬ ▬▬ ▬▬▬ ▬ ▬▬▬ ▬▬▬▬ ▬ ▬▬ ▬▬▬ ▬▬ ▬▬▬ ▬ ▬▬▬▬ ▬▬ ▬▬▬ ▬▬ ▬ ▬▬▬▬▬ ▬▬ ▬▬▬ ▬ ▬▬▬ ▬▬▬▬ ▬ ▬▬ ▬▬▬ ▬▬ ▬▬▬ ▬ ▬▬▬▬ ▬▬ ▬▬▬ ▬▬ ▬ ▬▬▬▬▬ ▬▬ ▬▬▬ ▬ ▬▬▬ ▬▬▬▬ ▬ ▬▬ ▬▬▬ ▬▬ ▬▬▬ ▬ ▬▬▬▬ ▬▬ ▬▬▬ ▬▬ ▬ ▬▬▬▬▬ ▬▬ ▬▬▬ ▬ ▬▬▬ ▬▬▬▬ ▬ ▬▬ ▬▬▬ ▬▬ ▬▬▬ ▬ ▬▬▬▬ ▬▬ ▬▬▬ ▬▬ ▬ ▬▬▬▬▬ ▬▬ ▬▬▬ ▬ ▬▬▬ ▬▬▬▬ ▬ ▬▬ ▬▬▬ ▬▬ ▬▬▬ ▬ ▬▬▬▬ ▬▬ ▬▬▬ ▬▬ ▬ ▬▬▬▬▬ ▬▬ ▬▬▬ ▬ ▬▬▬ ▬▬▬▬ ▬ ▬▬ ▬▬▬ ▬▬ ▬▬▬ ▬ ▬▬▬▬ ▬▬ ▬▬▬ ▬▬ ▬ ▬▬▬▬▬ ▬▬ ▬▬▬ ▬ ▬▬▬ ▬▬▬▬ ▬ ▬▬ ▬▬▬ ▬▬ ▬▬▬ ▬ ▬▬▬▬ ▬▬ ▬▬▬ ▬▬ ▬ ▬▬▬▬▬ ▬▬ ▬▬▬ ▬ ▬▬▬ ▬▬▬▬ ▬ ▬▬ ▬▬▬ ▬▬ ▬▬▬ ▬ ▬▬▬▬ ▬▬ ▬▬▬ ▬▬ ▬ ▬▬▬▬▬ ▬▬ ▬▬▬ ▬ ▬▬▬ ▬▬▬▬ ▬ ▬▬ ▬▬▬ ▬▬ ▬▬▬ ▬ ▬▬▬▬ ▬▬ ▬▬▬ ▬▬ ▬ ▬▬▬▬▬ ▬▬ ▬▬▬ ▬ ▬▬▬ ▬▬▬▬ ▬ ▬▬ ▬▬▬ ▬▬ ▬▬▬ ▬ ▬▬▬▬ ▬▬ ▬▬▬ ▬▬ ▬ ▬▬▬▬▬ ▬▬ ▬▬▬ ▬ ▬▬▬ ▬▬▬▬ ▬ ▬▬ ▬▬▬ ▬

Other Matters.

▬▬ ▬▬▬ ▬ ▬▬▬▬ ▬▬ ▬▬▬ ▬▬ ▬ ▬▬▬▬▬ ▬▬ ▬▬▬ ▬ ▬▬▬ ▬▬▬▬ ▬ ▬▬ ▬▬▬ ▬▬ ▬▬▬ ▬ ▬▬▬▬ ▬▬ ▬▬▬ ▬▬ ▬ ▬▬▬▬▬ ▬▬ ▬▬▬ ▬ ▬▬▬ ▬▬▬▬ ▬ ▬▬ ▬▬▬ ▬▬ ▬▬▬ ▬ ▬▬▬▬ ▬▬ ▬▬▬ ▬▬ ▬ ▬▬▬▬▬ ▬▬ ▬▬▬ ▬ ▬▬▬ ▬▬▬▬ ▬ ▬▬ ▬▬▬ ▬▬ ▬▬▬ ▬ ▬▬▬▬ ▬▬ ▬▬▬ ▬▬ ▬ ▬▬▬▬▬ ▬▬ ▬▬▬ ▬ ▬▬▬ ▬▬▬▬ ▬ ▬▬ ▬▬▬ ▬▬ ▬▬▬ ▬ ▬▬▬▬ ▬▬ ▬▬▬ ▬▬ ▬ ▬▬▬▬▬ ▬▬ ▬▬▬ ▬ ▬▬▬ ▬▬▬▬ ▬ ▬▬ ▬▬▬ ▬▬ ▬▬▬ ▬ ▬▬▬▬ ▬▬ ▬▬▬ ▬▬ ▬ ▬▬▬▬▬ ▬▬ ▬▬▬ ▬ ▬▬▬ ▬▬▬▬ ▬ ▬▬ ▬▬▬ ▬▬ ▬▬▬ ▬ ▬▬▬▬ ▬▬ ▬▬▬ ▬▬ ▬ ▬▬▬▬▬ ▬▬ ▬▬▬ ▬ ▬▬▬ ▬▬▬▬ ▬ ▬▬ ▬▬▬ ▬▬ ▬▬▬ ▬ ▬▬▬▬ ▬▬ ▬▬▬ ▬▬ ▬ ▬▬▬▬▬ ▬▬ ▬▬▬ ▬ ▬▬▬ ▬▬▬▬ ▬ ▬▬ ▬▬▬ ▬▬ ▬▬▬ ▬ ▬▬▬▬ ▬▬ ▬▬▬ ▬▬ ▬ ▬▬▬▬▬ ▬▬ ▬▬▬ ▬ ▬▬▬ ▬▬▬▬ ▬ ▬▬ ▬▬▬ ▬▬ ▬▬▬ ▬ ▬▬▬▬ ▬▬ ▬▬▬ ▬▬ ▬ ▬▬▬▬▬ ▬▬ ▬▬▬ ▬ ▬▬▬ ▬▬▬▬ ▬ ▬▬ ▬▬▬ ▬▬ ▬▬▬ ▬ ▬▬▬▬ ▬▬ ▬▬▬ ▬▬ ▬ ▬▬▬▬▬ ▬▬ ▬▬▬ ▬ ▬▬▬ ▬▬▬▬ ▬ ▬▬ ▬▬▬ ▬

For Bronchial Coughs take Woods' Great Peppermint Cure. 1s. 6d. and 2s. 6d.
THE MAHENO'S MAIL.
(BY TELEGRAPH—PRESS ASSOCIATION.)

▬▬ ▬▬▬ ▬ ▬▬▬▬ ▬▬ ▬▬▬ ▬▬ ▬ ▬▬▬▬▬ ▬▬ ▬▬▬ ▬ ▬▬▬ ▬▬▬▬ ▬ ▬▬ ▬▬▬ ▬▬ ▬▬▬ ▬ ▬▬▬▬ ▬▬ ▬▬▬ ▬▬ ▬ ▬▬▬▬▬ ▬▬ ▬▬▬ ▬ ▬▬▬ ▬▬▬▬ ▬ ▬▬ ▬▬▬ ▬▬ ▬▬▬ ▬ ▬▬▬▬ ▬▬ ▬▬▬ ▬▬ ▬ ▬▬▬▬▬ ▬▬ ▬▬▬ ▬ ▬▬▬ ▬▬▬▬ ▬ ▬▬ ▬▬▬ ▬▬ ▬▬▬ ▬ ▬▬▬▬ ▬▬ ▬▬▬ ▬▬ ▬ ▬▬▬▬▬ ▬▬ ▬▬▬ ▬ ▬▬▬ ▬▬▬▬ ▬ ▬▬ ▬▬▬ ▬▬ ▬▬▬ ▬ ▬▬▬▬ ▬▬ ▬▬▬ ▬▬ ▬ ▬▬▬▬▬ ▬▬ ▬▬▬ ▬ ▬▬▬ ▬▬▬▬ ▬ ▬▬ ▬▬▬ ▬▬ ▬▬▬ ▬ ▬▬▬▬ ▬▬ ▬▬▬ ▬▬ ▬ ▬▬▬▬▬ ▬▬ ▬▬▬ ▬ ▬▬▬ ▬▬▬▬ ▬ ▬▬ ▬▬▬ ▬▬ ▬▬▬ ▬ ▬▬▬▬ ▬▬ ▬▬▬ ▬▬ ▬ ▬▬▬▬▬ ▬▬ ▬▬▬ ▬ ▬▬▬ ▬▬▬▬ ▬ ▬▬ ▬▬▬ ▬▬ ▬▬▬ ▬ ▬▬▬▬ ▬▬ ▬▬▬ ▬▬ ▬ ▬▬▬▬▬ ▬▬ ▬▬▬ ▬ ▬▬▬ ▬▬▬▬ ▬ ▬▬ ▬▬▬ ▬▬ ▬▬▬ ▬ ▬▬▬▬ ▬▬ ▬▬▬ ▬▬ ▬ ▬▬▬▬▬ ▬▬ ▬▬▬ ▬ ▬▬▬ ▬▬▬▬ ▬ ▬▬ ▬▬▬ ▬▬ ▬▬▬ ▬ ▬▬▬▬ ▬▬ ▬▬▬ ▬▬ ▬ ▬▬▬▬▬ ▬▬ ▬▬▬ ▬ ▬▬▬ ▬▬▬▬ ▬ ▬▬ ▬▬▬ ▬▬ ▬▬▬ ▬ ▬▬▬▬ ▬▬ ▬▬▬ ▬▬ ▬ ▬▬▬▬▬ ▬▬ ▬▬▬ ▬ ▬▬▬ ▬▬▬▬ ▬ ▬▬ ▬▬▬ ▬▬ ▬▬▬ ▬ ▬▬▬▬ ▬▬ ▬▬▬ ▬▬ ▬ ▬▬▬▬▬ ▬▬ ▬▬▬ ▬ ▬▬▬ ▬▬▬▬ ▬ ▬▬ ▬▬▬ ▬▬ ▬▬▬ ▬ ▬▬▬▬ ▬▬ ▬▬▬ ▬▬ ▬ ▬▬▬▬▬ ▬▬ ▬▬▬ ▬ ▬▬▬ ▬▬▬▬ ▬ ▬▬ ▬▬▬ ▬▬ ▬▬▬ ▬ ▬▬▬▬ ▬▬ ▬▬▬ ▬▬ ▬ ▬▬▬▬▬ ▬▬ ▬▬▬ ▬ ▬▬▬ ▬▬▬▬ ▬ ▬▬ ▬▬▬ ▬▬ ▬▬▬ ▬ ▬▬▬▬ ▬▬ ▬▬▬ ▬▬ ▬ ▬▬▬▬▬ ▬▬ ▬▬▬ ▬ ▬▬▬ ▬▬▬▬ ▬ ▬▬ ▬▬▬ ▬▬ ▬▬▬ ▬ ▬▬▬▬ ▬▬ ▬▬▬ ▬▬ ▬ ▬▬▬▬▬ ▬▬ ▬▬▬ ▬ ▬▬▬ ▬▬▬▬ ▬ ▬▬ ▬▬▬ ▬▬ ▬▬▬ ▬ ▬▬▬▬ ▬▬ ▬▬▬ ▬▬ ▬ ▬▬▬▬▬ ▬▬ ▬▬▬ ▬ ▬▬▬ ▬▬▬▬ ▬ ▬▬ ▬▬▬ ▬▬ ▬▬▬ ▬ ▬▬▬▬ ▬▬ ▬▬▬ ▬▬ ▬ ▬▬▬▬▬ ▬▬ ▬▬▬ ▬ ▬▬▬ ▬▬▬▬ ▬ ▬▬ ▬▬▬ ▬▬ ▬▬▬ ▬ ▬▬▬▬ ▬▬ ▬▬▬ ▬▬ ▬ ▬▬▬▬▬ ▬▬ ▬▬▬ ▬ ▬▬▬ ▬▬▬▬ ▬ ▬▬ ▬▬▬ ▬▬ ▬▬▬ ▬ ▬▬▬▬ ▬▬ ▬

MISSES CONNECTION AT SYDNEY.

▬▬ ▬▬▬ ▬ ▬▬▬▬ ▬▬ ▬▬▬ ▬▬ ▬ ▬▬▬▬▬ ▬▬ ▬▬▬ ▬ ▬▬▬ ▬▬▬▬ ▬ ▬▬ ▬▬▬ ▬▬ ▬▬▬ ▬ ▬▬▬▬ ▬▬ ▬▬▬ ▬▬ ▬ ▬▬▬▬▬ ▬▬ ▬▬▬ ▬ ▬▬▬ ▬▬▬▬ ▬ ▬▬ ▬▬▬ ▬▬ ▬▬▬ ▬ ▬▬▬▬ ▬▬ ▬▬▬ ▬▬ ▬ ▬▬▬▬▬ ▬▬ ▬▬▬ ▬ ▬▬▬ ▬▬▬▬ ▬ ▬▬ ▬▬▬ ▬▬ ▬▬▬ ▬ ▬▬▬▬ ▬▬ ▬▬▬ ▬▬ ▬ ▬▬▬▬▬ ▬▬ ▬▬▬ ▬ ▬▬▬ ▬▬▬▬ ▬ ▬▬ ▬▬▬ ▬▬ ▬▬▬ ▬ ▬▬▬▬ ▬▬ ▬▬▬ ▬▬ ▬ ▬▬▬▬▬ ▬▬ ▬▬▬ ▬ ▬▬▬ ▬▬▬▬ ▬ ▬▬ ▬▬▬ ▬▬ ▬▬▬ ▬ ▬▬▬▬ ▬▬ ▬▬▬ ▬▬ ▬ ▬▬▬▬▬ ▬▬ ▬▬▬ ▬ ▬▬▬ ▬▬▬▬ ▬ ▬▬ ▬▬▬ ▬▬ ▬▬▬ ▬ ▬▬▬▬ ▬▬ ▬▬▬ ▬▬ ▬ ▬▬▬▬▬ ▬▬ ▬▬▬ ▬ ▬▬▬ ▬▬▬▬ ▬ ▬▬ ▬▬▬ ▬▬ ▬▬▬ ▬ ▬▬▬▬ ▬▬ ▬▬▬ ▬▬ ▬ ▬▬▬▬▬ ▬▬ ▬▬▬ ▬ ▬▬▬ ▬▬▬▬ ▬ ▬▬ ▬▬▬ ▬▬ ▬▬▬ ▬ ▬▬▬▬ ▬▬ ▬▬▬ ▬▬ ▬ ▬▬▬▬▬ ▬▬ ▬▬▬ ▬ ▬▬▬ ▬▬▬▬ ▬ ▬▬ ▬▬▬ ▬▬ ▬▬▬ ▬ ▬▬▬▬ ▬▬ ▬▬▬ ▬▬ ▬ ▬▬▬▬▬ ▬▬ ▬▬▬ ▬ ▬▬▬ ▬▬▬▬ ▬ ▬▬ ▬▬▬ ▬▬ ▬▬▬ ▬ ▬▬▬▬ ▬▬ ▬▬▬ ▬▬ ▬ ▬▬▬▬▬ ▬▬ ▬▬▬ ▬ ▬▬▬ ▬▬▬▬ ▬ ▬▬ ▬▬▬ ▬▬ ▬▬▬ ▬ ▬▬▬▬ ▬▬ ▬▬▬ ▬▬ ▬ ▬▬▬▬▬ ▬▬ ▬▬▬ ▬ ▬▬▬ ▬▬▬▬ ▬ ▬▬ ▬▬▬ ▬▬ ▬▬▬ ▬ ▬▬▬▬ ▬▬ ▬▬▬ ▬▬ ▬ ▬▬▬▬▬ ▬▬ ▬▬▬ ▬ ▬▬▬ ▬▬▬▬ ▬ ▬▬ ▬▬▬ ▬▬ ▬▬▬ ▬ ▬▬▬▬ ▬▬ ▬▬▬ ▬▬ ▬ ▬▬▬▬▬ ▬▬ ▬▬▬ ▬ ▬▬▬ ▬▬▬▬ ▬ ▬▬ ▬▬▬ ▬▬ ▬▬▬ ▬ ▬▬▬▬ ▬▬ ▬▬▬ ▬▬ ▬ ▬▬▬▬▬ ▬▬ ▬▬▬ ▬ ▬▬▬ ▬▬▬▬ ▬ ▬▬ ▬▬▬ ▬▬ ▬▬▬ ▬ ▬▬▬▬ ▬▬ ▬▬▬ ▬▬ ▬ ▬▬▬▬▬ ▬▬ ▬▬▬ ▬ ▬▬▬ ▬▬▬▬ ▬ ▬▬ ▬▬▬ ▬▬ ▬▬▬ ▬ ▬▬▬▬ ▬▬ ▬▬▬ ▬▬ ▬ ▬▬▬▬▬ ▬▬ ▬▬▬ ▬ ▬▬▬ ▬▬▬▬ ▬ ▬▬ ▬▬▬ ▬▬ ▬▬▬ ▬ ▬▬▬▬ ▬▬ ▬▬▬ ▬▬ ▬ ▬▬▬▬▬ ▬▬ ▬▬▬ ▬ ▬▬▬ ▬▬▬▬ ▬ ▬▬ ▬▬▬ ▬▬ ▬▬▬ ▬ ▬▬▬▬ ▬▬ ▬▬▬ ▬▬ ▬ ▬▬▬▬▬ ▬▬ ▬▬▬ ▬ ▬▬▬ ▬▬▬▬ ▬ ▬▬ ▬▬▬ ▬▬ ▬▬▬ ▬ ▬▬▬▬ ▬▬ ▬

GOVERNMENT CHARTERS A SPECIAL TRAIN.

▬▬ ▬▬▬ ▬ ▬▬▬▬ ▬▬ ▬▬▬ ▬▬ ▬ ▬▬▬▬▬ ▬▬ ▬▬▬ ▬ ▬▬▬ ▬▬▬▬ ▬ ▬▬ ▬▬▬ ▬▬ ▬▬▬ ▬ ▬▬▬▬ ▬▬ ▬▬▬ ▬▬ ▬ ▬▬▬▬▬ ▬▬ ▬▬▬ ▬ ▬▬▬ ▬▬▬▬ ▬ ▬▬ ▬▬▬ ▬▬ ▬▬▬ ▬ ▬▬▬▬ ▬▬ ▬▬▬ ▬▬ ▬ ▬▬▬▬▬ ▬▬ ▬▬▬ ▬ ▬▬▬ ▬▬▬▬ ▬ ▬▬ ▬▬▬ ▬▬ ▬▬▬ ▬ ▬▬▬▬ ▬▬ ▬▬▬ ▬▬ ▬ ▬▬▬▬▬ ▬▬ ▬▬▬ ▬ ▬▬▬ ▬▬▬▬ ▬ ▬▬ ▬▬▬ ▬▬ ▬▬▬ ▬ ▬▬▬▬ ▬▬ ▬▬▬ ▬▬ ▬ ▬▬▬▬▬ ▬▬ ▬▬▬ ▬ ▬▬▬ ▬▬▬▬ ▬ ▬▬ ▬▬▬ ▬▬ ▬▬▬ ▬ ▬▬▬▬ ▬▬ ▬▬▬ ▬▬ ▬ ▬▬▬▬▬ ▬▬ ▬▬▬ ▬ ▬▬▬ ▬▬▬▬ ▬ ▬▬ ▬▬▬ ▬▬ ▬▬▬ ▬ ▬▬▬▬ ▬▬ ▬▬▬ ▬▬ ▬ ▬▬▬▬▬ ▬▬ ▬▬▬ ▬ ▬▬▬ ▬▬▬▬ ▬ ▬▬ ▬▬▬ ▬▬ ▬▬▬ ▬ ▬▬▬▬ ▬▬ ▬▬▬ ▬▬ ▬ ▬▬▬▬▬ ▬▬ ▬▬▬ ▬ ▬▬▬ ▬▬▬▬ ▬ ▬▬ ▬▬▬ ▬▬ ▬▬▬ ▬ ▬▬▬▬ ▬▬ ▬▬▬ ▬▬ ▬ ▬▬▬▬▬ ▬▬ ▬▬▬ ▬ ▬▬▬ ▬▬▬▬ ▬ ▬▬ ▬▬▬ ▬▬ ▬▬▬ ▬ ▬▬▬▬ ▬▬ ▬▬▬ ▬▬ ▬ ▬▬▬▬▬ ▬▬ ▬▬▬ ▬ ▬▬▬ ▬▬▬▬ ▬ ▬▬ ▬▬▬ ▬▬ ▬▬▬ ▬ ▬▬▬▬ ▬▬ ▬▬▬ ▬▬ ▬ ▬▬▬▬▬ ▬▬ ▬▬▬ ▬ ▬▬▬ ▬▬▬▬ ▬ ▬▬ ▬▬▬ ▬▬ ▬▬▬ ▬ ▬▬▬▬ ▬▬ ▬▬▬ ▬▬ ▬ ▬▬▬▬▬ ▬▬ ▬▬▬ ▬ ▬▬▬ ▬▬▬▬ ▬ ▬▬ ▬▬▬ ▬▬ ▬▬▬ ▬ ▬▬▬▬ ▬▬ ▬▬▬ ▬▬ ▬ ▬▬▬▬▬ ▬▬ ▬▬▬ ▬ ▬▬▬ ▬▬▬▬ ▬ ▬▬ ▬▬▬ ▬▬ ▬▬▬ ▬ ▬▬▬▬ ▬▬ ▬▬▬ ▬▬ ▬ ▬▬▬▬▬ ▬▬ ▬▬▬ ▬ ▬▬▬ ▬▬▬▬ ▬ ▬▬ ▬▬▬ ▬▬ ▬▬▬ ▬ ▬▬▬▬ ▬▬ ▬▬▬ ▬▬ ▬ ▬▬▬▬▬ ▬▬ ▬▬▬ ▬ ▬▬▬ ▬▬▬▬ ▬ ▬▬ ▬▬▬ ▬▬ ▬▬▬ ▬ ▬▬▬▬ ▬▬ ▬▬▬ ▬▬ ▬ ▬▬▬▬▬ ▬▬ ▬▬▬ ▬ ▬▬▬ ▬▬▬▬ ▬ ▬▬ ▬▬▬ ▬▬ ▬▬▬ ▬ ▬▬▬▬ ▬▬ ▬▬▬ ▬▬ ▬ ▬▬▬▬▬ ▬▬ ▬▬▬ ▬ ▬▬▬ ▬▬▬▬ ▬ ▬▬ ▬▬▬ ▬▬ ▬▬▬ ▬ ▬▬▬▬ ▬▬ ▬▬▬ ▬▬ ▬ ▬▬▬▬▬ ▬▬ ▬▬▬ ▬ ▬▬▬ ▬▬▬▬ ▬ ▬▬ ▬▬▬ ▬▬ ▬▬▬ ▬ ▬▬▬▬ ▬▬ ▬▬▬ ▬▬ ▬ ▬▬▬▬▬ ▬▬ ▬▬▬ ▬ ▬▬▬ ▬▬▬▬ ▬ ▬▬ ▬▬▬ ▬▬ ▬▬▬ ▬ ▬▬▬▬ ▬▬ ▬

THE HOLIDAY FEVER.
(BY TELEGRAPH—PRESS ASSOCIATION.)

▬▬ ▬▬▬ ▬ ▬▬▬▬ ▬▬ ▬▬▬ ▬▬ ▬ ▬▬▬▬▬ ▬▬ ▬▬▬ ▬ ▬▬▬ ▬▬▬▬ ▬ ▬▬ ▬▬▬ ▬▬ ▬▬▬ ▬ ▬▬▬▬ ▬▬ ▬▬▬ ▬▬ ▬ ▬▬▬▬▬ ▬▬ ▬▬▬ ▬ ▬▬▬ ▬▬▬▬ ▬ ▬▬ ▬▬▬ ▬▬ ▬▬▬ ▬ ▬▬▬▬ ▬▬ ▬▬▬ ▬▬ ▬ ▬▬▬▬▬ ▬▬ ▬▬▬ ▬ ▬▬▬ ▬▬▬▬ ▬ ▬▬ ▬▬▬ ▬▬ ▬▬▬ ▬ ▬▬▬▬ ▬▬ ▬▬▬ ▬▬ ▬ ▬▬▬▬▬ ▬▬ ▬▬▬ ▬ ▬▬▬ ▬▬▬▬ ▬ ▬▬ ▬▬▬ ▬▬ ▬▬▬ ▬ ▬▬▬▬ ▬▬ ▬▬▬ ▬▬ ▬ ▬▬▬▬▬ ▬▬ ▬▬▬ ▬ ▬▬▬ ▬▬▬▬ ▬ ▬▬ ▬▬▬ ▬▬ ▬▬▬ ▬ ▬▬▬▬ ▬▬ ▬▬▬ ▬▬ ▬ ▬▬▬▬▬ ▬▬ ▬▬▬ ▬ ▬▬▬ ▬▬▬▬ ▬ ▬▬ ▬▬▬ ▬▬ ▬▬▬ ▬ ▬▬▬▬ ▬▬ ▬▬▬ ▬▬ ▬ ▬▬▬▬▬ ▬▬ ▬▬▬ ▬ ▬▬▬ ▬▬▬▬ ▬ ▬▬ ▬▬▬ ▬▬ ▬▬▬ ▬ ▬▬▬▬ ▬▬ ▬▬▬ ▬▬ ▬ ▬▬▬▬▬ ▬▬ ▬▬▬ ▬ ▬▬▬ ▬▬▬▬ ▬ ▬▬ ▬▬▬ ▬▬ ▬▬▬ ▬ ▬▬▬▬ ▬▬ ▬▬▬ ▬▬ ▬ ▬▬▬▬▬ ▬▬ ▬▬▬ ▬ ▬▬▬ ▬▬▬▬ ▬ ▬▬ ▬▬▬ ▬▬ ▬▬▬ ▬ ▬▬▬▬ ▬▬ ▬▬▬ ▬▬ ▬ ▬▬▬▬▬ ▬▬ ▬▬▬ ▬ ▬▬▬ ▬▬▬▬ ▬ ▬▬ ▬▬▬ ▬▬ ▬▬▬ ▬ ▬▬▬▬ ▬▬ ▬▬▬ ▬▬ ▬ ▬▬▬▬▬ ▬▬ ▬▬▬ ▬ ▬▬▬ ▬▬▬▬ ▬ ▬▬ ▬▬▬ ▬▬ ▬▬▬ ▬ ▬▬▬▬ ▬▬ ▬▬▬ ▬▬ ▬ ▬▬▬▬▬ ▬▬ ▬▬▬ ▬ ▬▬▬ ▬▬▬▬ ▬ ▬▬ ▬▬▬ ▬▬ ▬▬▬ ▬ ▬▬▬▬ ▬▬ ▬▬▬ ▬▬ ▬ ▬▬▬▬▬ ▬▬ ▬▬▬ ▬ ▬▬▬ ▬▬▬▬ ▬ ▬▬ ▬▬▬ ▬▬ ▬▬▬ ▬ ▬▬▬▬ ▬▬ ▬▬▬ ▬▬ ▬ ▬▬▬▬▬ ▬▬ ▬▬▬ ▬ ▬▬▬ ▬▬▬▬ ▬ ▬▬ ▬▬▬ ▬▬ ▬▬▬ ▬ ▬▬▬▬ ▬▬ ▬▬▬ ▬▬ ▬ ▬▬▬▬▬ ▬▬ ▬▬▬ ▬ ▬▬▬ ▬▬▬▬ ▬ ▬▬ ▬▬▬ ▬▬ ▬▬▬ ▬ ▬▬▬▬ ▬▬ ▬▬▬ ▬▬ ▬ ▬▬▬▬▬ ▬▬ ▬▬▬ ▬ ▬▬▬ ▬▬▬▬ ▬ ▬▬ ▬▬▬ ▬▬ ▬▬▬ ▬ ▬▬▬▬ ▬▬ ▬▬▬ ▬▬ ▬ ▬▬▬▬▬ ▬▬ ▬▬▬ ▬ ▬▬▬ ▬▬▬▬ ▬ ▬▬ ▬▬▬ ▬▬ ▬▬▬ ▬ ▬▬▬▬ ▬▬ ▬▬▬ ▬▬ ▬ ▬▬▬▬▬ ▬▬ ▬▬▬ ▬ ▬▬▬ ▬▬▬▬ ▬ ▬▬ ▬▬▬ ▬▬ ▬▬▬ ▬ ▬▬▬▬ ▬▬ ▬▬▬ ▬▬ ▬ ▬▬▬▬▬ ▬▬ ▬▬▬ ▬ ▬▬▬ ▬▬▬▬ ▬ ▬▬ ▬▬▬ ▬▬ ▬▬▬ ▬ ▬▬▬▬ ▬▬ ▬

"PRODUCTIVE POWER OF THE COUNTRY WOULD SUFFER."

▬▬ ▬▬▬ ▬ ▬▬▬▬ ▬▬ ▬▬▬ ▬▬ ▬ ▬▬▬▬▬ ▬▬ ▬▬▬ ▬ ▬▬▬ ▬▬▬▬ ▬ ▬▬ ▬▬▬ ▬▬ ▬▬▬ ▬ ▬▬▬▬ ▬▬ ▬▬▬ ▬▬ ▬ ▬▬▬▬▬ ▬▬ ▬▬▬ ▬ ▬▬▬ ▬▬▬▬ ▬ ▬▬ ▬▬▬ ▬▬ ▬▬▬ ▬ ▬▬▬▬ ▬▬ ▬▬▬ ▬▬ ▬ ▬▬▬▬▬ ▬▬ ▬▬▬ ▬ ▬▬▬ ▬▬▬▬ ▬ ▬▬ ▬▬▬ ▬▬ ▬▬▬ ▬ ▬▬▬▬ ▬▬ ▬▬▬ ▬▬ ▬ ▬▬▬▬▬ ▬▬ ▬▬▬ ▬ ▬▬▬ ▬▬▬▬ ▬ ▬▬ ▬▬▬ ▬▬ ▬▬▬ ▬ ▬▬▬▬ ▬▬ ▬▬▬ ▬▬ ▬ ▬▬▬▬▬ ▬▬ ▬▬▬ ▬ ▬▬▬ ▬▬▬▬ ▬ ▬▬ ▬▬▬ ▬▬ ▬▬▬ ▬ ▬▬▬▬ ▬▬ ▬▬▬ ▬▬ ▬ ▬▬▬▬▬ ▬▬ ▬▬▬ ▬ ▬▬▬ ▬▬▬▬ ▬ ▬▬ ▬▬▬ ▬▬ ▬▬▬ ▬ ▬▬▬▬ ▬▬ ▬▬▬ ▬▬ ▬ ▬▬▬▬▬ ▬▬ ▬▬▬ ▬ ▬▬▬ ▬▬▬▬ ▬ ▬▬ ▬▬▬ ▬▬ ▬▬▬ ▬ ▬▬▬▬ ▬▬ ▬▬▬ ▬▬ ▬ ▬▬▬▬▬ ▬▬ ▬▬▬ ▬ ▬▬▬ ▬▬▬▬ ▬ ▬▬ ▬▬▬ ▬▬ ▬▬▬ ▬ ▬▬▬▬ ▬▬ ▬▬▬ ▬▬ ▬ ▬▬▬▬▬ ▬▬ ▬▬▬ ▬ ▬▬▬ ▬▬▬▬ ▬ ▬▬ ▬▬▬ ▬▬ ▬▬▬ ▬ ▬▬▬▬ ▬▬ ▬▬▬ ▬▬ ▬ ▬▬▬▬▬ ▬▬ ▬▬▬ ▬ ▬▬▬ ▬▬▬▬ ▬ ▬▬ ▬▬▬ ▬▬ ▬▬▬ ▬ ▬▬▬▬ ▬▬ ▬▬▬ ▬▬ ▬ ▬▬▬▬▬ ▬▬ ▬▬▬ ▬ ▬▬▬ ▬▬▬▬ ▬ ▬▬ ▬▬▬ ▬▬ ▬▬▬ ▬ ▬▬▬▬ ▬▬ ▬▬▬ ▬▬ ▬ ▬▬▬▬▬ ▬▬ ▬▬▬ ▬ ▬▬▬ ▬▬▬▬ ▬ ▬▬ ▬▬▬ ▬▬ ▬▬▬ ▬ ▬▬▬▬ ▬▬ ▬▬▬ ▬▬ ▬ ▬▬▬▬▬ ▬▬ ▬▬▬ ▬ ▬▬▬ ▬▬▬▬ ▬ ▬▬ ▬▬▬ ▬▬ ▬▬▬ ▬ ▬▬▬▬ ▬▬ ▬▬▬ ▬▬ ▬ ▬▬▬▬▬ ▬▬ ▬▬▬ ▬ ▬▬▬ ▬▬▬▬ ▬ ▬▬ ▬▬▬ ▬▬ ▬▬▬ ▬ ▬▬▬▬ ▬▬ ▬▬▬ ▬▬ ▬ ▬▬▬▬▬ ▬▬ ▬▬▬ ▬ ▬▬▬ ▬▬▬▬ ▬ ▬▬ ▬▬▬ ▬▬ ▬▬▬ ▬ ▬▬▬▬ ▬▬ ▬▬▬ ▬▬ ▬ ▬▬▬▬▬ ▬▬ ▬▬▬ ▬ ▬▬▬ ▬▬▬▬ ▬ ▬▬ ▬▬▬ ▬▬ ▬▬▬ ▬ ▬▬▬▬ ▬▬ ▬▬▬ ▬▬ ▬ ▬▬▬▬▬ ▬▬ ▬▬▬ ▬ ▬▬▬ ▬▬▬▬ ▬ ▬▬ ▬▬▬ ▬▬ ▬▬▬ ▬ ▬▬▬▬ ▬▬ ▬▬▬ ▬▬ ▬ ▬▬▬▬▬ ▬▬ ▬▬▬ ▬ ▬▬▬ ▬▬▬▬ ▬ ▬▬ ▬▬▬ ▬▬ ▬▬▬ ▬ ▬▬▬▬ ▬▬ ▬▬▬ ▬▬ ▬ ▬▬▬▬▬ ▬▬ ▬▬▬ ▬ ▬▬▬ ▬▬▬▬ ▬ ▬▬ ▬▬▬ ▬▬ ▬▬▬ ▬ ▬▬▬▬ ▬▬ ▬

EMPLOYER v. WORKMAN.
(BY TELEGRAPH—PRESS ASSOCIATION.)

▬▬ ▬▬▬ ▬ ▬▬▬▬ ▬▬ ▬▬▬ ▬▬ ▬ ▬▬▬▬▬ ▬▬ ▬▬▬ ▬ ▬▬▬ ▬▬▬▬ ▬ ▬▬ ▬▬▬ ▬▬ ▬▬▬ ▬ ▬▬▬▬ ▬▬ ▬▬▬ ▬▬ ▬ ▬▬▬▬▬ ▬▬ ▬▬▬ ▬ ▬▬▬ ▬▬▬▬ ▬ ▬▬ ▬▬▬ ▬▬ ▬▬▬ ▬ ▬▬▬▬ ▬▬ ▬▬▬ ▬▬ ▬ ▬▬▬▬▬ ▬▬ ▬▬▬ ▬ ▬▬▬ ▬▬▬▬ ▬ ▬▬ ▬▬▬ ▬▬ ▬▬▬ ▬ ▬▬▬▬ ▬▬ ▬▬▬ ▬▬ ▬ ▬▬▬▬▬ ▬▬ ▬▬▬ ▬ ▬▬▬ ▬▬▬▬ ▬ ▬▬ ▬▬▬ ▬▬ ▬▬▬ ▬ ▬▬▬▬ ▬▬ ▬▬▬ ▬▬ ▬ ▬▬▬▬▬ ▬▬ ▬▬▬ ▬ ▬▬▬ ▬▬▬▬ ▬ ▬▬ ▬▬▬ ▬▬ ▬▬▬ ▬ ▬▬▬▬ ▬▬ ▬▬▬ ▬▬ ▬ ▬▬▬▬▬ ▬▬ ▬▬▬ ▬ ▬▬▬ ▬▬▬▬ ▬ ▬▬ ▬▬▬ ▬▬ ▬▬▬ ▬ ▬▬▬▬ ▬▬ ▬▬▬ ▬▬ ▬ ▬▬▬▬▬ ▬▬ ▬▬▬ ▬ ▬▬▬ ▬▬▬▬ ▬ ▬▬ ▬▬▬ ▬▬ ▬▬▬ ▬ ▬▬▬▬ ▬▬ ▬▬▬ ▬▬ ▬ ▬▬▬▬▬ ▬▬ ▬▬▬ ▬ ▬▬▬ ▬▬▬▬ ▬ ▬▬ ▬▬▬ ▬▬ ▬▬▬ ▬ ▬▬▬▬ ▬▬ ▬▬▬ ▬▬ ▬ ▬▬▬▬▬ ▬▬ ▬▬▬ ▬ ▬▬▬ ▬▬▬▬ ▬ ▬▬ ▬▬▬ ▬▬ ▬▬▬ ▬ ▬▬▬▬ ▬▬ ▬▬▬ ▬▬ ▬ ▬▬▬▬▬ ▬▬ ▬▬▬ ▬ ▬▬▬ ▬▬▬▬ ▬ ▬▬ ▬▬▬ ▬▬ ▬▬▬ ▬ ▬▬▬▬ ▬▬ ▬▬▬ ▬▬ ▬ ▬▬▬▬▬ ▬▬ ▬▬▬ ▬ ▬▬▬ ▬▬▬▬ ▬ ▬▬ ▬▬▬ ▬▬ ▬▬▬ ▬ ▬▬▬▬ ▬▬ ▬▬▬ ▬▬ ▬ ▬▬▬▬▬ ▬▬ ▬▬▬ ▬ ▬▬▬ ▬▬▬▬ ▬ ▬▬ ▬▬▬ ▬▬ ▬▬▬ ▬ ▬▬▬▬ ▬▬ ▬▬▬ ▬▬ ▬ ▬▬▬▬▬ ▬▬ ▬▬▬ ▬ ▬▬▬ ▬▬▬▬ ▬ ▬▬ ▬▬▬ ▬▬ ▬▬▬ ▬ ▬▬▬▬ ▬▬ ▬▬▬ ▬▬ ▬ ▬▬▬▬▬ ▬▬ ▬▬▬ ▬ ▬▬▬ ▬▬▬▬ ▬ ▬▬ ▬▬▬ ▬▬ ▬▬▬ ▬ ▬▬▬▬ ▬▬ ▬▬▬ ▬▬ ▬ ▬▬▬▬▬ ▬▬ ▬▬▬ ▬ ▬▬▬ ▬▬▬▬ ▬ ▬▬ ▬▬▬ ▬▬ ▬▬▬ ▬ ▬▬▬▬ ▬▬ ▬▬▬ ▬▬ ▬ ▬▬▬▬▬ ▬▬ ▬▬▬ ▬ ▬▬▬ ▬▬▬▬ ▬ ▬▬ ▬▬▬ ▬▬ ▬▬▬ ▬ ▬▬▬▬ ▬▬ ▬▬▬ ▬▬ ▬ ▬▬▬▬▬ ▬▬ ▬▬▬ ▬ ▬▬▬ ▬▬▬▬ ▬ ▬▬ ▬▬▬ ▬▬ ▬▬▬ ▬ ▬▬▬▬ ▬▬ ▬▬▬ ▬▬ ▬ ▬▬▬▬▬ ▬▬ ▬▬▬ ▬ ▬▬▬ ▬▬▬▬ ▬ ▬▬ ▬▬▬ ▬▬ ▬▬▬ ▬ ▬▬▬▬ ▬▬ ▬▬▬ ▬▬ ▬ ▬▬▬▬▬ ▬▬ ▬▬▬ ▬ ▬▬▬ ▬▬▬▬ ▬ ▬▬ ▬▬▬ ▬▬ ▬▬▬ ▬ ▬▬▬▬ ▬▬ ▬

MORE TROUBLE.

▬▬ ▬▬▬ ▬ ▬▬▬▬ ▬▬ ▬▬▬ ▬▬ ▬ ▬▬▬▬▬ ▬▬ ▬▬▬ ▬ ▬▬▬ ▬▬▬▬ ▬ ▬▬ ▬▬▬ ▬▬ ▬▬▬ ▬ ▬▬▬▬ ▬▬ ▬▬▬ ▬▬ ▬ ▬▬▬▬▬ ▬▬ ▬▬▬ ▬ ▬▬▬ ▬▬▬▬ ▬ ▬▬ ▬▬▬ ▬▬ ▬▬▬ ▬ ▬▬▬▬ ▬▬ ▬▬▬ ▬▬ ▬ ▬▬▬▬▬ ▬▬ ▬▬▬ ▬ ▬▬▬ ▬▬▬▬ ▬ ▬▬ ▬▬▬ ▬▬ ▬▬▬ ▬ ▬▬▬▬ ▬▬ ▬▬▬ ▬▬ ▬ ▬▬▬▬▬ ▬▬ ▬▬▬ ▬ ▬▬▬ ▬▬▬▬ ▬ ▬▬ ▬▬▬ ▬▬ ▬▬▬ ▬ ▬▬▬▬ ▬▬ ▬▬▬ ▬▬ ▬ ▬▬▬▬▬ ▬▬ ▬▬▬ ▬ ▬▬▬ ▬▬▬▬ ▬ ▬▬ ▬▬▬ ▬▬ ▬▬▬ ▬ ▬▬▬▬ ▬▬ ▬▬▬ ▬▬ ▬ ▬▬▬▬▬ ▬▬ ▬▬▬ ▬ ▬▬▬ ▬▬▬▬ ▬ ▬▬ ▬▬▬ ▬▬ ▬▬▬ ▬ ▬▬▬▬ ▬▬ ▬▬▬ ▬▬ ▬ ▬▬▬▬▬ ▬▬ ▬▬▬ ▬ ▬▬▬ ▬▬▬▬ ▬ ▬▬ ▬▬▬ ▬▬ ▬▬▬ ▬ ▬▬▬▬ ▬▬ ▬▬▬ ▬▬ ▬ ▬▬▬▬▬ ▬▬ ▬▬▬ ▬ ▬▬▬ ▬▬▬▬ ▬ ▬▬ ▬▬▬ ▬▬ ▬▬▬ ▬ ▬▬▬▬ ▬▬ ▬▬▬ ▬▬ ▬ ▬▬▬▬▬ ▬▬ ▬▬▬ ▬ ▬▬▬ ▬▬▬▬ ▬ ▬▬ ▬▬▬ ▬▬ ▬▬▬ ▬ ▬▬▬▬ ▬▬ ▬▬▬ ▬▬ ▬ ▬▬▬▬▬ ▬▬ ▬▬▬ ▬ ▬▬▬ ▬▬▬▬ ▬ ▬▬ ▬▬▬ ▬▬ ▬▬▬ ▬ ▬▬▬▬ ▬▬ ▬▬▬ ▬▬ ▬ ▬▬▬▬▬ ▬▬ ▬▬▬ ▬ ▬▬▬ ▬▬▬▬ ▬ ▬▬ ▬▬▬ ▬▬ ▬▬▬ ▬ ▬▬▬▬ ▬▬ ▬▬▬ ▬▬ ▬ ▬▬▬▬▬ ▬▬ ▬▬▬ ▬ ▬▬▬ ▬▬▬▬ ▬ ▬▬ ▬▬▬ ▬▬ ▬▬▬ ▬ ▬▬▬▬ ▬▬ ▬▬▬ ▬▬ ▬ ▬▬▬▬▬ ▬▬ ▬▬▬ ▬ ▬▬▬ ▬▬▬▬ ▬ ▬▬ ▬▬▬ ▬▬ ▬▬▬ ▬ ▬▬▬▬ ▬▬ ▬▬▬ ▬▬ ▬ ▬▬▬▬▬ ▬▬ ▬▬▬ ▬ ▬▬▬ ▬▬▬▬ ▬ ▬▬ ▬▬▬ ▬▬ ▬▬▬ ▬ ▬▬▬▬ ▬▬ ▬▬▬ ▬▬ ▬ ▬▬▬▬▬ ▬▬ ▬▬▬ ▬ ▬▬▬ ▬▬▬▬ ▬ ▬▬ ▬▬▬ ▬▬ ▬▬▬ ▬ ▬▬▬▬ ▬▬ ▬▬▬ ▬▬ ▬ ▬▬▬▬▬ ▬▬ ▬▬▬ ▬ ▬▬▬ ▬▬▬▬ ▬ ▬▬ ▬▬▬ ▬▬ ▬▬▬ ▬ ▬▬▬▬ ▬▬ ▬▬▬ ▬▬ ▬ ▬▬▬▬▬ ▬▬ ▬▬▬ ▬ ▬▬▬ ▬▬▬▬ ▬ ▬▬ ▬▬▬ ▬▬ ▬▬▬ ▬ ▬▬▬▬ ▬▬ ▬▬▬ ▬▬ ▬ ▬▬▬▬▬ ▬▬ ▬▬▬ ▬ ▬▬▬ ▬▬▬▬ ▬ ▬▬ ▬▬▬ ▬▬ ▬▬▬ ▬ ▬▬▬▬ ▬▬ ▬▬▬ ▬▬ ▬ ▬▬▬▬▬ ▬▬ ▬▬▬ ▬ ▬▬▬ ▬▬▬▬ ▬ ▬▬ ▬▬▬ ▬▬ ▬▬▬ ▬ ▬▬▬▬ ▬▬ ▬

OPERATIVE BAKERS' UNION.

▬▬ ▬▬▬ ▬ ▬▬▬▬ ▬▬ ▬▬▬ ▬▬ ▬ ▬▬▬▬▬ ▬▬ ▬▬▬ ▬ ▬▬▬ ▬▬▬▬ ▬ ▬▬ ▬▬▬ ▬▬ ▬▬▬ ▬ ▬▬▬▬ ▬▬ ▬▬▬ ▬▬ ▬ ▬▬▬▬▬ ▬▬ ▬▬▬ ▬ ▬▬▬ ▬▬▬▬ ▬ ▬▬ ▬▬▬ ▬▬ ▬▬▬ ▬ ▬▬▬▬ ▬▬ ▬▬▬ ▬▬ ▬ ▬▬▬▬▬ ▬▬ ▬▬▬ ▬ ▬▬▬ ▬▬▬▬ ▬ ▬▬ ▬▬▬ ▬▬ ▬▬▬ ▬ ▬▬▬▬ ▬▬ ▬▬▬ ▬▬ ▬ ▬▬▬▬▬ ▬▬ ▬▬▬ ▬ ▬▬▬ ▬▬▬▬ ▬ ▬▬ ▬▬▬ ▬▬ ▬▬▬ ▬ ▬▬▬▬ ▬▬ ▬▬▬ ▬▬ ▬ ▬▬▬▬▬ ▬▬ ▬▬▬ ▬ ▬▬▬ ▬▬▬▬ ▬ ▬▬ ▬▬▬ ▬▬ ▬▬▬ ▬ ▬▬▬▬ ▬▬ ▬▬▬ ▬▬ ▬ ▬▬▬▬▬ ▬▬ ▬▬▬ ▬ ▬▬▬ ▬▬▬▬ ▬ ▬▬ ▬▬▬ ▬▬ ▬▬▬ ▬ ▬▬▬▬ ▬▬ ▬▬▬ ▬▬ ▬ ▬▬▬▬▬ ▬▬ ▬▬▬ ▬ ▬▬▬ ▬▬▬▬ ▬ ▬▬ ▬▬▬ ▬▬ ▬▬▬ ▬ ▬▬▬▬ ▬▬ ▬▬▬ ▬▬ ▬ ▬▬▬▬▬ ▬▬ ▬▬▬ ▬ ▬▬▬ ▬▬▬▬ ▬ ▬▬ ▬▬▬ ▬▬ ▬▬▬ ▬ ▬▬▬▬ ▬▬ ▬▬▬ ▬▬ ▬ ▬▬▬▬▬ ▬▬ ▬▬▬ ▬ ▬▬▬ ▬▬▬▬ ▬ ▬▬ ▬▬▬ ▬▬ ▬▬▬ ▬ ▬▬▬▬ ▬▬ ▬▬▬ ▬▬ ▬ ▬▬▬▬▬ ▬▬ ▬▬▬ ▬ ▬▬▬ ▬▬▬▬ ▬ ▬▬ ▬▬▬ ▬▬ ▬▬▬ ▬ ▬▬▬▬ ▬▬ ▬▬▬ ▬▬ ▬ ▬▬▬▬▬ ▬▬ ▬▬▬ ▬ ▬▬▬ ▬▬▬▬ ▬ ▬▬ ▬▬▬ ▬▬ ▬▬▬ ▬ ▬▬▬▬ ▬▬ ▬▬▬ ▬▬ ▬ ▬▬▬▬▬ ▬▬ ▬▬▬ ▬ ▬▬▬ ▬▬▬▬ ▬ ▬▬ ▬▬▬ ▬▬ ▬▬▬ ▬ ▬▬▬▬ ▬▬ ▬▬▬ ▬▬ ▬ ▬▬▬▬▬ ▬▬ ▬▬▬ ▬ ▬▬▬ ▬▬▬▬ ▬ ▬▬ ▬▬▬ ▬▬ ▬▬▬ ▬ ▬▬▬▬ ▬▬ ▬▬▬ ▬▬ ▬ ▬▬▬▬▬ ▬▬ ▬▬▬ ▬ ▬▬▬ ▬▬▬▬ ▬ ▬▬ ▬▬▬ ▬▬ ▬▬▬ ▬ ▬▬▬▬ ▬▬ ▬▬▬ ▬▬ ▬ ▬▬▬▬▬ ▬▬ ▬▬▬ ▬ ▬▬▬ ▬▬▬▬ ▬ ▬▬ ▬▬▬ ▬▬ ▬▬▬ ▬ ▬▬▬▬ ▬▬ ▬▬▬ ▬▬ ▬ ▬▬▬▬▬ ▬▬ ▬▬▬ ▬ ▬▬▬ ▬▬▬▬ ▬ ▬▬ ▬▬▬ ▬▬ ▬▬▬ ▬ ▬▬▬▬ ▬▬ ▬▬▬ ▬▬ ▬ ▬▬▬▬▬ ▬▬ ▬▬▬ ▬ ▬▬▬ ▬▬▬▬ ▬ ▬▬ ▬▬▬ ▬▬ ▬▬▬ ▬ ▬▬▬▬ ▬▬ ▬▬▬ ▬▬ ▬ ▬▬▬▬▬ ▬▬ ▬▬▬ ▬ ▬▬▬ ▬▬▬▬ ▬ ▬▬ ▬▬▬ ▬▬ ▬▬▬ ▬ ▬▬▬▬ ▬▬ ▬▬▬ ▬▬ ▬ ▬▬▬▬▬ ▬▬ ▬▬▬ ▬ ▬▬▬ ▬▬▬▬ ▬ ▬▬ ▬▬▬ ▬▬ ▬▬▬ ▬ ▬▬▬▬ ▬▬ ▬

Woods' Great Peppermint Cure for Coughs and Colds never fails. 1s. 6d. 2s. 6d.
NEW ZEALAND NEWS.
(BY TELEGRAPH—PRESS ASSOCIATION.)

▬▬ ▬▬▬ ▬ ▬▬▬▬ ▬▬ ▬▬▬ ▬▬ ▬ ▬▬▬▬▬ ▬▬ ▬▬▬ ▬ ▬▬▬ ▬▬▬▬ ▬ ▬▬ ▬▬▬ ▬▬ ▬▬▬ ▬ ▬▬▬▬ ▬▬ ▬▬▬ ▬▬ ▬ ▬▬▬▬▬ ▬▬ ▬▬▬ ▬ ▬▬▬ ▬▬▬▬ ▬ ▬▬ ▬▬▬ ▬▬ ▬▬▬ ▬ ▬▬▬▬ ▬▬ ▬▬▬ ▬▬ ▬ ▬▬▬▬▬ ▬▬ ▬▬▬ ▬ ▬▬▬ ▬▬▬▬ ▬ ▬▬ ▬▬▬ ▬▬ ▬▬▬ ▬ ▬▬▬▬ ▬▬ ▬▬▬ ▬▬ ▬ ▬▬▬▬▬ ▬▬ ▬▬▬ ▬ ▬▬▬ ▬▬▬▬ ▬ ▬▬ ▬▬▬ ▬▬ ▬▬▬ ▬ ▬▬▬▬ ▬▬ ▬▬▬ ▬▬ ▬ ▬▬▬▬▬ ▬▬ ▬▬▬ ▬ ▬▬▬ ▬▬▬▬ ▬ ▬▬ ▬▬▬ ▬▬ ▬▬▬ ▬ ▬▬▬▬ ▬▬ ▬▬▬ ▬▬ ▬ ▬▬▬▬▬ ▬▬ ▬▬▬ ▬ ▬▬▬ ▬▬▬▬ ▬ ▬▬ ▬▬▬ ▬▬ ▬▬▬ ▬ ▬▬▬▬ ▬▬ ▬▬▬ ▬▬ ▬ ▬▬▬▬▬ ▬▬ ▬▬▬ ▬ ▬▬▬ ▬▬▬▬ ▬

TRAINING SHIP.

▬▬ ▬▬▬ ▬ ▬▬▬▬ ▬▬ ▬▬▬ ▬▬ ▬ ▬▬▬▬▬ ▬▬ ▬▬▬ ▬ ▬▬▬ ▬▬▬▬ ▬ ▬▬ ▬▬▬ ▬▬ ▬▬▬ ▬ ▬▬▬▬ ▬▬ ▬▬▬ ▬▬ ▬ ▬▬▬▬▬ ▬▬ ▬▬▬ ▬ ▬▬▬ ▬▬▬▬ ▬ ▬▬ ▬▬▬ ▬▬ ▬▬▬ ▬ ▬▬▬▬ ▬▬ ▬▬▬ ▬▬ ▬ ▬▬▬▬▬ ▬▬ ▬▬▬ ▬ ▬▬▬ ▬▬▬▬ ▬ ▬▬ ▬▬▬ ▬▬ ▬▬▬ ▬ ▬▬▬▬ ▬▬ ▬▬▬ ▬▬ ▬ ▬▬▬▬▬ ▬▬ ▬▬▬ ▬ ▬▬▬ ▬▬▬▬ ▬ ▬▬ ▬▬▬ ▬▬ ▬▬▬ ▬ ▬▬▬▬ ▬▬ ▬▬▬ ▬▬ ▬ ▬▬▬▬▬ ▬▬ ▬▬▬ ▬ ▬▬▬ ▬▬▬▬ ▬ ▬▬ ▬▬▬ ▬▬ ▬▬▬ ▬ ▬▬▬▬ ▬▬ ▬▬▬ ▬▬ ▬ ▬▬▬▬▬ ▬▬ ▬▬▬ ▬ ▬▬▬ ▬▬▬▬ ▬ ▬▬ ▬▬▬ ▬▬ ▬▬▬ ▬ ▬▬▬▬ ▬▬ ▬▬▬ ▬▬ ▬ ▬▬▬▬▬ ▬▬ ▬▬▬ ▬ ▬▬▬ ▬▬▬▬ ▬

THE UNION S.S. COMPANY'S PROPOSAL.

▬▬ ▬▬▬ ▬ ▬▬▬▬ ▬▬ ▬▬▬ ▬▬ ▬ ▬▬▬▬▬ ▬▬ ▬▬▬ ▬ ▬▬▬ ▬▬▬▬ ▬ ▬▬ ▬▬▬ ▬▬ ▬▬▬ ▬ ▬▬▬▬ ▬▬ ▬▬▬ ▬▬ ▬ ▬▬▬▬▬ ▬▬ ▬▬▬ ▬ ▬▬▬ ▬▬▬▬ ▬ ▬▬ ▬▬▬ ▬▬ ▬▬▬ ▬ ▬▬▬▬ ▬▬ ▬▬▬ ▬▬ ▬ ▬▬▬▬▬ ▬▬ ▬▬▬ ▬ ▬▬▬ ▬▬▬▬ ▬ ▬▬ ▬▬▬ ▬▬ ▬▬▬ ▬ ▬▬▬▬ ▬▬ ▬▬▬ ▬▬ ▬ ▬▬▬▬▬ ▬▬ ▬▬▬ ▬ ▬▬▬ ▬▬▬▬ ▬ ▬▬ ▬▬▬ ▬▬ ▬▬▬ ▬ ▬▬▬▬ ▬▬ ▬▬▬ ▬▬ ▬ ▬▬▬▬▬ ▬▬ ▬▬▬ ▬ ▬▬▬ ▬▬▬▬ ▬ ▬▬ ▬▬▬ ▬▬ ▬▬▬ ▬ ▬▬▬▬ ▬▬ ▬▬▬ ▬▬ ▬ ▬▬▬▬▬ ▬▬ ▬▬▬ ▬ ▬▬▬ ▬▬▬▬ ▬ ▬▬ ▬▬▬ ▬▬ ▬▬▬ ▬ ▬▬▬▬ ▬▬ ▬▬▬ ▬▬ ▬ ▬▬▬▬▬ ▬▬ ▬▬▬ ▬ ▬▬▬ ▬▬▬▬ ▬

UNITED STATES FLEET.

▬▬ ▬▬▬ ▬ ▬▬▬▬ ▬▬ ▬▬▬ ▬▬ ▬ ▬▬▬▬▬ ▬▬ ▬▬▬ ▬ ▬▬▬ ▬▬▬▬ ▬ ▬▬ ▬▬▬ ▬▬ ▬▬▬ ▬ ▬▬▬▬ ▬▬ ▬▬▬ ▬▬ ▬ ▬▬▬▬▬ ▬▬ ▬▬▬ ▬ ▬▬▬ ▬▬▬▬ ▬ ▬▬ ▬▬▬ ▬▬ ▬▬▬ ▬ ▬▬▬▬ ▬▬ ▬▬▬ ▬▬ ▬ ▬▬▬▬▬ ▬▬ ▬▬▬ ▬ ▬▬▬ ▬▬▬▬ ▬ ▬▬ ▬▬▬ ▬▬ ▬▬▬ ▬ ▬▬▬▬ ▬▬ ▬▬▬ ▬▬ ▬ ▬▬▬▬▬ ▬▬ ▬▬▬ ▬ ▬▬▬ ▬▬▬▬ ▬ ▬▬ ▬▬▬ ▬▬ ▬▬▬ ▬ ▬▬▬▬ ▬▬ ▬▬▬ ▬▬ ▬ ▬▬▬▬▬ ▬▬ ▬▬▬ ▬ ▬▬▬ ▬▬▬▬ ▬ ▬▬ ▬▬▬ ▬▬ ▬▬▬ ▬ ▬▬▬▬ ▬▬ ▬▬▬ ▬▬ ▬ ▬▬▬▬▬ ▬▬ ▬▬▬ ▬ ▬▬▬ ▬▬▬▬ ▬ ▬▬ ▬▬▬ ▬▬ ▬▬▬ ▬ ▬▬▬▬ ▬▬ ▬▬▬ ▬▬ ▬ ▬▬▬▬▬ ▬▬ ▬▬▬ ▬ ▬▬▬ ▬▬▬▬ ▬

A NEW CHAPEL.

▬▬ ▬▬▬ ▬ ▬▬▬▬ ▬▬ ▬▬▬ ▬▬ ▬ ▬▬▬▬▬ ▬▬ ▬▬▬ ▬ ▬▬▬ ▬▬▬▬ ▬ ▬▬ ▬▬▬ ▬▬ ▬▬▬ ▬ ▬▬▬▬ ▬▬ ▬▬▬ ▬▬ ▬ ▬▬▬▬▬ ▬▬ ▬▬▬ ▬ ▬▬▬ ▬▬▬▬ ▬ ▬▬ ▬▬▬ ▬▬ ▬▬▬ ▬ ▬▬▬▬ ▬▬ ▬▬▬ ▬▬ ▬ ▬▬▬▬▬ ▬▬ ▬▬▬ ▬ ▬▬▬ ▬▬▬▬ ▬ ▬▬ ▬▬▬ ▬▬ ▬▬▬ ▬ ▬▬▬▬ ▬▬ ▬▬▬ ▬▬ ▬ ▬▬▬▬▬ ▬▬ ▬▬▬ ▬ ▬▬▬ ▬▬▬▬ ▬ ▬▬ ▬▬▬ ▬▬ ▬▬▬ ▬ ▬▬▬▬ ▬▬ ▬▬▬ ▬▬ ▬ ▬▬▬▬▬ ▬▬ ▬▬▬ ▬ ▬▬▬ ▬▬▬▬ ▬ ▬▬ ▬▬▬ ▬▬ ▬▬▬ ▬ ▬▬▬▬ ▬▬ ▬▬▬ ▬▬ ▬ ▬▬▬▬▬ ▬▬ ▬▬▬ ▬ ▬▬▬ ▬▬▬▬ ▬ ▬▬ ▬▬▬ ▬▬ ▬▬▬ ▬ ▬▬▬▬ ▬▬ ▬▬▬ ▬▬ ▬ ▬▬▬▬▬ ▬▬ ▬▬▬ ▬ ▬▬▬ ▬▬▬▬ ▬

MOTOR GARAGE ON FIRE.

▬▬ ▬▬▬ ▬ ▬▬▬▬ ▬▬ ▬▬▬ ▬▬ ▬ ▬▬▬▬▬ ▬▬ ▬▬▬ ▬ ▬▬▬ ▬▬▬▬ ▬ ▬▬ ▬▬▬ ▬▬ ▬▬▬ ▬ ▬▬▬▬ ▬▬ ▬▬▬ ▬▬ ▬ ▬▬▬▬▬ ▬▬ ▬▬▬ ▬ ▬▬▬ ▬▬▬▬ ▬ ▬▬ ▬▬▬ ▬▬ ▬▬▬ ▬ ▬▬▬▬ ▬▬ ▬▬▬ ▬▬ ▬ ▬▬▬▬▬ ▬▬ ▬▬▬ ▬ ▬▬▬ ▬▬▬▬ ▬ ▬▬ ▬▬▬ ▬▬ ▬▬▬ ▬ ▬▬▬▬ ▬▬ ▬▬▬ ▬▬ ▬ ▬▬▬▬▬ ▬▬ ▬▬▬ ▬ ▬▬▬ ▬▬▬▬ ▬ ▬▬ ▬▬▬ ▬▬ ▬▬▬ ▬ ▬▬▬▬ ▬▬ ▬▬▬ ▬▬ ▬ ▬▬▬▬▬ ▬▬ ▬▬▬ ▬ ▬▬▬ ▬▬▬▬ ▬ ▬▬ ▬▬▬ ▬▬ ▬▬▬ ▬ ▬▬▬▬ ▬▬ ▬▬▬ ▬▬ ▬ ▬▬▬▬▬ ▬▬ ▬▬▬ ▬ ▬▬▬ ▬▬▬▬ ▬ ▬▬ ▬▬▬ ▬▬ ▬▬▬ ▬ ▬▬▬▬ ▬▬ ▬▬▬ ▬▬ ▬ ▬▬▬▬▬ ▬▬ ▬▬▬ ▬ ▬▬▬ ▬▬▬▬ ▬

PROMOTION OF TEACHERS.

▬▬ ▬▬▬ ▬ ▬▬▬▬ ▬▬ ▬▬▬ ▬▬ ▬ ▬▬▬▬▬ ▬▬ ▬▬▬ ▬ ▬▬▬ ▬▬▬▬ ▬ ▬▬ ▬▬▬ ▬▬ ▬▬▬ ▬ ▬▬▬▬ ▬▬ ▬▬▬ ▬▬ ▬ ▬▬▬▬▬ ▬▬ ▬▬▬ ▬ ▬▬▬ ▬▬▬▬ ▬ ▬▬ ▬▬▬ ▬▬ ▬▬▬ ▬ ▬▬▬▬ ▬▬ ▬▬▬ ▬▬ ▬ ▬▬▬▬▬ ▬▬ ▬▬▬ ▬ ▬▬▬ ▬▬▬▬ ▬ ▬▬ ▬▬▬ ▬▬ ▬▬▬ ▬ ▬▬▬▬ ▬▬ ▬▬▬ ▬▬ ▬ ▬▬▬▬▬ ▬▬ ▬▬▬ ▬ ▬▬▬ ▬▬▬▬ ▬ ▬▬ ▬▬▬ ▬▬ ▬▬▬ ▬ ▬▬▬▬ ▬▬ ▬▬▬ ▬▬ ▬ ▬▬▬▬▬ ▬▬ ▬▬▬ ▬ ▬▬▬ ▬▬▬▬ ▬ ▬▬ ▬▬▬ ▬▬ ▬▬▬ ▬ ▬▬▬▬ ▬▬ ▬▬▬ ▬▬ ▬ ▬▬▬▬▬ ▬▬ ▬▬▬ ▬ ▬▬▬ ▬▬▬▬ ▬ ▬▬ ▬▬▬ ▬▬ ▬▬▬ ▬ ▬▬▬▬ ▬▬ ▬▬▬ ▬▬ ▬ ▬▬▬▬▬ ▬▬ ▬▬▬ ▬ ▬▬▬ ▬▬▬▬ ▬

ROWDYISM.

▬▬ ▬▬▬ ▬ ▬▬▬▬ ▬▬ ▬▬▬ ▬▬ ▬ ▬▬▬▬▬ ▬▬ ▬▬▬ ▬ ▬▬▬ ▬▬▬▬ ▬ ▬▬ ▬▬▬ ▬▬ ▬▬▬ ▬ ▬▬▬▬ ▬▬ ▬▬▬ ▬▬ ▬ ▬▬▬▬▬ ▬▬ ▬▬▬ ▬ ▬▬▬ ▬▬▬▬ ▬ ▬▬ ▬▬▬ ▬▬ ▬▬▬ ▬ ▬▬▬▬ ▬▬ ▬▬▬ ▬▬ ▬ ▬▬▬▬▬ ▬▬ ▬▬▬ ▬ ▬▬▬ ▬▬▬▬ ▬ ▬▬ ▬▬▬ ▬▬ ▬▬▬ ▬ ▬▬▬▬ ▬▬ ▬▬▬ ▬▬ ▬ ▬▬▬▬▬ ▬▬ ▬▬▬ ▬ ▬▬▬ ▬▬▬▬ ▬ ▬▬ ▬▬▬ ▬▬ ▬▬▬ ▬ ▬▬▬▬ ▬▬ ▬▬▬ ▬▬ ▬ ▬▬▬▬▬ ▬▬ ▬▬▬ ▬ ▬▬▬ ▬▬▬▬ ▬ ▬▬ ▬▬▬ ▬▬ ▬▬▬ ▬ ▬▬▬▬ ▬▬ ▬▬▬ ▬▬ ▬ ▬▬▬▬▬ ▬▬ ▬▬▬ ▬ ▬▬▬ ▬▬▬▬ ▬ ▬▬ ▬▬▬ ▬▬ ▬▬▬ ▬ ▬▬▬▬ ▬▬ ▬▬▬ ▬▬ ▬ ▬▬▬▬▬ ▬▬ ▬▬▬ ▬ ▬▬▬ ▬▬▬▬ ▬

LOSS OF MEMORY

▬▬ ▬▬▬ ▬ ▬▬▬▬ ▬▬ ▬▬▬ ▬▬ ▬ ▬▬▬▬▬ ▬▬ ▬▬▬ ▬ ▬▬▬ ▬▬▬▬ ▬ ▬▬ ▬▬▬ ▬▬ ▬▬▬ ▬ ▬▬▬▬ ▬▬ ▬▬▬ ▬▬ ▬ ▬▬▬▬▬ ▬▬ ▬▬▬ ▬ ▬▬▬ ▬▬▬▬ ▬ ▬▬ ▬▬▬ ▬▬ ▬▬▬ ▬ ▬▬▬▬ ▬▬ ▬▬▬ ▬▬ ▬ ▬▬▬▬▬ ▬▬ ▬▬▬ ▬ ▬▬▬ ▬▬▬▬ ▬ ▬▬ ▬▬▬ ▬▬ ▬▬▬ ▬ ▬▬▬▬ ▬▬ ▬▬▬ ▬▬ ▬ ▬▬▬▬▬ ▬▬ ▬▬▬ ▬ ▬▬▬ ▬▬▬▬ ▬ ▬▬ ▬▬▬ ▬▬ ▬▬▬ ▬ ▬▬▬▬ ▬▬ ▬▬▬ ▬▬ ▬ ▬▬▬▬▬ ▬▬ ▬▬▬ ▬ ▬▬▬ ▬▬▬▬ ▬ ▬▬ ▬▬▬ ▬▬ ▬▬▬ ▬ ▬▬▬▬ ▬▬ ▬▬▬ ▬▬ ▬ ▬▬▬▬▬ ▬▬ ▬▬▬ ▬ ▬▬▬ ▬▬▬▬ ▬ ▬▬ ▬▬▬ ▬▬ ▬▬▬ ▬ ▬▬▬▬ ▬▬ ▬▬▬ ▬▬ ▬ ▬▬▬▬▬ ▬▬ ▬▬▬ ▬ ▬▬▬ ▬▬▬▬ ▬

CHRISTCHURCH FIRE BOARD.

▬▬ ▬▬▬ ▬ ▬▬▬▬ ▬▬ ▬▬▬ ▬▬ ▬ ▬▬▬▬▬ ▬▬ ▬▬▬ ▬ ▬▬▬ ▬▬▬▬ ▬ ▬▬ ▬▬▬ ▬▬ ▬▬▬ ▬ ▬▬▬▬ ▬▬ ▬▬▬ ▬▬ ▬ ▬▬▬▬▬ ▬▬ ▬▬▬ ▬ ▬▬▬ ▬▬▬▬ ▬ ▬▬ ▬▬▬ ▬▬ ▬▬▬ ▬ ▬▬▬▬ ▬▬ ▬▬▬ ▬▬ ▬ ▬▬▬▬▬ ▬▬ ▬▬▬ ▬ ▬▬▬ ▬▬▬▬ ▬ ▬▬ ▬▬▬ ▬▬ ▬▬▬ ▬ ▬▬▬▬ ▬▬ ▬▬▬ ▬▬ ▬ ▬▬▬▬▬ ▬▬ ▬▬▬ ▬ ▬▬▬ ▬▬▬▬ ▬ ▬▬ ▬▬▬ ▬▬ ▬▬▬ ▬ ▬▬▬▬ ▬▬ ▬▬▬ ▬▬ ▬ ▬▬▬▬▬ ▬▬ ▬▬▬ ▬ ▬▬▬ ▬▬▬▬ ▬ ▬▬ ▬▬▬ ▬▬ ▬▬▬ ▬ ▬▬▬▬ ▬▬ ▬▬▬ ▬▬ ▬ ▬▬▬▬▬ ▬▬ ▬▬▬ ▬ ▬▬▬ ▬▬▬▬ ▬ ▬▬ ▬▬▬ ▬▬ ▬▬▬ ▬ ▬▬▬▬ ▬▬ ▬▬▬ ▬▬ ▬ ▬▬▬▬▬ ▬▬ ▬▬▬ ▬ ▬▬▬ ▬▬▬▬ ▬

BETTERMENT OF THE MAORI.

▬▬ ▬▬▬ ▬ ▬▬▬▬ ▬▬ ▬▬▬ ▬▬ ▬ ▬▬▬▬▬ ▬▬ ▬▬▬ ▬ ▬▬▬ ▬▬▬▬ ▬ ▬▬ ▬▬▬ ▬▬ ▬▬▬ ▬ ▬▬▬▬ ▬▬ ▬▬▬ ▬▬ ▬ ▬▬▬▬▬ ▬▬ ▬▬▬ ▬ ▬▬▬ ▬▬▬▬ ▬ ▬▬ ▬▬▬ ▬▬ ▬▬▬ ▬ ▬▬▬▬ ▬▬ ▬▬▬ ▬▬ ▬ ▬▬▬▬▬ ▬▬ ▬▬▬ ▬ ▬▬▬ ▬▬▬▬ ▬ ▬▬ ▬▬▬ ▬▬ ▬▬▬ ▬ ▬▬▬▬ ▬▬ ▬▬▬ ▬▬ ▬ ▬▬▬▬▬ ▬▬ ▬▬▬ ▬ ▬▬▬ ▬▬▬▬ ▬ ▬▬ ▬▬▬ ▬▬ ▬▬▬ ▬ ▬▬▬▬ ▬▬ ▬▬▬ ▬▬ ▬ ▬▬▬▬▬ ▬▬ ▬▬▬ ▬ ▬▬▬ ▬▬▬▬ ▬ ▬▬ ▬▬▬ ▬▬ ▬▬▬ ▬ ▬▬▬▬ ▬▬ ▬▬▬ ▬▬ ▬ ▬▬▬▬▬ ▬▬ ▬▬▬ ▬ ▬▬▬ ▬▬▬▬ ▬ ▬▬ ▬▬▬ ▬▬ ▬▬▬ ▬ ▬▬▬▬ ▬▬ ▬▬▬ ▬▬ ▬ ▬▬▬▬▬ ▬▬ ▬▬▬ ▬ ▬▬▬ ▬▬▬▬ ▬

RAILWAY INSPECTION.

▬▬ ▬▬▬ ▬ ▬▬▬▬ ▬▬ ▬▬▬ ▬▬ ▬ ▬▬▬▬▬ ▬▬ ▬▬▬ ▬ ▬▬▬ ▬▬▬▬ ▬ ▬▬ ▬▬▬ ▬▬ ▬▬▬ ▬ ▬▬▬▬ ▬▬ ▬▬▬ ▬▬ ▬ ▬▬▬▬▬ ▬▬ ▬▬▬ ▬ ▬▬▬ ▬▬▬▬ ▬ ▬▬ ▬▬▬ ▬▬ ▬▬▬ ▬ ▬▬▬▬ ▬▬ ▬▬▬ ▬▬ ▬ ▬▬▬▬▬ ▬▬ ▬▬▬ ▬ ▬▬▬ ▬▬▬▬ ▬ ▬▬ ▬▬▬ ▬▬ ▬▬▬ ▬ ▬▬▬▬ ▬▬ ▬▬▬ ▬▬ ▬ ▬▬▬▬▬ ▬▬ ▬▬▬ ▬ ▬▬▬ ▬▬▬▬ ▬ ▬▬ ▬▬▬ ▬▬ ▬▬▬ ▬ ▬▬▬▬ ▬▬ ▬▬▬ ▬▬ ▬ ▬▬▬▬▬ ▬▬ ▬▬▬ ▬ ▬▬▬ ▬▬▬▬ ▬ ▬▬ ▬▬▬ ▬▬ ▬▬▬ ▬ ▬▬▬▬ ▬▬ ▬▬▬ ▬▬ ▬ ▬▬▬▬▬ ▬▬ ▬▬▬ ▬ ▬▬▬ ▬▬▬▬ ▬ ▬▬ ▬▬▬ ▬▬ ▬▬▬ ▬ ▬▬▬▬ ▬▬ ▬▬▬ ▬▬ ▬ ▬▬▬▬▬ ▬▬ ▬▬▬ ▬ ▬▬▬ ▬▬▬▬ ▬

WEST COAST ITEMS.

▬▬ ▬▬▬ ▬ ▬▬▬▬ ▬▬ ▬▬▬ ▬▬ ▬ ▬▬▬▬▬ ▬▬ ▬▬▬ ▬ ▬▬▬ ▬▬▬▬ ▬ ▬▬ ▬▬▬ ▬▬ ▬▬▬ ▬ ▬▬▬▬ ▬▬ ▬▬▬ ▬▬ ▬ ▬▬▬▬▬ ▬▬ ▬▬▬ ▬ ▬▬▬ ▬▬▬▬ ▬ ▬▬ ▬▬▬ ▬▬ ▬▬▬ ▬ ▬▬▬▬ ▬▬ ▬▬▬ ▬▬ ▬ ▬▬▬▬▬ ▬▬ ▬▬▬ ▬ ▬▬▬ ▬▬▬▬ ▬ ▬▬ ▬▬▬ ▬▬ ▬▬▬ ▬ ▬▬▬▬ ▬▬ ▬▬▬ ▬▬ ▬ ▬▬▬▬▬ ▬▬ ▬▬▬ ▬ ▬▬▬ ▬▬▬▬ ▬ ▬▬ ▬▬▬ ▬▬ ▬▬▬ ▬ ▬▬▬▬ ▬▬ ▬▬▬ ▬▬ ▬ ▬▬▬▬▬ ▬▬ ▬▬▬ ▬ ▬▬▬ ▬▬▬▬ ▬ ▬▬ ▬▬▬ ▬▬ ▬▬▬ ▬ ▬▬▬▬ ▬▬ ▬▬▬ ▬▬ ▬ ▬▬▬▬▬ ▬▬ ▬▬▬ ▬ ▬▬▬ ▬▬▬▬ ▬ ▬▬ ▬▬▬ ▬▬ ▬▬▬ ▬ ▬▬▬▬ ▬▬ ▬▬▬ ▬▬ ▬ ▬▬▬▬▬ ▬▬ ▬▬▬ ▬ ▬▬▬ ▬▬▬▬ ▬

AUCKLAND SCHOOLS.

▬▬ ▬▬▬ ▬ ▬▬▬▬ ▬▬ ▬▬▬ ▬▬ ▬ ▬▬▬▬▬ ▬▬ ▬▬▬ ▬ ▬▬▬ ▬▬▬▬ ▬ ▬▬ ▬▬▬ ▬▬ ▬▬▬ ▬ ▬▬▬▬ ▬▬ ▬▬▬ ▬▬ ▬ ▬▬▬▬▬ ▬▬ ▬▬▬ ▬ ▬▬▬ ▬▬▬▬ ▬ ▬▬ ▬▬▬ ▬▬ ▬▬▬ ▬ ▬▬▬▬ ▬▬ ▬▬▬ ▬▬ ▬ ▬▬▬▬▬ ▬▬ ▬▬▬ ▬ ▬▬▬ ▬▬▬▬ ▬ ▬▬ ▬▬▬ ▬▬ ▬▬▬ ▬ ▬▬▬▬ ▬▬ ▬▬▬ ▬▬ ▬ ▬▬▬▬▬ ▬▬ ▬▬▬ ▬ ▬▬▬ ▬▬▬▬ ▬ ▬▬ ▬▬▬ ▬▬ ▬▬▬ ▬ ▬▬▬▬ ▬▬ ▬▬▬ ▬▬ ▬ ▬▬▬▬▬ ▬▬ ▬▬▬ ▬ ▬▬▬ ▬▬▬▬ ▬ ▬▬ ▬▬▬ ▬▬ ▬▬▬ ▬ ▬▬▬▬ ▬▬ ▬▬▬ ▬▬ ▬ ▬▬▬▬▬ ▬▬ ▬▬▬ ▬ ▬▬▬ ▬▬▬▬ ▬ ▬▬ ▬▬▬ ▬▬ ▬▬▬ ▬ ▬▬▬▬ ▬▬ ▬▬▬ ▬▬ ▬ ▬▬▬▬▬ ▬▬ ▬▬▬ ▬ ▬▬▬ ▬▬▬▬ ▬

DEATH FROM BURNS.

▬▬ ▬▬▬ ▬ ▬▬▬▬ ▬▬ ▬▬▬ ▬▬ ▬ ▬▬▬▬▬ ▬▬ ▬▬▬ ▬ ▬▬▬ ▬▬▬▬ ▬ ▬▬ ▬▬▬ ▬▬ ▬▬▬ ▬ ▬▬▬▬ ▬▬ ▬▬▬ ▬▬ ▬ ▬▬▬▬▬ ▬▬ ▬▬▬ ▬ ▬▬▬ ▬▬▬▬ ▬ ▬▬ ▬▬▬ ▬▬ ▬▬▬ ▬ ▬▬▬▬ ▬▬ ▬▬▬ ▬▬ ▬ ▬▬▬▬▬ ▬▬ ▬▬▬ ▬ ▬▬▬ ▬▬▬▬ ▬ ▬▬ ▬▬▬ ▬▬ ▬▬▬ ▬ ▬▬▬▬ ▬▬ ▬▬▬ ▬▬ ▬ ▬▬▬▬▬ ▬▬ ▬▬▬ ▬ ▬▬▬ ▬▬▬▬ ▬ ▬▬ ▬▬▬ ▬▬ ▬▬▬ ▬ ▬▬▬▬ ▬▬ ▬▬▬ ▬▬ ▬ ▬▬▬▬▬ ▬▬ ▬▬▬ ▬ ▬▬▬ ▬▬▬▬ ▬ ▬▬ ▬▬▬ ▬▬ ▬▬▬ ▬ ▬▬▬▬ ▬▬ ▬▬▬ ▬▬ ▬ ▬▬▬▬▬ ▬▬ ▬▬▬ ▬ ▬▬▬ ▬▬▬▬ ▬ ▬▬ ▬▬▬ ▬▬ ▬▬▬ ▬ ▬▬▬▬ ▬▬ ▬▬▬ ▬▬ ▬ ▬▬▬▬▬ ▬▬ ▬▬▬ ▬ ▬▬▬ ▬▬▬▬ ▬

INDUSTRIES WEEK.

▬▬ ▬▬▬ ▬ ▬▬▬▬ ▬▬ ▬▬▬ ▬▬ ▬ ▬▬▬▬▬ ▬▬ ▬▬▬ ▬ ▬▬▬ ▬▬▬▬ ▬ ▬▬ ▬▬▬ ▬▬ ▬▬▬ ▬ ▬▬▬▬ ▬▬ ▬▬▬ ▬▬ ▬ ▬▬▬▬▬ ▬▬ ▬▬▬ ▬ ▬▬▬ ▬▬▬▬ ▬ ▬▬ ▬▬▬ ▬▬ ▬▬▬ ▬ ▬▬▬▬ ▬▬ ▬▬▬ ▬▬ ▬ ▬▬▬▬▬ ▬▬ ▬▬▬ ▬ ▬▬▬ ▬▬▬▬ ▬ ▬▬ ▬▬▬ ▬▬ ▬▬▬ ▬ ▬▬▬▬ ▬▬ ▬▬▬ ▬▬ ▬ ▬▬▬▬▬ ▬▬ ▬▬▬ ▬ ▬▬▬ ▬▬▬▬ ▬ ▬▬ ▬▬▬ ▬▬ ▬▬▬ ▬ ▬▬▬▬ ▬▬ ▬▬▬ ▬▬ ▬ ▬▬▬▬▬ ▬▬ ▬▬▬ ▬ ▬▬▬ ▬▬▬▬ ▬ ▬▬ ▬▬▬ ▬▬ ▬▬▬ ▬ ▬▬▬▬ ▬▬ ▬▬▬ ▬▬ ▬ ▬▬▬▬▬ ▬▬ ▬▬▬ ▬ ▬▬▬ ▬▬▬▬ ▬ ▬▬ ▬▬▬ ▬▬ ▬▬▬ ▬ ▬▬▬▬ ▬▬ ▬▬▬ ▬▬ ▬ ▬▬▬▬▬ ▬▬ ▬▬▬ ▬ ▬▬▬ ▬▬▬▬ ▬
